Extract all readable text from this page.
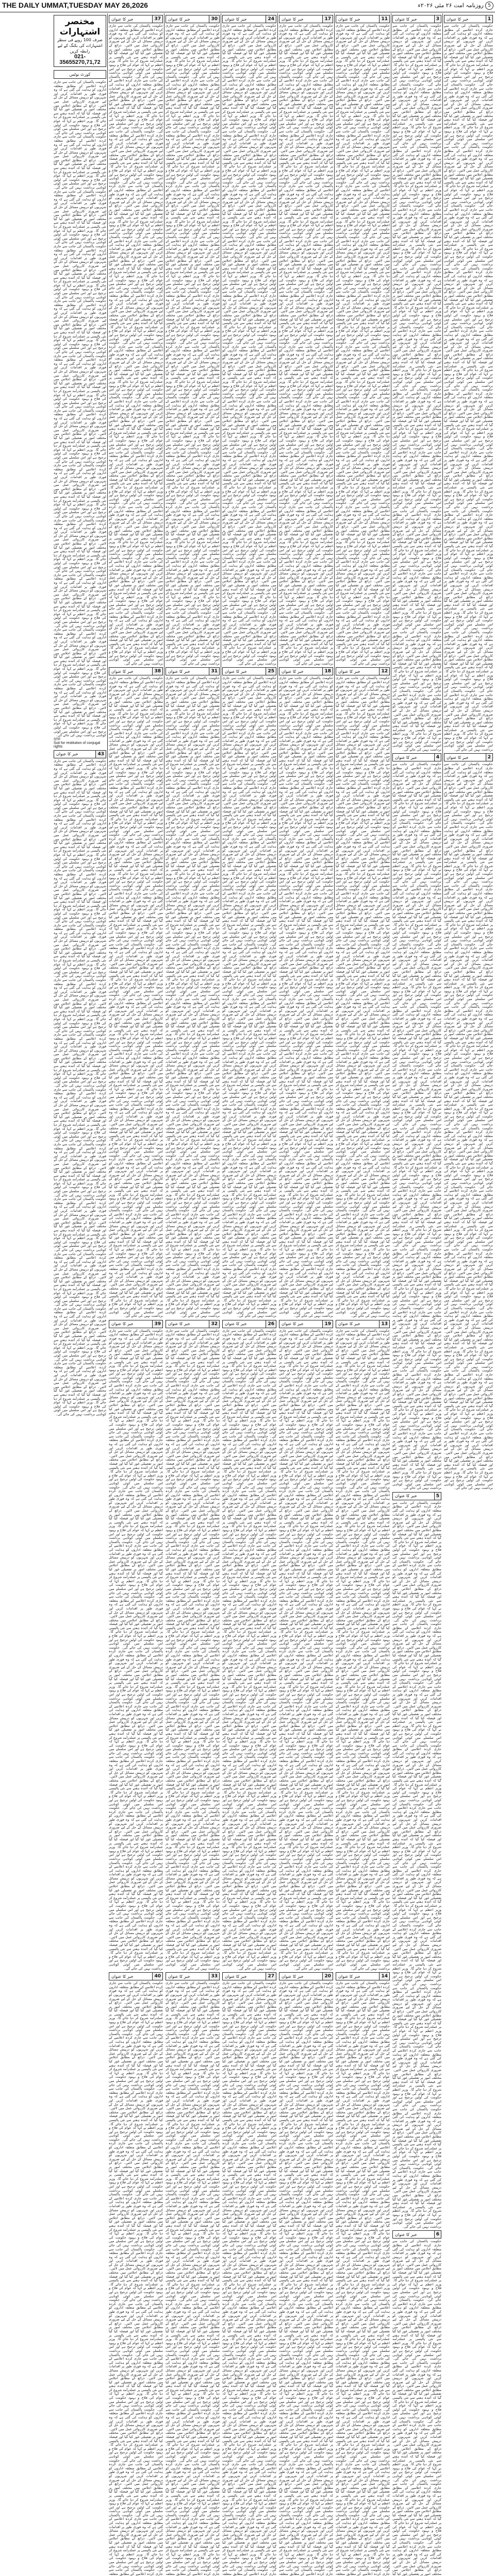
THE DAILY UMMAT,TUESDAY MAY 26,2026	روزنامہ امت ۲۶ مئی ۲۰۲۶ء 5
1
خبر کا عنوان
حکومت پاکستان کی جانب سے جاری کردہ اعلامیے کے مطابق متعلقہ اداروں کو ہدایت کی گئی ہے کہ وہ فوری طور پر اقدامات کریں اور شہریوں کو درپیش مسائل کے حل کے لیے ضروری کارروائی عمل میں لائیں۔ ذرائع کے مطابق اجلاس میں مختلف امور پر تفصیلی غور کیا گیا اور فیصلہ کیا گیا کہ آئندہ ہفتے سے نئی پالیسی پر عملدرآمد شروع کر دیا جائے گا۔ وزیر اعظم نے کہا کہ عوام کی فلاح و بہبود حکومت کی اولین ترجیح ہے اور اس سلسلے میں کوئی کوتاہی برداشت نہیں کی جائے گی۔ حکومت پاکستان کی جانب سے جاری کردہ اعلامیے کے مطابق متعلقہ اداروں کو ہدایت کی گئی ہے کہ وہ فوری طور پر اقدامات کریں اور شہریوں کو درپیش مسائل کے حل کے لیے ضروری کارروائی عمل میں لائیں۔ ذرائع کے مطابق اجلاس میں مختلف امور پر تفصیلی غور کیا گیا اور فیصلہ کیا گیا کہ آئندہ ہفتے سے نئی پالیسی پر عملدرآمد شروع کر دیا جائے گا۔ وزیر اعظم نے کہا کہ عوام کی فلاح و بہبود حکومت کی اولین ترجیح ہے اور اس سلسلے میں کوئی کوتاہی برداشت نہیں کی جائے گی۔ حکومت پاکستان کی جانب سے جاری کردہ اعلامیے کے مطابق متعلقہ اداروں کو ہدایت کی گئی ہے کہ وہ فوری طور پر اقدامات کریں اور شہریوں کو درپیش مسائل کے حل کے لیے ضروری کارروائی عمل میں لائیں۔ ذرائع کے مطابق اجلاس میں مختلف امور پر تفصیلی غور کیا گیا اور فیصلہ کیا گیا کہ آئندہ ہفتے سے نئی پالیسی پر عملدرآمد شروع کر دیا جائے گا۔ وزیر اعظم نے کہا کہ عوام کی فلاح و بہبود حکومت کی اولین ترجیح ہے اور اس سلسلے میں کوئی کوتاہی برداشت نہیں کی جائے گی۔ حکومت پاکستان کی جانب سے جاری کردہ اعلامیے کے مطابق متعلقہ اداروں کو ہدایت کی گئی ہے کہ وہ فوری طور پر اقدامات کریں اور شہریوں کو درپیش مسائل کے حل کے لیے ضروری کارروائی عمل میں لائیں۔ ذرائع کے مطابق اجلاس میں مختلف امور پر تفصیلی غور کیا گیا اور فیصلہ کیا گیا کہ آئندہ ہفتے سے نئی پالیسی پر عملدرآمد شروع کر دیا جائے گا۔ وزیر اعظم نے کہا کہ عوام کی فلاح و بہبود حکومت کی اولین ترجیح ہے اور اس سلسلے میں کوئی کوتاہی برداشت نہیں کی جائے گی۔ حکومت پاکستان کی جانب سے جاری کردہ اعلامیے کے مطابق متعلقہ اداروں کو ہدایت کی گئی ہے کہ وہ فوری طور پر اقدامات کریں اور شہریوں کو درپیش مسائل کے حل کے لیے ضروری کارروائی عمل میں لائیں۔ ذرائع کے مطابق اجلاس میں مختلف امور پر تفصیلی غور کیا گیا اور فیصلہ کیا گیا کہ آئندہ ہفتے سے نئی پالیسی پر عملدرآمد شروع کر دیا جائے گا۔ وزیر اعظم نے کہا کہ عوام کی فلاح و بہبود حکومت کی اولین ترجیح ہے اور اس سلسلے میں کوئی کوتاہی برداشت نہیں کی جائے گی۔ حکومت پاکستان کی جانب سے جاری کردہ اعلامیے کے مطابق متعلقہ اداروں کو ہدایت کی گئی ہے کہ وہ فوری طور پر اقدامات کریں اور شہریوں کو درپیش مسائل کے حل کے لیے ضروری کارروائی عمل میں لائیں۔ ذرائع کے مطابق اجلاس میں مختلف امور پر تفصیلی غور کیا گیا اور فیصلہ کیا گیا کہ آئندہ ہفتے سے نئی پالیسی پر عملدرآمد شروع کر دیا جائے گا۔ وزیر اعظم نے کہا کہ عوام کی فلاح و بہبود حکومت کی اولین ترجیح ہے اور اس سلسلے میں کوئی کوتاہی برداشت نہیں کی جائے گی۔ حکومت پاکستان کی جانب سے جاری کردہ اعلامیے کے مطابق متعلقہ اداروں کو ہدایت کی گئی ہے کہ وہ فوری طور پر اقدامات کریں اور شہریوں کو درپیش مسائل کے حل کے لیے ضروری کارروائی عمل میں لائیں۔ ذرائع کے مطابق اجلاس میں مختلف امور پر تفصیلی غور کیا گیا اور فیصلہ کیا گیا کہ آئندہ ہفتے سے نئی پالیسی پر عملدرآمد شروع کر دیا جائے گا۔ وزیر اعظم نے کہا کہ عوام کی فلاح و بہبود حکومت کی اولین ترجیح ہے اور اس سلسلے میں کوئی کوتاہی برداشت نہیں کی جائے گی۔ حکومت پاکستان کی جانب سے جاری کردہ اعلامیے کے مطابق متعلقہ اداروں کو ہدایت کی گئی ہے کہ وہ فوری طور پر اقدامات کریں اور شہریوں کو درپیش مسائل کے حل کے لیے ضروری کارروائی عمل میں لائیں۔ ذرائع کے مطابق اجلاس میں مختلف امور پر تفصیلی غور کیا گیا اور فیصلہ کیا گیا کہ آئندہ ہفتے سے نئی پالیسی پر عملدرآمد شروع کر دیا جائے گا۔ وزیر اعظم نے کہا کہ عوام کی فلاح و بہبود حکومت کی اولین ترجیح ہے اور اس سلسلے میں کوئی کوتاہی برداشت نہیں کی جائے گی۔ حکومت پاکستان کی جانب سے جاری کردہ اعلامیے کے مطابق متعلقہ اداروں کو ہدایت کی گئی ہے کہ وہ فوری طور پر اقدامات کریں اور شہریوں کو درپیش مسائل کے حل کے لیے ضروری کارروائی عمل میں لائیں۔ ذرائع کے مطابق اجلاس میں مختلف امور پر تفصیلی غور کیا گیا اور فیصلہ کیا گیا کہ آئندہ ہفتے سے نئی پالیسی پر عملدرآمد شروع کر دیا جائے گا۔ وزیر اعظم نے کہا کہ عوام کی فلاح و بہبود حکومت کی اولین ترجیح ہے اور اس سلسلے میں کوئی کوتاہی برداشت نہیں کی جائے گی۔ حکومت پاکستان کی جانب سے جاری کردہ اعلامیے کے مطابق متعلقہ اداروں کو ہدایت کی گئی ہے کہ وہ فوری طور پر اقدامات کریں اور شہریوں کو درپیش مسائل کے حل کے لیے ضروری کارروائی عمل میں لائیں۔ ذرائع کے مطابق اجلاس میں مختلف امور پر تفصیلی غور کیا گیا اور فیصلہ کیا گیا کہ آئندہ ہفتے سے نئی پالیسی پر عملدرآمد شروع کر دیا جائے گا۔ وزیر اعظم نے کہا کہ عوام کی فلاح و بہبود حکومت کی اولین ترجیح ہے اور اس سلسلے میں کوئی کوتاہی برداشت نہیں کی جائے گی۔ حکومت پاکستان کی جانب سے جاری کردہ اعلامیے کے مطابق متعلقہ اداروں کو ہدایت کی گئی ہے کہ وہ فوری طور پر اقدامات کریں اور شہریوں کو درپیش مسائل کے حل کے لیے ضروری کارروائی عمل میں لائیں۔ ذرائع کے مطابق اجلاس میں مختلف امور پر تفصیلی غور کیا گیا اور فیصلہ کیا گیا کہ آئندہ ہفتے سے نئی پالیسی پر عملدرآمد شروع کر دیا جائے گا۔ وزیر اعظم نے کہا کہ عوام کی فلاح و بہبود حکومت کی اولین ترجیح ہے اور اس سلسلے میں کوئی کوتاہی برداشت نہیں کی جائے گی۔ حکومت پاکستان کی جانب سے جاری کردہ اعلامیے کے مطابق متعلقہ اداروں کو ہدایت کی گئی ہے کہ وہ فوری طور پر اقدامات کریں اور شہریوں کو درپیش مسائل کے حل کے لیے ضروری کارروائی عمل میں لائیں۔ ذرائع کے مطابق اجلاس میں مختلف امور پر تفصیلی غور کیا گیا اور فیصلہ کیا گیا کہ آئندہ ہفتے سے نئی پالیسی پر عملدرآمد شروع کر دیا جائے گا۔ وزیر اعظم نے کہا کہ عوام کی فلاح و بہبود حکومت کی اولین ترجیح ہے اور اس سلسلے میں کوئی کوتاہی برداشت نہیں کی جائے گی۔
2
خبر کا عنوان
حکومت پاکستان کی جانب سے جاری کردہ اعلامیے کے مطابق متعلقہ اداروں کو ہدایت کی گئی ہے کہ وہ فوری طور پر اقدامات کریں اور شہریوں کو درپیش مسائل کے حل کے لیے ضروری کارروائی عمل میں لائیں۔ ذرائع کے مطابق اجلاس میں مختلف امور پر تفصیلی غور کیا گیا اور فیصلہ کیا گیا کہ آئندہ ہفتے سے نئی پالیسی پر عملدرآمد شروع کر دیا جائے گا۔ وزیر اعظم نے کہا کہ عوام کی فلاح و بہبود حکومت کی اولین ترجیح ہے اور اس سلسلے میں کوئی کوتاہی برداشت نہیں کی جائے گی۔ حکومت پاکستان کی جانب سے جاری کردہ اعلامیے کے مطابق متعلقہ اداروں کو ہدایت کی گئی ہے کہ وہ فوری طور پر اقدامات کریں اور شہریوں کو درپیش مسائل کے حل کے لیے ضروری کارروائی عمل میں لائیں۔ ذرائع کے مطابق اجلاس میں مختلف امور پر تفصیلی غور کیا گیا اور فیصلہ کیا گیا کہ آئندہ ہفتے سے نئی پالیسی پر عملدرآمد شروع کر دیا جائے گا۔ وزیر اعظم نے کہا کہ عوام کی فلاح و بہبود حکومت کی اولین ترجیح ہے اور اس سلسلے میں کوئی کوتاہی برداشت نہیں کی جائے گی۔ حکومت پاکستان کی جانب سے جاری کردہ اعلامیے کے مطابق متعلقہ اداروں کو ہدایت کی گئی ہے کہ وہ فوری طور پر اقدامات کریں اور شہریوں کو درپیش مسائل کے حل کے لیے ضروری کارروائی عمل میں لائیں۔ ذرائع کے مطابق اجلاس میں مختلف امور پر تفصیلی غور کیا گیا اور فیصلہ کیا گیا کہ آئندہ ہفتے سے نئی پالیسی پر عملدرآمد شروع کر دیا جائے گا۔ وزیر اعظم نے کہا کہ عوام کی فلاح و بہبود حکومت کی اولین ترجیح ہے اور اس سلسلے میں کوئی کوتاہی برداشت نہیں کی جائے گی۔ حکومت پاکستان کی جانب سے جاری کردہ اعلامیے کے مطابق متعلقہ اداروں کو ہدایت کی گئی ہے کہ وہ فوری طور پر اقدامات کریں اور شہریوں کو درپیش مسائل کے حل کے لیے ضروری کارروائی عمل میں لائیں۔ ذرائع کے مطابق اجلاس میں مختلف امور پر تفصیلی غور کیا گیا اور فیصلہ کیا گیا کہ آئندہ ہفتے سے نئی پالیسی پر عملدرآمد شروع کر دیا جائے گا۔ وزیر اعظم نے کہا کہ عوام کی فلاح و بہبود حکومت کی اولین ترجیح ہے اور اس سلسلے میں کوئی کوتاہی برداشت نہیں کی جائے گی۔ حکومت پاکستان کی جانب سے جاری کردہ اعلامیے کے مطابق متعلقہ اداروں کو ہدایت کی گئی ہے کہ وہ فوری طور پر اقدامات کریں اور شہریوں کو درپیش مسائل کے حل کے لیے ضروری کارروائی عمل میں لائیں۔ ذرائع کے مطابق اجلاس میں مختلف امور پر تفصیلی غور کیا گیا اور فیصلہ کیا گیا کہ آئندہ ہفتے سے نئی پالیسی پر عملدرآمد شروع کر دیا جائے گا۔ وزیر اعظم نے کہا کہ عوام کی فلاح و بہبود حکومت کی اولین ترجیح ہے اور اس سلسلے میں کوئی کوتاہی برداشت نہیں کی جائے گی۔ حکومت پاکستان کی جانب سے جاری کردہ اعلامیے کے مطابق متعلقہ اداروں کو ہدایت کی گئی ہے کہ وہ فوری طور پر اقدامات کریں اور شہریوں کو درپیش مسائل کے حل کے لیے ضروری کارروائی عمل میں لائیں۔ ذرائع کے مطابق اجلاس میں مختلف امور پر تفصیلی غور کیا گیا اور فیصلہ کیا گیا کہ آئندہ ہفتے سے نئی پالیسی پر عملدرآمد شروع کر دیا جائے گا۔ وزیر اعظم نے کہا کہ عوام کی فلاح و بہبود حکومت کی اولین ترجیح ہے اور اس سلسلے میں کوئی کوتاہی برداشت نہیں کی جائے گی۔ حکومت پاکستان کی جانب سے جاری کردہ اعلامیے کے مطابق متعلقہ اداروں کو ہدایت کی گئی ہے کہ وہ فوری طور پر اقدامات کریں اور شہریوں کو درپیش مسائل کے حل کے لیے ضروری کارروائی عمل میں لائیں۔ ذرائع کے مطابق اجلاس میں مختلف امور پر تفصیلی غور کیا گیا اور فیصلہ کیا گیا کہ آئندہ ہفتے سے نئی پالیسی پر عملدرآمد شروع کر دیا جائے گا۔ وزیر اعظم نے کہا کہ عوام کی فلاح و بہبود حکومت کی اولین ترجیح ہے اور اس سلسلے میں کوئی کوتاہی برداشت نہیں کی جائے گی۔ حکومت پاکستان کی جانب سے جاری کردہ اعلامیے کے مطابق متعلقہ اداروں کو ہدایت کی گئی ہے کہ وہ فوری طور پر اقدامات کریں اور شہریوں کو درپیش مسائل کے حل کے لیے ضروری کارروائی عمل میں لائیں۔ ذرائع کے مطابق اجلاس میں مختلف امور پر تفصیلی غور کیا گیا اور فیصلہ کیا گیا کہ آئندہ ہفتے سے نئی پالیسی پر عملدرآمد شروع کر دیا جائے گا۔ وزیر اعظم نے کہا کہ عوام کی فلاح و بہبود حکومت کی اولین ترجیح ہے اور اس سلسلے میں کوئی کوتاہی برداشت نہیں کی جائے گی۔ حکومت پاکستان کی جانب سے جاری کردہ اعلامیے کے مطابق متعلقہ اداروں کو ہدایت کی گئی ہے کہ وہ فوری طور پر اقدامات کریں اور شہریوں کو درپیش مسائل کے حل کے لیے ضروری کارروائی عمل میں لائیں۔ ذرائع کے مطابق اجلاس میں مختلف امور پر تفصیلی غور کیا گیا اور فیصلہ کیا گیا کہ آئندہ ہفتے سے نئی پالیسی پر عملدرآمد شروع کر دیا جائے گا۔ وزیر اعظم نے کہا کہ عوام کی فلاح و بہبود حکومت کی اولین ترجیح ہے اور اس سلسلے میں کوئی کوتاہی برداشت نہیں کی جائے گی۔ حکومت پاکستان کی جانب سے جاری کردہ اعلامیے کے مطابق متعلقہ اداروں کو ہدایت کی گئی ہے کہ وہ فوری طور پر اقدامات کریں اور شہریوں کو درپیش مسائل کے حل کے لیے ضروری کارروائی عمل میں لائیں۔ ذرائع کے مطابق اجلاس میں مختلف امور پر تفصیلی غور کیا گیا اور فیصلہ کیا گیا کہ آئندہ ہفتے سے نئی پالیسی پر عملدرآمد شروع کر دیا جائے گا۔ وزیر اعظم نے کہا کہ عوام کی فلاح و بہبود حکومت کی اولین ترجیح ہے اور اس سلسلے میں کوئی کوتاہی برداشت نہیں کی جائے گی۔ حکومت پاکستان کی جانب سے جاری کردہ اعلامیے کے مطابق متعلقہ اداروں کو ہدایت کی گئی ہے کہ وہ فوری طور پر اقدامات کریں اور شہریوں کو درپیش مسائل کے حل کے لیے ضروری کارروائی عمل میں لائیں۔ ذرائع کے مطابق اجلاس میں مختلف امور پر تفصیلی غور کیا گیا اور فیصلہ کیا گیا کہ آئندہ ہفتے سے نئی پالیسی پر عملدرآمد شروع کر دیا جائے گا۔ وزیر اعظم نے کہا کہ عوام کی فلاح و بہبود حکومت کی اولین ترجیح ہے اور اس سلسلے میں کوئی کوتاہی برداشت نہیں کی جائے گی۔ حکومت پاکستان کی جانب سے جاری کردہ اعلامیے کے مطابق متعلقہ اداروں کو ہدایت کی گئی ہے کہ وہ فوری طور پر اقدامات کریں اور شہریوں کو درپیش مسائل کے حل کے لیے ضروری کارروائی عمل میں لائیں۔ ذرائع کے مطابق اجلاس میں مختلف امور پر تفصیلی غور کیا گیا اور فیصلہ کیا گیا کہ آئندہ ہفتے سے نئی پالیسی پر عملدرآمد شروع کر دیا جائے گا۔ وزیر اعظم نے کہا کہ عوام کی فلاح و بہبود حکومت کی اولین ترجیح ہے اور اس سلسلے میں کوئی کوتاہی برداشت نہیں کی جائے گی۔
3
خبر کا عنوان
حکومت پاکستان کی جانب سے جاری کردہ اعلامیے کے مطابق متعلقہ اداروں کو ہدایت کی گئی ہے کہ وہ فوری طور پر اقدامات کریں اور شہریوں کو درپیش مسائل کے حل کے لیے ضروری کارروائی عمل میں لائیں۔ ذرائع کے مطابق اجلاس میں مختلف امور پر تفصیلی غور کیا گیا اور فیصلہ کیا گیا کہ آئندہ ہفتے سے نئی پالیسی پر عملدرآمد شروع کر دیا جائے گا۔ وزیر اعظم نے کہا کہ عوام کی فلاح و بہبود حکومت کی اولین ترجیح ہے اور اس سلسلے میں کوئی کوتاہی برداشت نہیں کی جائے گی۔ حکومت پاکستان کی جانب سے جاری کردہ اعلامیے کے مطابق متعلقہ اداروں کو ہدایت کی گئی ہے کہ وہ فوری طور پر اقدامات کریں اور شہریوں کو درپیش مسائل کے حل کے لیے ضروری کارروائی عمل میں لائیں۔ ذرائع کے مطابق اجلاس میں مختلف امور پر تفصیلی غور کیا گیا اور فیصلہ کیا گیا کہ آئندہ ہفتے سے نئی پالیسی پر عملدرآمد شروع کر دیا جائے گا۔ وزیر اعظم نے کہا کہ عوام کی فلاح و بہبود حکومت کی اولین ترجیح ہے اور اس سلسلے میں کوئی کوتاہی برداشت نہیں کی جائے گی۔ حکومت پاکستان کی جانب سے جاری کردہ اعلامیے کے مطابق متعلقہ اداروں کو ہدایت کی گئی ہے کہ وہ فوری طور پر اقدامات کریں اور شہریوں کو درپیش مسائل کے حل کے لیے ضروری کارروائی عمل میں لائیں۔ ذرائع کے مطابق اجلاس میں مختلف امور پر تفصیلی غور کیا گیا اور فیصلہ کیا گیا کہ آئندہ ہفتے سے نئی پالیسی پر عملدرآمد شروع کر دیا جائے گا۔ وزیر اعظم نے کہا کہ عوام کی فلاح و بہبود حکومت کی اولین ترجیح ہے اور اس سلسلے میں کوئی کوتاہی برداشت نہیں کی جائے گی۔ حکومت پاکستان کی جانب سے جاری کردہ اعلامیے کے مطابق متعلقہ اداروں کو ہدایت کی گئی ہے کہ وہ فوری طور پر اقدامات کریں اور شہریوں کو درپیش مسائل کے حل کے لیے ضروری کارروائی عمل میں لائیں۔ ذرائع کے مطابق اجلاس میں مختلف امور پر تفصیلی غور کیا گیا اور فیصلہ کیا گیا کہ آئندہ ہفتے سے نئی پالیسی پر عملدرآمد شروع کر دیا جائے گا۔ وزیر اعظم نے کہا کہ عوام کی فلاح و بہبود حکومت کی اولین ترجیح ہے اور اس سلسلے میں کوئی کوتاہی برداشت نہیں کی جائے گی۔ حکومت پاکستان کی جانب سے جاری کردہ اعلامیے کے مطابق متعلقہ اداروں کو ہدایت کی گئی ہے کہ وہ فوری طور پر اقدامات کریں اور شہریوں کو درپیش مسائل کے حل کے لیے ضروری کارروائی عمل میں لائیں۔ ذرائع کے مطابق اجلاس میں مختلف امور پر تفصیلی غور کیا گیا اور فیصلہ کیا گیا کہ آئندہ ہفتے سے نئی پالیسی پر عملدرآمد شروع کر دیا جائے گا۔ وزیر اعظم نے کہا کہ عوام کی فلاح و بہبود حکومت کی اولین ترجیح ہے اور اس سلسلے میں کوئی کوتاہی برداشت نہیں کی جائے گی۔ حکومت پاکستان کی جانب سے جاری کردہ اعلامیے کے مطابق متعلقہ اداروں کو ہدایت کی گئی ہے کہ وہ فوری طور پر اقدامات کریں اور شہریوں کو درپیش مسائل کے حل کے لیے ضروری کارروائی عمل میں لائیں۔ ذرائع کے مطابق اجلاس میں مختلف امور پر تفصیلی غور کیا گیا اور فیصلہ کیا گیا کہ آئندہ ہفتے سے نئی پالیسی پر عملدرآمد شروع کر دیا جائے گا۔ وزیر اعظم نے کہا کہ عوام کی فلاح و بہبود حکومت کی اولین ترجیح ہے اور اس سلسلے میں کوئی کوتاہی برداشت نہیں کی جائے گی۔ حکومت پاکستان کی جانب سے جاری کردہ اعلامیے کے مطابق متعلقہ اداروں کو ہدایت کی گئی ہے کہ وہ فوری طور پر اقدامات کریں اور شہریوں کو درپیش مسائل کے حل کے لیے ضروری کارروائی عمل میں لائیں۔ ذرائع کے مطابق اجلاس میں مختلف امور پر تفصیلی غور کیا گیا اور فیصلہ کیا گیا کہ آئندہ ہفتے سے نئی پالیسی پر عملدرآمد شروع کر دیا جائے گا۔ وزیر اعظم نے کہا کہ عوام کی فلاح و بہبود حکومت کی اولین ترجیح ہے اور اس سلسلے میں کوئی کوتاہی برداشت نہیں کی جائے گی۔ حکومت پاکستان کی جانب سے جاری کردہ اعلامیے کے مطابق متعلقہ اداروں کو ہدایت کی گئی ہے کہ وہ فوری طور پر اقدامات کریں اور شہریوں کو درپیش مسائل کے حل کے لیے ضروری کارروائی عمل میں لائیں۔ ذرائع کے مطابق اجلاس میں مختلف امور پر تفصیلی غور کیا گیا اور فیصلہ کیا گیا کہ آئندہ ہفتے سے نئی پالیسی پر عملدرآمد شروع کر دیا جائے گا۔ وزیر اعظم نے کہا کہ عوام کی فلاح و بہبود حکومت کی اولین ترجیح ہے اور اس سلسلے میں کوئی کوتاہی برداشت نہیں کی جائے گی۔ حکومت پاکستان کی جانب سے جاری کردہ اعلامیے کے مطابق متعلقہ اداروں کو ہدایت کی گئی ہے کہ وہ فوری طور پر اقدامات کریں اور شہریوں کو درپیش مسائل کے حل کے لیے ضروری کارروائی عمل میں لائیں۔ ذرائع کے مطابق اجلاس میں مختلف امور پر تفصیلی غور کیا گیا اور فیصلہ کیا گیا کہ آئندہ ہفتے سے نئی پالیسی پر عملدرآمد شروع کر دیا جائے گا۔ وزیر اعظم نے کہا کہ عوام کی فلاح و بہبود حکومت کی اولین ترجیح ہے اور اس سلسلے میں کوئی کوتاہی برداشت نہیں کی جائے گی۔ حکومت پاکستان کی جانب سے جاری کردہ اعلامیے کے مطابق متعلقہ اداروں کو ہدایت کی گئی ہے کہ وہ فوری طور پر اقدامات کریں اور شہریوں کو درپیش مسائل کے حل کے لیے ضروری کارروائی عمل میں لائیں۔ ذرائع کے مطابق اجلاس میں مختلف امور پر تفصیلی غور کیا گیا اور فیصلہ کیا گیا کہ آئندہ ہفتے سے نئی پالیسی پر عملدرآمد شروع کر دیا جائے گا۔ وزیر اعظم نے کہا کہ عوام کی فلاح و بہبود حکومت کی اولین ترجیح ہے اور اس سلسلے میں کوئی کوتاہی برداشت نہیں کی جائے گی۔ حکومت پاکستان کی جانب سے جاری کردہ اعلامیے کے مطابق متعلقہ اداروں کو ہدایت کی گئی ہے کہ وہ فوری طور پر اقدامات کریں اور شہریوں کو درپیش مسائل کے حل کے لیے ضروری کارروائی عمل میں لائیں۔ ذرائع کے مطابق اجلاس میں مختلف امور پر تفصیلی غور کیا گیا اور فیصلہ کیا گیا کہ آئندہ ہفتے سے نئی پالیسی پر عملدرآمد شروع کر دیا جائے گا۔ وزیر اعظم نے کہا کہ عوام کی فلاح و بہبود حکومت کی اولین ترجیح ہے اور اس سلسلے میں کوئی کوتاہی برداشت نہیں کی جائے گی۔ حکومت پاکستان کی جانب سے جاری کردہ اعلامیے کے مطابق متعلقہ اداروں کو ہدایت کی گئی ہے کہ وہ فوری طور پر اقدامات کریں اور شہریوں کو درپیش مسائل کے حل کے لیے ضروری کارروائی عمل میں لائیں۔ ذرائع کے مطابق اجلاس میں مختلف امور پر تفصیلی غور کیا گیا اور فیصلہ کیا گیا کہ آئندہ ہفتے سے نئی پالیسی پر عملدرآمد شروع کر دیا جائے گا۔ وزیر اعظم نے کہا کہ عوام کی فلاح و بہبود حکومت کی اولین ترجیح ہے اور اس سلسلے میں کوئی کوتاہی برداشت نہیں کی جائے گی۔
4
خبر کا عنوان
حکومت پاکستان کی جانب سے جاری کردہ اعلامیے کے مطابق متعلقہ اداروں کو ہدایت کی گئی ہے کہ وہ فوری طور پر اقدامات کریں اور شہریوں کو درپیش مسائل کے حل کے لیے ضروری کارروائی عمل میں لائیں۔ ذرائع کے مطابق اجلاس میں مختلف امور پر تفصیلی غور کیا گیا اور فیصلہ کیا گیا کہ آئندہ ہفتے سے نئی پالیسی پر عملدرآمد شروع کر دیا جائے گا۔ وزیر اعظم نے کہا کہ عوام کی فلاح و بہبود حکومت کی اولین ترجیح ہے اور اس سلسلے میں کوئی کوتاہی برداشت نہیں کی جائے گی۔ حکومت پاکستان کی جانب سے جاری کردہ اعلامیے کے مطابق متعلقہ اداروں کو ہدایت کی گئی ہے کہ وہ فوری طور پر اقدامات کریں اور شہریوں کو درپیش مسائل کے حل کے لیے ضروری کارروائی عمل میں لائیں۔ ذرائع کے مطابق اجلاس میں مختلف امور پر تفصیلی غور کیا گیا اور فیصلہ کیا گیا کہ آئندہ ہفتے سے نئی پالیسی پر عملدرآمد شروع کر دیا جائے گا۔ وزیر اعظم نے کہا کہ عوام کی فلاح و بہبود حکومت کی اولین ترجیح ہے اور اس سلسلے میں کوئی کوتاہی برداشت نہیں کی جائے گی۔ حکومت پاکستان کی جانب سے جاری کردہ اعلامیے کے مطابق متعلقہ اداروں کو ہدایت کی گئی ہے کہ وہ فوری طور پر اقدامات کریں اور شہریوں کو درپیش مسائل کے حل کے لیے ضروری کارروائی عمل میں لائیں۔ ذرائع کے مطابق اجلاس میں مختلف امور پر تفصیلی غور کیا گیا اور فیصلہ کیا گیا کہ آئندہ ہفتے سے نئی پالیسی پر عملدرآمد شروع کر دیا جائے گا۔ وزیر اعظم نے کہا کہ عوام کی فلاح و بہبود حکومت کی اولین ترجیح ہے اور اس سلسلے میں کوئی کوتاہی برداشت نہیں کی جائے گی۔ حکومت پاکستان کی جانب سے جاری کردہ اعلامیے کے مطابق متعلقہ اداروں کو ہدایت کی گئی ہے کہ وہ فوری طور پر اقدامات کریں اور شہریوں کو درپیش مسائل کے حل کے لیے ضروری کارروائی عمل میں لائیں۔ ذرائع کے مطابق اجلاس میں مختلف امور پر تفصیلی غور کیا گیا اور فیصلہ کیا گیا کہ آئندہ ہفتے سے نئی پالیسی پر عملدرآمد شروع کر دیا جائے گا۔ وزیر اعظم نے کہا کہ عوام کی فلاح و بہبود حکومت کی اولین ترجیح ہے اور اس سلسلے میں کوئی کوتاہی برداشت نہیں کی جائے گی۔ حکومت پاکستان کی جانب سے جاری کردہ اعلامیے کے مطابق متعلقہ اداروں کو ہدایت کی گئی ہے کہ وہ فوری طور پر اقدامات کریں اور شہریوں کو درپیش مسائل کے حل کے لیے ضروری کارروائی عمل میں لائیں۔ ذرائع کے مطابق اجلاس میں مختلف امور پر تفصیلی غور کیا گیا اور فیصلہ کیا گیا کہ آئندہ ہفتے سے نئی پالیسی پر عملدرآمد شروع کر دیا جائے گا۔ وزیر اعظم نے کہا کہ عوام کی فلاح و بہبود حکومت کی اولین ترجیح ہے اور اس سلسلے میں کوئی کوتاہی برداشت نہیں کی جائے گی۔ حکومت پاکستان کی جانب سے جاری کردہ اعلامیے کے مطابق متعلقہ اداروں کو ہدایت کی گئی ہے کہ وہ فوری طور پر اقدامات کریں اور شہریوں کو درپیش مسائل کے حل کے لیے ضروری کارروائی عمل میں لائیں۔ ذرائع کے مطابق اجلاس میں مختلف امور پر تفصیلی غور کیا گیا اور فیصلہ کیا گیا کہ آئندہ ہفتے سے نئی پالیسی پر عملدرآمد شروع کر دیا جائے گا۔ وزیر اعظم نے کہا کہ عوام کی فلاح و بہبود حکومت کی اولین ترجیح ہے اور اس سلسلے میں کوئی کوتاہی برداشت نہیں کی جائے گی۔ حکومت پاکستان کی جانب سے جاری کردہ اعلامیے کے مطابق متعلقہ اداروں کو ہدایت کی گئی ہے کہ وہ فوری طور پر اقدامات کریں اور شہریوں کو درپیش مسائل کے حل کے لیے ضروری کارروائی عمل میں لائیں۔ ذرائع کے مطابق اجلاس میں مختلف امور پر تفصیلی غور کیا گیا اور فیصلہ کیا گیا کہ آئندہ ہفتے سے نئی پالیسی پر عملدرآمد شروع کر دیا جائے گا۔ وزیر اعظم نے کہا کہ عوام کی فلاح و بہبود حکومت کی اولین ترجیح ہے اور اس سلسلے میں کوئی کوتاہی برداشت نہیں کی جائے گی۔ حکومت پاکستان کی جانب سے جاری کردہ اعلامیے کے مطابق متعلقہ اداروں کو ہدایت کی گئی ہے کہ وہ فوری طور پر اقدامات کریں اور شہریوں کو درپیش مسائل کے حل کے لیے ضروری کارروائی عمل میں لائیں۔ ذرائع کے مطابق اجلاس میں مختلف امور پر تفصیلی غور کیا گیا اور فیصلہ کیا گیا کہ آئندہ ہفتے سے نئی پالیسی پر عملدرآمد شروع کر دیا جائے گا۔ وزیر اعظم نے کہا کہ عوام کی فلاح و بہبود حکومت کی اولین ترجیح ہے اور اس سلسلے میں کوئی کوتاہی برداشت نہیں کی جائے گی۔ حکومت پاکستان کی جانب سے جاری کردہ اعلامیے کے مطابق متعلقہ اداروں کو ہدایت کی گئی ہے کہ وہ فوری طور پر اقدامات کریں اور شہریوں کو درپیش مسائل کے حل کے لیے ضروری کارروائی عمل میں لائیں۔ ذرائع کے مطابق اجلاس میں مختلف امور پر تفصیلی غور کیا گیا اور فیصلہ کیا گیا کہ آئندہ ہفتے سے نئی پالیسی پر عملدرآمد شروع کر دیا جائے گا۔ وزیر اعظم نے کہا کہ عوام کی فلاح و بہبود حکومت کی اولین ترجیح ہے اور اس سلسلے میں کوئی کوتاہی برداشت نہیں کی جائے گی۔ حکومت پاکستان کی جانب سے جاری کردہ اعلامیے کے مطابق متعلقہ اداروں کو ہدایت کی گئی ہے کہ وہ فوری طور پر اقدامات کریں اور شہریوں کو درپیش مسائل کے حل کے لیے ضروری کارروائی عمل میں لائیں۔ ذرائع کے مطابق اجلاس میں مختلف امور پر تفصیلی غور کیا گیا اور فیصلہ کیا گیا کہ آئندہ ہفتے سے نئی پالیسی پر عملدرآمد شروع کر دیا جائے گا۔ وزیر اعظم نے کہا کہ عوام کی فلاح و بہبود حکومت کی اولین ترجیح ہے اور اس سلسلے میں کوئی کوتاہی برداشت نہیں کی جائے گی۔ حکومت پاکستان کی جانب سے جاری کردہ اعلامیے کے مطابق متعلقہ اداروں کو ہدایت کی گئی ہے کہ وہ فوری طور پر اقدامات کریں اور شہریوں کو درپیش مسائل کے حل کے لیے ضروری کارروائی عمل میں لائیں۔ ذرائع کے مطابق اجلاس میں مختلف امور پر تفصیلی غور کیا گیا اور فیصلہ کیا گیا کہ آئندہ ہفتے سے نئی پالیسی پر عملدرآمد شروع کر دیا جائے گا۔ وزیر اعظم نے کہا کہ عوام کی فلاح و بہبود حکومت کی اولین ترجیح ہے اور اس سلسلے میں کوئی کوتاہی برداشت نہیں کی جائے گی۔ حکومت پاکستان کی جانب سے جاری کردہ اعلامیے کے مطابق متعلقہ اداروں کو ہدایت کی گئی ہے کہ وہ فوری طور پر اقدامات کریں اور شہریوں کو درپیش مسائل کے حل کے لیے ضروری کارروائی عمل میں لائیں۔ ذرائع کے مطابق اجلاس میں مختلف امور پر تفصیلی غور کیا گیا اور فیصلہ کیا گیا کہ آئندہ ہفتے سے نئی پالیسی پر عملدرآمد شروع کر دیا جائے گا۔ وزیر اعظم نے کہا کہ عوام کی فلاح و بہبود حکومت کی اولین ترجیح ہے اور اس سلسلے میں کوئی کوتاہی برداشت نہیں کی جائے گی۔
5
خبر کا عنوان
حکومت پاکستان کی جانب سے جاری کردہ اعلامیے کے مطابق متعلقہ اداروں کو ہدایت کی گئی ہے کہ وہ فوری طور پر اقدامات کریں اور شہریوں کو درپیش مسائل کے حل کے لیے ضروری کارروائی عمل میں لائیں۔ ذرائع کے مطابق اجلاس میں مختلف امور پر تفصیلی غور کیا گیا اور فیصلہ کیا گیا کہ آئندہ ہفتے سے نئی پالیسی پر عملدرآمد شروع کر دیا جائے گا۔ وزیر اعظم نے کہا کہ عوام کی فلاح و بہبود حکومت کی اولین ترجیح ہے اور اس سلسلے میں کوئی کوتاہی برداشت نہیں کی جائے گی۔ حکومت پاکستان کی جانب سے جاری کردہ اعلامیے کے مطابق متعلقہ اداروں کو ہدایت کی گئی ہے کہ وہ فوری طور پر اقدامات کریں اور شہریوں کو درپیش مسائل کے حل کے لیے ضروری کارروائی عمل میں لائیں۔ ذرائع کے مطابق اجلاس میں مختلف امور پر تفصیلی غور کیا گیا اور فیصلہ کیا گیا کہ آئندہ ہفتے سے نئی پالیسی پر عملدرآمد شروع کر دیا جائے گا۔ وزیر اعظم نے کہا کہ عوام کی فلاح و بہبود حکومت کی اولین ترجیح ہے اور اس سلسلے میں کوئی کوتاہی برداشت نہیں کی جائے گی۔ حکومت پاکستان کی جانب سے جاری کردہ اعلامیے کے مطابق متعلقہ اداروں کو ہدایت کی گئی ہے کہ وہ فوری طور پر اقدامات کریں اور شہریوں کو درپیش مسائل کے حل کے لیے ضروری کارروائی عمل میں لائیں۔ ذرائع کے مطابق اجلاس میں مختلف امور پر تفصیلی غور کیا گیا اور فیصلہ کیا گیا کہ آئندہ ہفتے سے نئی پالیسی پر عملدرآمد شروع کر دیا جائے گا۔ وزیر اعظم نے کہا کہ عوام کی فلاح و بہبود حکومت کی اولین ترجیح ہے اور اس سلسلے میں کوئی کوتاہی برداشت نہیں کی جائے گی۔ حکومت پاکستان کی جانب سے جاری کردہ اعلامیے کے مطابق متعلقہ اداروں کو ہدایت کی گئی ہے کہ وہ فوری طور پر اقدامات کریں اور شہریوں کو درپیش مسائل کے حل کے لیے ضروری کارروائی عمل میں لائیں۔ ذرائع کے مطابق اجلاس میں مختلف امور پر تفصیلی غور کیا گیا اور فیصلہ کیا گیا کہ آئندہ ہفتے سے نئی پالیسی پر عملدرآمد شروع کر دیا جائے گا۔ وزیر اعظم نے کہا کہ عوام کی فلاح و بہبود حکومت کی اولین ترجیح ہے اور اس سلسلے میں کوئی کوتاہی برداشت نہیں کی جائے گی۔ حکومت پاکستان کی جانب سے جاری کردہ اعلامیے کے مطابق متعلقہ اداروں کو ہدایت کی گئی ہے کہ وہ فوری طور پر اقدامات کریں اور شہریوں کو درپیش مسائل کے حل کے لیے ضروری کارروائی عمل میں لائیں۔ ذرائع کے مطابق اجلاس میں مختلف امور پر تفصیلی غور کیا گیا اور فیصلہ کیا گیا کہ آئندہ ہفتے سے نئی پالیسی پر عملدرآمد شروع کر دیا جائے گا۔ وزیر اعظم نے کہا کہ عوام کی فلاح و بہبود حکومت کی اولین ترجیح ہے اور اس سلسلے میں کوئی کوتاہی برداشت نہیں کی جائے گی۔ حکومت پاکستان کی جانب سے جاری کردہ اعلامیے کے مطابق متعلقہ اداروں کو ہدایت کی گئی ہے کہ وہ فوری طور پر اقدامات کریں اور شہریوں کو درپیش مسائل کے حل کے لیے ضروری کارروائی عمل میں لائیں۔ ذرائع کے مطابق اجلاس میں مختلف امور پر تفصیلی غور کیا گیا اور فیصلہ کیا گیا کہ آئندہ ہفتے سے نئی پالیسی پر عملدرآمد شروع کر دیا جائے گا۔ وزیر اعظم نے کہا کہ عوام کی فلاح و بہبود حکومت کی اولین ترجیح ہے اور اس سلسلے میں کوئی کوتاہی برداشت نہیں کی جائے گی۔ حکومت پاکستان کی جانب سے جاری کردہ اعلامیے کے مطابق متعلقہ اداروں کو ہدایت کی گئی ہے کہ وہ فوری طور پر اقدامات کریں اور شہریوں کو درپیش مسائل کے حل کے لیے ضروری کارروائی عمل میں لائیں۔ ذرائع کے مطابق اجلاس میں مختلف امور پر تفصیلی غور کیا گیا اور فیصلہ کیا گیا کہ آئندہ ہفتے سے نئی پالیسی پر عملدرآمد شروع کر دیا جائے گا۔ وزیر اعظم نے کہا کہ عوام کی فلاح و بہبود حکومت کی اولین ترجیح ہے اور اس سلسلے میں کوئی کوتاہی برداشت نہیں کی جائے گی۔ حکومت پاکستان کی جانب سے جاری کردہ اعلامیے کے مطابق متعلقہ اداروں کو ہدایت کی گئی ہے کہ وہ فوری طور پر اقدامات کریں اور شہریوں کو درپیش مسائل کے حل کے لیے ضروری کارروائی عمل میں لائیں۔ ذرائع کے مطابق اجلاس میں مختلف امور پر تفصیلی غور کیا گیا اور فیصلہ کیا گیا کہ آئندہ ہفتے سے نئی پالیسی پر عملدرآمد شروع کر دیا جائے گا۔ وزیر اعظم نے کہا کہ عوام کی فلاح و بہبود حکومت کی اولین ترجیح ہے اور اس سلسلے میں کوئی کوتاہی برداشت نہیں کی جائے گی۔ حکومت پاکستان کی جانب سے جاری کردہ اعلامیے کے مطابق متعلقہ اداروں کو ہدایت کی گئی ہے کہ وہ فوری طور پر اقدامات کریں اور شہریوں کو درپیش مسائل کے حل کے لیے ضروری کارروائی عمل میں لائیں۔ ذرائع کے مطابق اجلاس میں مختلف امور پر تفصیلی غور کیا گیا اور فیصلہ کیا گیا کہ آئندہ ہفتے سے نئی پالیسی پر عملدرآمد شروع کر دیا جائے گا۔ وزیر اعظم نے کہا کہ عوام کی فلاح و بہبود حکومت کی اولین ترجیح ہے اور اس سلسلے میں کوئی کوتاہی برداشت نہیں کی جائے گی۔ حکومت پاکستان کی جانب سے جاری کردہ اعلامیے کے مطابق متعلقہ اداروں کو ہدایت کی گئی ہے کہ وہ فوری طور پر اقدامات کریں اور شہریوں کو درپیش مسائل کے حل کے لیے ضروری کارروائی عمل میں لائیں۔ ذرائع کے مطابق اجلاس میں مختلف امور پر تفصیلی غور کیا گیا اور فیصلہ کیا گیا کہ آئندہ ہفتے سے نئی پالیسی پر عملدرآمد شروع کر دیا جائے گا۔ وزیر اعظم نے کہا کہ عوام کی فلاح و بہبود حکومت کی اولین ترجیح ہے اور اس سلسلے میں کوئی کوتاہی برداشت نہیں کی جائے گی۔ حکومت پاکستان کی جانب سے جاری کردہ اعلامیے کے مطابق متعلقہ اداروں کو ہدایت کی گئی ہے کہ وہ فوری طور پر اقدامات کریں اور شہریوں کو درپیش مسائل کے حل کے لیے ضروری کارروائی عمل میں لائیں۔ ذرائع کے مطابق اجلاس میں مختلف امور پر تفصیلی غور کیا گیا اور فیصلہ کیا گیا کہ آئندہ ہفتے سے نئی پالیسی پر عملدرآمد شروع کر دیا جائے گا۔ وزیر اعظم نے کہا کہ عوام کی فلاح و بہبود حکومت کی اولین ترجیح ہے اور اس سلسلے میں کوئی کوتاہی برداشت نہیں کی جائے گی۔ حکومت پاکستان کی جانب سے جاری کردہ اعلامیے کے مطابق متعلقہ اداروں کو ہدایت کی گئی ہے کہ وہ فوری طور پر اقدامات کریں اور شہریوں کو درپیش مسائل کے حل کے لیے ضروری کارروائی عمل میں لائیں۔ ذرائع کے مطابق اجلاس میں مختلف امور پر تفصیلی غور کیا گیا اور فیصلہ کیا گیا کہ آئندہ ہفتے سے نئی پالیسی پر عملدرآمد شروع کر دیا جائے گا۔ وزیر اعظم نے کہا کہ عوام کی فلاح و بہبود حکومت کی اولین ترجیح ہے اور اس سلسلے میں کوئی کوتاہی برداشت نہیں کی جائے گی۔
6
خبر کا عنوان
حکومت پاکستان کی جانب سے جاری کردہ اعلامیے کے مطابق متعلقہ اداروں کو ہدایت کی گئی ہے کہ وہ فوری طور پر اقدامات کریں اور شہریوں کو درپیش مسائل کے حل کے لیے ضروری کارروائی عمل میں لائیں۔ ذرائع کے مطابق اجلاس میں مختلف امور پر تفصیلی غور کیا گیا اور فیصلہ کیا گیا کہ آئندہ ہفتے سے نئی پالیسی پر عملدرآمد شروع کر دیا جائے گا۔ وزیر اعظم نے کہا کہ عوام کی فلاح و بہبود حکومت کی اولین ترجیح ہے اور اس سلسلے میں کوئی کوتاہی برداشت نہیں کی جائے گی۔ حکومت پاکستان کی جانب سے جاری کردہ اعلامیے کے مطابق متعلقہ اداروں کو ہدایت کی گئی ہے کہ وہ فوری طور پر اقدامات کریں اور شہریوں کو درپیش مسائل کے حل کے لیے ضروری کارروائی عمل میں لائیں۔ ذرائع کے مطابق اجلاس میں مختلف امور پر تفصیلی غور کیا گیا اور فیصلہ کیا گیا کہ آئندہ ہفتے سے نئی پالیسی پر عملدرآمد شروع کر دیا جائے گا۔ وزیر اعظم نے کہا کہ عوام کی فلاح و بہبود حکومت کی اولین ترجیح ہے اور اس سلسلے میں کوئی کوتاہی برداشت نہیں کی جائے گی۔ حکومت پاکستان کی جانب سے جاری کردہ اعلامیے کے مطابق متعلقہ اداروں کو ہدایت کی گئی ہے کہ وہ فوری طور پر اقدامات کریں اور شہریوں کو درپیش مسائل کے حل کے لیے ضروری کارروائی عمل میں لائیں۔ ذرائع کے مطابق اجلاس میں مختلف امور پر تفصیلی غور کیا گیا اور فیصلہ کیا گیا کہ آئندہ ہفتے سے نئی پالیسی پر عملدرآمد شروع کر دیا جائے گا۔ وزیر اعظم نے کہا کہ عوام کی فلاح و بہبود حکومت کی اولین ترجیح ہے اور اس سلسلے میں کوئی کوتاہی برداشت نہیں کی جائے گی۔ حکومت پاکستان کی جانب سے جاری کردہ اعلامیے کے مطابق متعلقہ اداروں کو ہدایت کی گئی ہے کہ وہ فوری طور پر اقدامات کریں اور شہریوں کو درپیش مسائل کے حل کے لیے ضروری کارروائی عمل میں لائیں۔ ذرائع کے مطابق اجلاس میں مختلف امور پر تفصیلی غور کیا گیا اور فیصلہ کیا گیا کہ آئندہ ہفتے سے نئی پالیسی پر عملدرآمد شروع کر دیا جائے گا۔ وزیر اعظم نے کہا کہ عوام کی فلاح و بہبود حکومت کی اولین ترجیح ہے اور اس سلسلے میں کوئی کوتاہی برداشت نہیں کی جائے گی۔ حکومت پاکستان کی جانب سے جاری کردہ اعلامیے کے مطابق متعلقہ اداروں کو ہدایت کی گئی ہے کہ وہ فوری طور پر اقدامات کریں اور شہریوں کو درپیش مسائل کے حل کے لیے ضروری کارروائی عمل میں لائیں۔ ذرائع کے مطابق اجلاس میں مختلف امور پر تفصیلی غور کیا گیا اور فیصلہ کیا گیا کہ آئندہ ہفتے سے نئی پالیسی پر عملدرآمد شروع کر دیا جائے گا۔ وزیر اعظم نے کہا کہ عوام کی فلاح و بہبود حکومت کی اولین ترجیح ہے اور اس سلسلے میں کوئی کوتاہی برداشت نہیں کی جائے گی۔ حکومت پاکستان کی جانب سے جاری کردہ اعلامیے کے مطابق متعلقہ اداروں کو ہدایت کی گئی ہے کہ وہ فوری طور پر اقدامات کریں اور شہریوں کو درپیش مسائل کے حل کے لیے ضروری کارروائی عمل میں لائیں۔ ذرائع کے مطابق اجلاس میں مختلف امور پر تفصیلی غور کیا گیا
11
خبر کا عنوان
حکومت پاکستان کی جانب سے جاری کردہ اعلامیے کے مطابق متعلقہ اداروں کو ہدایت کی گئی ہے کہ وہ فوری طور پر اقدامات کریں اور شہریوں کو درپیش مسائل کے حل کے لیے ضروری کارروائی عمل میں لائیں۔ ذرائع کے مطابق اجلاس میں مختلف امور پر تفصیلی غور کیا گیا اور فیصلہ کیا گیا کہ آئندہ ہفتے سے نئی پالیسی پر عملدرآمد شروع کر دیا جائے گا۔ وزیر اعظم نے کہا کہ عوام کی فلاح و بہبود حکومت کی اولین ترجیح ہے اور اس سلسلے میں کوئی کوتاہی برداشت نہیں کی جائے گی۔ حکومت پاکستان کی جانب سے جاری کردہ اعلامیے کے مطابق متعلقہ اداروں کو ہدایت کی گئی ہے کہ وہ فوری طور پر اقدامات کریں اور شہریوں کو درپیش مسائل کے حل کے لیے ضروری کارروائی عمل میں لائیں۔ ذرائع کے مطابق اجلاس میں مختلف امور پر تفصیلی غور کیا گیا اور فیصلہ کیا گیا کہ آئندہ ہفتے سے نئی پالیسی پر عملدرآمد شروع کر دیا جائے گا۔ وزیر اعظم نے کہا کہ عوام کی فلاح و بہبود حکومت کی اولین ترجیح ہے اور اس سلسلے میں کوئی کوتاہی برداشت نہیں کی جائے گی۔ حکومت پاکستان کی جانب سے جاری کردہ اعلامیے کے مطابق متعلقہ اداروں کو ہدایت کی گئی ہے کہ وہ فوری طور پر اقدامات کریں اور شہریوں کو درپیش مسائل کے حل کے لیے ضروری کارروائی عمل میں لائیں۔ ذرائع کے مطابق اجلاس میں مختلف امور پر تفصیلی غور کیا گیا اور فیصلہ کیا گیا کہ آئندہ ہفتے سے نئی پالیسی پر عملدرآمد شروع کر دیا جائے گا۔ وزیر اعظم نے کہا کہ عوام کی فلاح و بہبود حکومت کی اولین ترجیح ہے اور اس سلسلے میں کوئی کوتاہی برداشت نہیں کی جائے گی۔ حکومت پاکستان کی جانب سے جاری کردہ اعلامیے کے مطابق متعلقہ اداروں کو ہدایت کی گئی ہے کہ وہ فوری طور پر اقدامات کریں اور شہریوں کو درپیش مسائل کے حل کے لیے ضروری کارروائی عمل میں لائیں۔ ذرائع کے مطابق اجلاس میں مختلف امور پر تفصیلی غور کیا گیا اور فیصلہ کیا گیا کہ آئندہ ہفتے سے نئی پالیسی پر عملدرآمد شروع کر دیا جائے گا۔ وزیر اعظم نے کہا کہ عوام کی فلاح و بہبود حکومت کی اولین ترجیح ہے اور اس سلسلے میں کوئی کوتاہی برداشت نہیں کی جائے گی۔ حکومت پاکستان کی جانب سے جاری کردہ اعلامیے کے مطابق متعلقہ اداروں کو ہدایت کی گئی ہے کہ وہ فوری طور پر اقدامات کریں اور شہریوں کو درپیش مسائل کے حل کے لیے ضروری کارروائی عمل میں لائیں۔ ذرائع کے مطابق اجلاس میں مختلف امور پر تفصیلی غور کیا گیا اور فیصلہ کیا گیا کہ آئندہ ہفتے سے نئی پالیسی پر عملدرآمد شروع کر دیا جائے گا۔ وزیر اعظم نے کہا کہ عوام کی فلاح و بہبود حکومت کی اولین ترجیح ہے اور اس سلسلے میں کوئی کوتاہی برداشت نہیں کی جائے گی۔ حکومت پاکستان کی جانب سے جاری کردہ اعلامیے کے مطابق متعلقہ اداروں کو ہدایت کی گئی ہے کہ وہ فوری طور پر اقدامات کریں اور شہریوں کو درپیش مسائل کے حل کے لیے ضروری کارروائی عمل میں لائیں۔ ذرائع کے مطابق اجلاس میں مختلف امور پر تفصیلی غور کیا گیا اور فیصلہ کیا گیا کہ آئندہ ہفتے سے نئی پالیسی پر عملدرآمد شروع کر دیا جائے گا۔ وزیر اعظم نے کہا کہ عوام کی فلاح و بہبود حکومت کی اولین ترجیح ہے اور اس سلسلے میں کوئی کوتاہی برداشت نہیں کی جائے گی۔ حکومت پاکستان کی جانب سے جاری کردہ اعلامیے کے مطابق متعلقہ اداروں کو ہدایت کی گئی ہے کہ وہ فوری طور پر اقدامات کریں اور شہریوں کو درپیش مسائل کے حل کے لیے ضروری کارروائی عمل میں لائیں۔ ذرائع کے مطابق اجلاس میں مختلف امور پر تفصیلی غور کیا گیا اور فیصلہ کیا گیا کہ آئندہ ہفتے سے نئی پالیسی پر عملدرآمد شروع کر دیا جائے گا۔ وزیر اعظم نے کہا کہ عوام کی فلاح و بہبود حکومت کی اولین ترجیح ہے اور اس سلسلے میں کوئی کوتاہی برداشت نہیں کی جائے گی۔ حکومت پاکستان کی جانب سے جاری کردہ اعلامیے کے مطابق متعلقہ اداروں کو ہدایت کی گئی ہے کہ وہ فوری طور پر اقدامات کریں اور شہریوں کو درپیش مسائل کے حل کے لیے ضروری کارروائی عمل میں لائیں۔ ذرائع کے مطابق اجلاس میں مختلف امور پر تفصیلی غور کیا گیا اور فیصلہ کیا گیا کہ آئندہ ہفتے سے نئی پالیسی پر عملدرآمد شروع کر دیا جائے گا۔ وزیر اعظم نے کہا کہ عوام کی فلاح و بہبود حکومت کی اولین ترجیح ہے اور اس سلسلے میں کوئی کوتاہی برداشت نہیں کی جائے گی۔ حکومت پاکستان کی جانب سے جاری کردہ اعلامیے کے مطابق متعلقہ اداروں کو ہدایت کی گئی ہے کہ وہ فوری طور پر اقدامات کریں اور شہریوں کو درپیش مسائل کے حل کے لیے ضروری کارروائی عمل میں لائیں۔ ذرائع کے مطابق اجلاس میں مختلف امور پر تفصیلی غور کیا گیا اور فیصلہ کیا گیا کہ آئندہ ہفتے سے نئی پالیسی پر عملدرآمد شروع کر دیا جائے گا۔ وزیر اعظم نے کہا کہ عوام کی فلاح و بہبود حکومت کی اولین ترجیح ہے اور اس سلسلے میں کوئی کوتاہی برداشت نہیں کی جائے گی۔ حکومت پاکستان کی جانب سے جاری کردہ اعلامیے کے مطابق متعلقہ اداروں کو ہدایت کی گئی ہے کہ وہ فوری طور پر اقدامات کریں اور شہریوں کو درپیش مسائل کے حل کے لیے ضروری کارروائی عمل میں لائیں۔ ذرائع کے مطابق اجلاس میں مختلف امور پر تفصیلی غور کیا گیا اور فیصلہ کیا گیا کہ آئندہ ہفتے سے نئی پالیسی پر عملدرآمد شروع کر دیا جائے گا۔ وزیر اعظم نے کہا کہ عوام کی فلاح و بہبود حکومت کی اولین ترجیح ہے اور اس سلسلے میں کوئی کوتاہی برداشت نہیں کی جائے گی۔ حکومت پاکستان کی جانب سے جاری کردہ اعلامیے کے مطابق متعلقہ اداروں کو ہدایت کی گئی ہے کہ وہ فوری طور پر اقدامات کریں اور شہریوں کو درپیش مسائل کے حل کے لیے ضروری کارروائی عمل میں لائیں۔ ذرائع کے مطابق اجلاس میں مختلف امور پر تفصیلی غور کیا گیا اور فیصلہ کیا گیا کہ آئندہ ہفتے سے نئی پالیسی پر عملدرآمد شروع کر دیا جائے گا۔ وزیر اعظم نے کہا کہ عوام کی فلاح و بہبود حکومت کی اولین ترجیح ہے اور اس سلسلے میں کوئی کوتاہی برداشت نہیں کی جائے گی۔ حکومت پاکستان کی جانب سے جاری کردہ اعلامیے کے مطابق متعلقہ اداروں کو ہدایت کی گئی ہے کہ وہ فوری طور پر اقدامات کریں اور شہریوں کو درپیش مسائل کے حل کے لیے ضروری کارروائی عمل میں لائیں۔ ذرائع کے مطابق اجلاس میں مختلف امور پر تفصیلی غور کیا گیا اور فیصلہ کیا گیا کہ آئندہ ہفتے سے نئی پالیسی پر عملدرآمد شروع کر دیا جائے گا۔ وزیر اعظم نے کہا کہ عوام کی فلاح و بہبود حکومت کی اولین ترجیح ہے اور اس سلسلے میں کوئی کوتاہی برداشت نہیں کی جائے گی۔
12
خبر کا عنوان
حکومت پاکستان کی جانب سے جاری کردہ اعلامیے کے مطابق متعلقہ اداروں کو ہدایت کی گئی ہے کہ وہ فوری طور پر اقدامات کریں اور شہریوں کو درپیش مسائل کے حل کے لیے ضروری کارروائی عمل میں لائیں۔ ذرائع کے مطابق اجلاس میں مختلف امور پر تفصیلی غور کیا گیا اور فیصلہ کیا گیا کہ آئندہ ہفتے سے نئی پالیسی پر عملدرآمد شروع کر دیا جائے گا۔ وزیر اعظم نے کہا کہ عوام کی فلاح و بہبود حکومت کی اولین ترجیح ہے اور اس سلسلے میں کوئی کوتاہی برداشت نہیں کی جائے گی۔ حکومت پاکستان کی جانب سے جاری کردہ اعلامیے کے مطابق متعلقہ اداروں کو ہدایت کی گئی ہے کہ وہ فوری طور پر اقدامات کریں اور شہریوں کو درپیش مسائل کے حل کے لیے ضروری کارروائی عمل میں لائیں۔ ذرائع کے مطابق اجلاس میں مختلف امور پر تفصیلی غور کیا گیا اور فیصلہ کیا گیا کہ آئندہ ہفتے سے نئی پالیسی پر عملدرآمد شروع کر دیا جائے گا۔ وزیر اعظم نے کہا کہ عوام کی فلاح و بہبود حکومت کی اولین ترجیح ہے اور اس سلسلے میں کوئی کوتاہی برداشت نہیں کی جائے گی۔ حکومت پاکستان کی جانب سے جاری کردہ اعلامیے کے مطابق متعلقہ اداروں کو ہدایت کی گئی ہے کہ وہ فوری طور پر اقدامات کریں اور شہریوں کو درپیش مسائل کے حل کے لیے ضروری کارروائی عمل میں لائیں۔ ذرائع کے مطابق اجلاس میں مختلف امور پر تفصیلی غور کیا گیا اور فیصلہ کیا گیا کہ آئندہ ہفتے سے نئی پالیسی پر عملدرآمد شروع کر دیا جائے گا۔ وزیر اعظم نے کہا کہ عوام کی فلاح و بہبود حکومت کی اولین ترجیح ہے اور اس سلسلے میں کوئی کوتاہی برداشت نہیں کی جائے گی۔ حکومت پاکستان کی جانب سے جاری کردہ اعلامیے کے مطابق متعلقہ اداروں کو ہدایت کی گئی ہے کہ وہ فوری طور پر اقدامات کریں اور شہریوں کو درپیش مسائل کے حل کے لیے ضروری کارروائی عمل میں لائیں۔ ذرائع کے مطابق اجلاس میں مختلف امور پر تفصیلی غور کیا گیا اور فیصلہ کیا گیا کہ آئندہ ہفتے سے نئی پالیسی پر عملدرآمد شروع کر دیا جائے گا۔ وزیر اعظم نے کہا کہ عوام کی فلاح و بہبود حکومت کی اولین ترجیح ہے اور اس سلسلے میں کوئی کوتاہی برداشت نہیں کی جائے گی۔ حکومت پاکستان کی جانب سے جاری کردہ اعلامیے کے مطابق متعلقہ اداروں کو ہدایت کی گئی ہے کہ وہ فوری طور پر اقدامات کریں اور شہریوں کو درپیش مسائل کے حل کے لیے ضروری کارروائی عمل میں لائیں۔ ذرائع کے مطابق اجلاس میں مختلف امور پر تفصیلی غور کیا گیا اور فیصلہ کیا گیا کہ آئندہ ہفتے سے نئی پالیسی پر عملدرآمد شروع کر دیا جائے گا۔ وزیر اعظم نے کہا کہ عوام کی فلاح و بہبود حکومت کی اولین ترجیح ہے اور اس سلسلے میں کوئی کوتاہی برداشت نہیں کی جائے گی۔ حکومت پاکستان کی جانب سے جاری کردہ اعلامیے کے مطابق متعلقہ اداروں کو ہدایت کی گئی ہے کہ وہ فوری طور پر اقدامات کریں اور شہریوں کو درپیش مسائل کے حل کے لیے ضروری کارروائی عمل میں لائیں۔ ذرائع کے مطابق اجلاس میں مختلف امور پر تفصیلی غور کیا گیا اور فیصلہ کیا گیا کہ آئندہ ہفتے سے نئی پالیسی پر عملدرآمد شروع کر دیا جائے گا۔ وزیر اعظم نے کہا کہ عوام کی فلاح و بہبود حکومت کی اولین ترجیح ہے اور اس سلسلے میں کوئی کوتاہی برداشت نہیں کی جائے گی۔ حکومت پاکستان کی جانب سے جاری کردہ اعلامیے کے مطابق متعلقہ اداروں کو ہدایت کی گئی ہے کہ وہ فوری طور پر اقدامات کریں اور شہریوں کو درپیش مسائل کے حل کے لیے ضروری کارروائی عمل میں لائیں۔ ذرائع کے مطابق اجلاس میں مختلف امور پر تفصیلی غور کیا گیا اور فیصلہ کیا گیا کہ آئندہ ہفتے سے نئی پالیسی پر عملدرآمد شروع کر دیا جائے گا۔ وزیر اعظم نے کہا کہ عوام کی فلاح و بہبود حکومت کی اولین ترجیح ہے اور اس سلسلے میں کوئی کوتاہی برداشت نہیں کی جائے گی۔ حکومت پاکستان کی جانب سے جاری کردہ اعلامیے کے مطابق متعلقہ اداروں کو ہدایت کی گئی ہے کہ وہ فوری طور پر اقدامات کریں اور شہریوں کو درپیش مسائل کے حل کے لیے ضروری کارروائی عمل میں لائیں۔ ذرائع کے مطابق اجلاس میں مختلف امور پر تفصیلی غور کیا گیا اور فیصلہ کیا گیا کہ آئندہ ہفتے سے نئی پالیسی پر عملدرآمد شروع کر دیا جائے گا۔ وزیر اعظم نے کہا کہ عوام کی فلاح و بہبود حکومت کی اولین ترجیح ہے اور اس سلسلے میں کوئی کوتاہی برداشت نہیں کی جائے گی۔ حکومت پاکستان کی جانب سے جاری کردہ اعلامیے کے مطابق متعلقہ اداروں کو ہدایت کی گئی ہے کہ وہ فوری طور پر اقدامات کریں اور شہریوں کو درپیش مسائل کے حل کے لیے ضروری کارروائی عمل میں لائیں۔ ذرائع کے مطابق اجلاس میں مختلف امور پر تفصیلی غور کیا گیا اور فیصلہ کیا گیا کہ آئندہ ہفتے سے نئی پالیسی پر عملدرآمد شروع کر دیا جائے گا۔ وزیر اعظم نے کہا کہ عوام کی فلاح و بہبود حکومت کی اولین ترجیح ہے اور اس سلسلے میں کوئی کوتاہی برداشت نہیں کی جائے گی۔ حکومت پاکستان کی جانب سے جاری کردہ اعلامیے کے مطابق متعلقہ اداروں کو ہدایت کی گئی ہے کہ وہ فوری طور پر اقدامات کریں اور شہریوں کو درپیش مسائل کے حل کے لیے ضروری کارروائی عمل میں لائیں۔ ذرائع کے مطابق اجلاس میں مختلف امور پر تفصیلی غور کیا گیا اور فیصلہ کیا گیا کہ آئندہ ہفتے سے نئی پالیسی پر عملدرآمد شروع کر دیا جائے گا۔ وزیر اعظم نے کہا کہ عوام کی فلاح و بہبود حکومت کی اولین ترجیح ہے اور اس سلسلے میں کوئی کوتاہی برداشت نہیں کی جائے گی۔ حکومت پاکستان کی جانب سے جاری کردہ اعلامیے کے مطابق متعلقہ اداروں کو ہدایت کی گئی ہے کہ وہ فوری طور پر اقدامات کریں اور شہریوں کو درپیش مسائل کے حل کے لیے ضروری کارروائی عمل میں لائیں۔ ذرائع کے مطابق اجلاس میں مختلف امور پر تفصیلی غور کیا گیا اور فیصلہ کیا گیا کہ آئندہ ہفتے سے نئی پالیسی پر عملدرآمد شروع کر دیا جائے گا۔ وزیر اعظم نے کہا کہ عوام کی فلاح و بہبود حکومت کی اولین ترجیح ہے اور اس سلسلے میں کوئی کوتاہی برداشت نہیں کی جائے گی۔ حکومت پاکستان کی جانب سے جاری کردہ اعلامیے کے مطابق متعلقہ اداروں کو ہدایت کی گئی ہے کہ وہ فوری طور پر اقدامات کریں اور شہریوں کو درپیش مسائل کے حل کے لیے ضروری کارروائی عمل میں لائیں۔ ذرائع کے مطابق اجلاس میں مختلف امور پر تفصیلی غور کیا گیا اور فیصلہ کیا گیا کہ آئندہ ہفتے سے نئی پالیسی پر عملدرآمد شروع کر دیا جائے گا۔ وزیر اعظم نے کہا کہ عوام کی فلاح و بہبود حکومت کی اولین ترجیح ہے اور اس سلسلے میں کوئی کوتاہی برداشت نہیں کی جائے گی۔
13
خبر کا عنوان
حکومت پاکستان کی جانب سے جاری کردہ اعلامیے کے مطابق متعلقہ اداروں کو ہدایت کی گئی ہے کہ وہ فوری طور پر اقدامات کریں اور شہریوں کو درپیش مسائل کے حل کے لیے ضروری کارروائی عمل میں لائیں۔ ذرائع کے مطابق اجلاس میں مختلف امور پر تفصیلی غور کیا گیا اور فیصلہ کیا گیا کہ آئندہ ہفتے سے نئی پالیسی پر عملدرآمد شروع کر دیا جائے گا۔ وزیر اعظم نے کہا کہ عوام کی فلاح و بہبود حکومت کی اولین ترجیح ہے اور اس سلسلے میں کوئی کوتاہی برداشت نہیں کی جائے گی۔ حکومت پاکستان کی جانب سے جاری کردہ اعلامیے کے مطابق متعلقہ اداروں کو ہدایت کی گئی ہے کہ وہ فوری طور پر اقدامات کریں اور شہریوں کو درپیش مسائل کے حل کے لیے ضروری کارروائی عمل میں لائیں۔ ذرائع کے مطابق اجلاس میں مختلف امور پر تفصیلی غور کیا گیا اور فیصلہ کیا گیا کہ آئندہ ہفتے سے نئی پالیسی پر عملدرآمد شروع کر دیا جائے گا۔ وزیر اعظم نے کہا کہ عوام کی فلاح و بہبود حکومت کی اولین ترجیح ہے اور اس سلسلے میں کوئی کوتاہی برداشت نہیں کی جائے گی۔ حکومت پاکستان کی جانب سے جاری کردہ اعلامیے کے مطابق متعلقہ اداروں کو ہدایت کی گئی ہے کہ وہ فوری طور پر اقدامات کریں اور شہریوں کو درپیش مسائل کے حل کے لیے ضروری کارروائی عمل میں لائیں۔ ذرائع کے مطابق اجلاس میں مختلف امور پر تفصیلی غور کیا گیا اور فیصلہ کیا گیا کہ آئندہ ہفتے سے نئی پالیسی پر عملدرآمد شروع کر دیا جائے گا۔ وزیر اعظم نے کہا کہ عوام کی فلاح و بہبود حکومت کی اولین ترجیح ہے اور اس سلسلے میں کوئی کوتاہی برداشت نہیں کی جائے گی۔ حکومت پاکستان کی جانب سے جاری کردہ اعلامیے کے مطابق متعلقہ اداروں کو ہدایت کی گئی ہے کہ وہ فوری طور پر اقدامات کریں اور شہریوں کو درپیش مسائل کے حل کے لیے ضروری کارروائی عمل میں لائیں۔ ذرائع کے مطابق اجلاس میں مختلف امور پر تفصیلی غور کیا گیا اور فیصلہ کیا گیا کہ آئندہ ہفتے سے نئی پالیسی پر عملدرآمد شروع کر دیا جائے گا۔ وزیر اعظم نے کہا کہ عوام کی فلاح و بہبود حکومت کی اولین ترجیح ہے اور اس سلسلے میں کوئی کوتاہی برداشت نہیں کی جائے گی۔ حکومت پاکستان کی جانب سے جاری کردہ اعلامیے کے مطابق متعلقہ اداروں کو ہدایت کی گئی ہے کہ وہ فوری طور پر اقدامات کریں اور شہریوں کو درپیش مسائل کے حل کے لیے ضروری کارروائی عمل میں لائیں۔ ذرائع کے مطابق اجلاس میں مختلف امور پر تفصیلی غور کیا گیا اور فیصلہ کیا گیا کہ آئندہ ہفتے سے نئی پالیسی پر عملدرآمد شروع کر دیا جائے گا۔ وزیر اعظم نے کہا کہ عوام کی فلاح و بہبود حکومت کی اولین ترجیح ہے اور اس سلسلے میں کوئی کوتاہی برداشت نہیں کی جائے گی۔ حکومت پاکستان کی جانب سے جاری کردہ اعلامیے کے مطابق متعلقہ اداروں کو ہدایت کی گئی ہے کہ وہ فوری طور پر اقدامات کریں اور شہریوں کو درپیش مسائل کے حل کے لیے ضروری کارروائی عمل میں لائیں۔ ذرائع کے مطابق اجلاس میں مختلف امور پر تفصیلی غور کیا گیا اور فیصلہ کیا گیا کہ آئندہ ہفتے سے نئی پالیسی پر عملدرآمد شروع کر دیا جائے گا۔ وزیر اعظم نے کہا کہ عوام کی فلاح و بہبود حکومت کی اولین ترجیح ہے اور اس سلسلے میں کوئی کوتاہی برداشت نہیں کی جائے گی۔ حکومت پاکستان کی جانب سے جاری کردہ اعلامیے کے مطابق متعلقہ اداروں کو ہدایت کی گئی ہے کہ وہ فوری طور پر اقدامات کریں اور شہریوں کو درپیش مسائل کے حل کے لیے ضروری کارروائی عمل میں لائیں۔ ذرائع کے مطابق اجلاس میں مختلف امور پر تفصیلی غور کیا گیا اور فیصلہ کیا گیا کہ آئندہ ہفتے سے نئی پالیسی پر عملدرآمد شروع کر دیا جائے گا۔ وزیر اعظم نے کہا کہ عوام کی فلاح و بہبود حکومت کی اولین ترجیح ہے اور اس سلسلے میں کوئی کوتاہی برداشت نہیں کی جائے گی۔ حکومت پاکستان کی جانب سے جاری کردہ اعلامیے کے مطابق متعلقہ اداروں کو ہدایت کی گئی ہے کہ وہ فوری طور پر اقدامات کریں اور شہریوں کو درپیش مسائل کے حل کے لیے ضروری کارروائی عمل میں لائیں۔ ذرائع کے مطابق اجلاس میں مختلف امور پر تفصیلی غور کیا گیا اور فیصلہ کیا گیا کہ آئندہ ہفتے سے نئی پالیسی پر عملدرآمد شروع کر دیا جائے گا۔ وزیر اعظم نے کہا کہ عوام کی فلاح و بہبود حکومت کی اولین ترجیح ہے اور اس سلسلے میں کوئی کوتاہی برداشت نہیں کی جائے گی۔ حکومت پاکستان کی جانب سے جاری کردہ اعلامیے کے مطابق متعلقہ اداروں کو ہدایت کی گئی ہے کہ وہ فوری طور پر اقدامات کریں اور شہریوں کو درپیش مسائل کے حل کے لیے ضروری کارروائی عمل میں لائیں۔ ذرائع کے مطابق اجلاس میں مختلف امور پر تفصیلی غور کیا گیا اور فیصلہ کیا گیا کہ آئندہ ہفتے سے نئی پالیسی پر عملدرآمد شروع کر دیا جائے گا۔ وزیر اعظم نے کہا کہ عوام کی فلاح و بہبود حکومت کی اولین ترجیح ہے اور اس سلسلے میں کوئی کوتاہی برداشت نہیں کی جائے گی۔ حکومت پاکستان کی جانب سے جاری کردہ اعلامیے کے مطابق متعلقہ اداروں کو ہدایت کی گئی ہے کہ وہ فوری طور پر اقدامات کریں اور شہریوں کو درپیش مسائل کے حل کے لیے ضروری کارروائی عمل میں لائیں۔ ذرائع کے مطابق اجلاس میں مختلف امور پر تفصیلی غور کیا گیا اور فیصلہ کیا گیا کہ آئندہ ہفتے سے نئی پالیسی پر عملدرآمد شروع کر دیا جائے گا۔ وزیر اعظم نے کہا کہ عوام کی فلاح و بہبود حکومت کی اولین ترجیح ہے اور اس سلسلے میں کوئی کوتاہی برداشت نہیں کی جائے گی۔ حکومت پاکستان کی جانب سے جاری کردہ اعلامیے کے مطابق متعلقہ اداروں کو ہدایت کی گئی ہے کہ وہ فوری طور پر اقدامات کریں اور شہریوں کو درپیش مسائل کے حل کے لیے ضروری کارروائی عمل میں لائیں۔ ذرائع کے مطابق اجلاس میں مختلف امور پر تفصیلی غور کیا گیا اور فیصلہ کیا گیا کہ آئندہ ہفتے سے نئی پالیسی پر عملدرآمد شروع کر دیا جائے گا۔ وزیر اعظم نے کہا کہ عوام کی فلاح و بہبود حکومت کی اولین ترجیح ہے اور اس سلسلے میں کوئی کوتاہی برداشت نہیں کی جائے گی۔ حکومت پاکستان کی جانب سے جاری کردہ اعلامیے کے مطابق متعلقہ اداروں کو ہدایت کی گئی ہے کہ وہ فوری طور پر اقدامات کریں اور شہریوں کو درپیش مسائل کے حل کے لیے ضروری کارروائی عمل میں لائیں۔ ذرائع کے مطابق اجلاس میں مختلف امور پر تفصیلی غور کیا گیا اور فیصلہ کیا گیا کہ آئندہ ہفتے سے نئی پالیسی پر عملدرآمد شروع کر دیا جائے گا۔ وزیر اعظم نے کہا کہ عوام کی فلاح و بہبود حکومت کی اولین ترجیح ہے اور اس سلسلے میں کوئی کوتاہی برداشت نہیں کی جائے گی۔
14
خبر کا عنوان
حکومت پاکستان کی جانب سے جاری کردہ اعلامیے کے مطابق متعلقہ اداروں کو ہدایت کی گئی ہے کہ وہ فوری طور پر اقدامات کریں اور شہریوں کو درپیش مسائل کے حل کے لیے ضروری کارروائی عمل میں لائیں۔ ذرائع کے مطابق اجلاس میں مختلف امور پر تفصیلی غور کیا گیا اور فیصلہ کیا گیا کہ آئندہ ہفتے سے نئی پالیسی پر عملدرآمد شروع کر دیا جائے گا۔ وزیر اعظم نے کہا کہ عوام کی فلاح و بہبود حکومت کی اولین ترجیح ہے اور اس سلسلے میں کوئی کوتاہی برداشت نہیں کی جائے گی۔ حکومت پاکستان کی جانب سے جاری کردہ اعلامیے کے مطابق متعلقہ اداروں کو ہدایت کی گئی ہے کہ وہ فوری طور پر اقدامات کریں اور شہریوں کو درپیش مسائل کے حل کے لیے ضروری کارروائی عمل میں لائیں۔ ذرائع کے مطابق اجلاس میں مختلف امور پر تفصیلی غور کیا گیا اور فیصلہ کیا گیا کہ آئندہ ہفتے سے نئی پالیسی پر عملدرآمد شروع کر دیا جائے گا۔ وزیر اعظم نے کہا کہ عوام کی فلاح و بہبود حکومت کی اولین ترجیح ہے اور اس سلسلے میں کوئی کوتاہی برداشت نہیں کی جائے گی۔ حکومت پاکستان کی جانب سے جاری کردہ اعلامیے کے مطابق متعلقہ اداروں کو ہدایت کی گئی ہے کہ وہ فوری طور پر اقدامات کریں اور شہریوں کو درپیش مسائل کے حل کے لیے ضروری کارروائی عمل میں لائیں۔ ذرائع کے مطابق اجلاس میں مختلف امور پر تفصیلی غور کیا گیا اور فیصلہ کیا گیا کہ آئندہ ہفتے سے نئی پالیسی پر عملدرآمد شروع کر دیا جائے گا۔ وزیر اعظم نے کہا کہ عوام کی فلاح و بہبود حکومت کی اولین ترجیح ہے اور اس سلسلے میں کوئی کوتاہی برداشت نہیں کی جائے گی۔ حکومت پاکستان کی جانب سے جاری کردہ اعلامیے کے مطابق متعلقہ اداروں کو ہدایت کی گئی ہے کہ وہ فوری طور پر اقدامات کریں اور شہریوں کو درپیش مسائل کے حل کے لیے ضروری کارروائی عمل میں لائیں۔ ذرائع کے مطابق اجلاس میں مختلف امور پر تفصیلی غور کیا گیا اور فیصلہ کیا گیا کہ آئندہ ہفتے سے نئی پالیسی پر عملدرآمد شروع کر دیا جائے گا۔ وزیر اعظم نے کہا کہ عوام کی فلاح و بہبود حکومت کی اولین ترجیح ہے اور اس سلسلے میں کوئی کوتاہی برداشت نہیں کی جائے گی۔ حکومت پاکستان کی جانب سے جاری کردہ اعلامیے کے مطابق متعلقہ اداروں کو ہدایت کی گئی ہے کہ وہ فوری طور پر اقدامات کریں اور شہریوں کو درپیش مسائل کے حل کے لیے ضروری کارروائی عمل میں لائیں۔ ذرائع کے مطابق اجلاس میں مختلف امور پر تفصیلی غور کیا گیا اور فیصلہ کیا گیا کہ آئندہ ہفتے سے نئی پالیسی پر عملدرآمد شروع کر دیا جائے گا۔ وزیر اعظم نے کہا کہ عوام کی فلاح و بہبود حکومت کی اولین ترجیح ہے اور اس سلسلے میں کوئی کوتاہی برداشت نہیں کی جائے گی۔ حکومت پاکستان کی جانب سے جاری کردہ اعلامیے کے مطابق متعلقہ اداروں کو ہدایت کی گئی ہے کہ وہ فوری طور پر اقدامات کریں اور شہریوں کو درپیش مسائل کے حل کے لیے ضروری کارروائی عمل میں لائیں۔ ذرائع کے مطابق اجلاس میں مختلف امور پر تفصیلی غور کیا گیا اور فیصلہ کیا گیا کہ آئندہ ہفتے سے نئی پالیسی پر عملدرآمد شروع کر دیا جائے گا۔ وزیر اعظم نے کہا کہ عوام کی فلاح و بہبود حکومت کی اولین ترجیح ہے اور اس سلسلے میں کوئی کوتاہی برداشت نہیں کی جائے گی۔ حکومت پاکستان کی جانب سے جاری کردہ اعلامیے کے مطابق متعلقہ اداروں کو ہدایت کی گئی ہے کہ وہ فوری طور پر اقدامات کریں اور شہریوں کو درپیش مسائل کے حل کے لیے ضروری کارروائی عمل میں لائیں۔ ذرائع کے مطابق اجلاس میں مختلف امور پر تفصیلی غور کیا گیا اور فیصلہ کیا گیا کہ آئندہ ہفتے سے نئی پالیسی پر عملدرآمد شروع کر دیا جائے گا۔ وزیر اعظم نے کہا کہ عوام کی فلاح و بہبود حکومت کی اولین ترجیح ہے اور اس سلسلے میں کوئی کوتاہی برداشت نہیں کی جائے گی۔ حکومت پاکستان کی جانب سے جاری کردہ اعلامیے کے مطابق متعلقہ اداروں کو ہدایت کی گئی ہے کہ وہ فوری طور پر اقدامات کریں اور شہریوں کو درپیش مسائل کے حل کے لیے ضروری کارروائی عمل میں لائیں۔ ذرائع کے مطابق اجلاس میں مختلف امور پر تفصیلی غور کیا گیا اور فیصلہ کیا گیا کہ آئندہ ہفتے سے نئی پالیسی پر عملدرآمد شروع کر دیا جائے گا۔ وزیر اعظم نے کہا کہ عوام کی فلاح و بہبود حکومت کی اولین ترجیح ہے اور اس سلسلے میں کوئی کوتاہی برداشت نہیں کی جائے گی۔ حکومت پاکستان کی جانب سے جاری کردہ اعلامیے کے مطابق متعلقہ اداروں کو ہدایت کی گئی ہے کہ وہ فوری طور پر اقدامات کریں اور شہریوں کو درپیش مسائل کے حل کے لیے ضروری کارروائی عمل میں لائیں۔ ذرائع کے مطابق اجلاس میں مختلف امور پر تفصیلی غور کیا گیا اور فیصلہ کیا گیا کہ آئندہ ہفتے سے نئی پالیسی پر عملدرآمد شروع کر دیا جائے گا۔ وزیر اعظم نے کہا کہ عوام کی فلاح و بہبود حکومت کی اولین ترجیح ہے اور اس سلسلے میں کوئی کوتاہی برداشت نہیں کی جائے گی۔ حکومت پاکستان کی جانب سے جاری کردہ اعلامیے کے مطابق متعلقہ اداروں کو ہدایت کی گئی ہے کہ وہ فوری طور پر اقدامات کریں اور شہریوں کو درپیش مسائل کے حل کے لیے ضروری کارروائی عمل میں لائیں۔ ذرائع کے مطابق اجلاس میں مختلف امور پر تفصیلی غور کیا گیا اور فیصلہ کیا گیا کہ آئندہ ہفتے سے نئی پالیسی پر عملدرآمد شروع کر دیا جائے گا۔ وزیر اعظم نے کہا کہ عوام کی فلاح و بہبود حکومت کی اولین ترجیح ہے اور اس سلسلے میں کوئی کوتاہی برداشت نہیں کی جائے گی۔ حکومت پاکستان کی جانب سے جاری کردہ اعلامیے کے مطابق متعلقہ اداروں کو ہدایت کی گئی ہے کہ وہ فوری طور پر اقدامات کریں اور شہریوں کو درپیش مسائل کے حل کے لیے ضروری کارروائی عمل میں لائیں۔ ذرائع کے مطابق اجلاس میں مختلف امور پر تفصیلی غور کیا گیا اور فیصلہ کیا گیا کہ آئندہ ہفتے سے نئی پالیسی پر عملدرآمد شروع کر دیا جائے گا۔ وزیر اعظم نے کہا کہ عوام کی فلاح و بہبود حکومت کی اولین ترجیح ہے اور اس سلسلے میں کوئی کوتاہی برداشت نہیں کی جائے گی۔ حکومت پاکستان کی جانب سے جاری کردہ اعلامیے کے مطابق متعلقہ
17
خبر کا عنوان
حکومت پاکستان کی جانب سے جاری کردہ اعلامیے کے مطابق متعلقہ اداروں کو ہدایت کی گئی ہے کہ وہ فوری طور پر اقدامات کریں اور شہریوں کو درپیش مسائل کے حل کے لیے ضروری کارروائی عمل میں لائیں۔ ذرائع کے مطابق اجلاس میں مختلف امور پر تفصیلی غور کیا گیا اور فیصلہ کیا گیا کہ آئندہ ہفتے سے نئی پالیسی پر عملدرآمد شروع کر دیا جائے گا۔ وزیر اعظم نے کہا کہ عوام کی فلاح و بہبود حکومت کی اولین ترجیح ہے اور اس سلسلے میں کوئی کوتاہی برداشت نہیں کی جائے گی۔ حکومت پاکستان کی جانب سے جاری کردہ اعلامیے کے مطابق متعلقہ اداروں کو ہدایت کی گئی ہے کہ وہ فوری طور پر اقدامات کریں اور شہریوں کو درپیش مسائل کے حل کے لیے ضروری کارروائی عمل میں لائیں۔ ذرائع کے مطابق اجلاس میں مختلف امور پر تفصیلی غور کیا گیا اور فیصلہ کیا گیا کہ آئندہ ہفتے سے نئی پالیسی پر عملدرآمد شروع کر دیا جائے گا۔ وزیر اعظم نے کہا کہ عوام کی فلاح و بہبود حکومت کی اولین ترجیح ہے اور اس سلسلے میں کوئی کوتاہی برداشت نہیں کی جائے گی۔ حکومت پاکستان کی جانب سے جاری کردہ اعلامیے کے مطابق متعلقہ اداروں کو ہدایت کی گئی ہے کہ وہ فوری طور پر اقدامات کریں اور شہریوں کو درپیش مسائل کے حل کے لیے ضروری کارروائی عمل میں لائیں۔ ذرائع کے مطابق اجلاس میں مختلف امور پر تفصیلی غور کیا گیا اور فیصلہ کیا گیا کہ آئندہ ہفتے سے نئی پالیسی پر عملدرآمد شروع کر دیا جائے گا۔ وزیر اعظم نے کہا کہ عوام کی فلاح و بہبود حکومت کی اولین ترجیح ہے اور اس سلسلے میں کوئی کوتاہی برداشت نہیں کی جائے گی۔ حکومت پاکستان کی جانب سے جاری کردہ اعلامیے کے مطابق متعلقہ اداروں کو ہدایت کی گئی ہے کہ وہ فوری طور پر اقدامات کریں اور شہریوں کو درپیش مسائل کے حل کے لیے ضروری کارروائی عمل میں لائیں۔ ذرائع کے مطابق اجلاس میں مختلف امور پر تفصیلی غور کیا گیا اور فیصلہ کیا گیا کہ آئندہ ہفتے سے نئی پالیسی پر عملدرآمد شروع کر دیا جائے گا۔ وزیر اعظم نے کہا کہ عوام کی فلاح و بہبود حکومت کی اولین ترجیح ہے اور اس سلسلے میں کوئی کوتاہی برداشت نہیں کی جائے گی۔ حکومت پاکستان کی جانب سے جاری کردہ اعلامیے کے مطابق متعلقہ اداروں کو ہدایت کی گئی ہے کہ وہ فوری طور پر اقدامات کریں اور شہریوں کو درپیش مسائل کے حل کے لیے ضروری کارروائی عمل میں لائیں۔ ذرائع کے مطابق اجلاس میں مختلف امور پر تفصیلی غور کیا گیا اور فیصلہ کیا گیا کہ آئندہ ہفتے سے نئی پالیسی پر عملدرآمد شروع کر دیا جائے گا۔ وزیر اعظم نے کہا کہ عوام کی فلاح و بہبود حکومت کی اولین ترجیح ہے اور اس سلسلے میں کوئی کوتاہی برداشت نہیں کی جائے گی۔ حکومت پاکستان کی جانب سے جاری کردہ اعلامیے کے مطابق متعلقہ اداروں کو ہدایت کی گئی ہے کہ وہ فوری طور پر اقدامات کریں اور شہریوں کو درپیش مسائل کے حل کے لیے ضروری کارروائی عمل میں لائیں۔ ذرائع کے مطابق اجلاس میں مختلف امور پر تفصیلی غور کیا گیا اور فیصلہ کیا گیا کہ آئندہ ہفتے سے نئی پالیسی پر عملدرآمد شروع کر دیا جائے گا۔ وزیر اعظم نے کہا کہ عوام کی فلاح و بہبود حکومت کی اولین ترجیح ہے اور اس سلسلے میں کوئی کوتاہی برداشت نہیں کی جائے گی۔ حکومت پاکستان کی جانب سے جاری کردہ اعلامیے کے مطابق متعلقہ اداروں کو ہدایت کی گئی ہے کہ وہ فوری طور پر اقدامات کریں اور شہریوں کو درپیش مسائل کے حل کے لیے ضروری کارروائی عمل میں لائیں۔ ذرائع کے مطابق اجلاس میں مختلف امور پر تفصیلی غور کیا گیا اور فیصلہ کیا گیا کہ آئندہ ہفتے سے نئی پالیسی پر عملدرآمد شروع کر دیا جائے گا۔ وزیر اعظم نے کہا کہ عوام کی فلاح و بہبود حکومت کی اولین ترجیح ہے اور اس سلسلے میں کوئی کوتاہی برداشت نہیں کی جائے گی۔ حکومت پاکستان کی جانب سے جاری کردہ اعلامیے کے مطابق متعلقہ اداروں کو ہدایت کی گئی ہے کہ وہ فوری طور پر اقدامات کریں اور شہریوں کو درپیش مسائل کے حل کے لیے ضروری کارروائی عمل میں لائیں۔ ذرائع کے مطابق اجلاس میں مختلف امور پر تفصیلی غور کیا گیا اور فیصلہ کیا گیا کہ آئندہ ہفتے سے نئی پالیسی پر عملدرآمد شروع کر دیا جائے گا۔ وزیر اعظم نے کہا کہ عوام کی فلاح و بہبود حکومت کی اولین ترجیح ہے اور اس سلسلے میں کوئی کوتاہی برداشت نہیں کی جائے گی۔ حکومت پاکستان کی جانب سے جاری کردہ اعلامیے کے مطابق متعلقہ اداروں کو ہدایت کی گئی ہے کہ وہ فوری طور پر اقدامات کریں اور شہریوں کو درپیش مسائل کے حل کے لیے ضروری کارروائی عمل میں لائیں۔ ذرائع کے مطابق اجلاس میں مختلف امور پر تفصیلی غور کیا گیا اور فیصلہ کیا گیا کہ آئندہ ہفتے سے نئی پالیسی پر عملدرآمد شروع کر دیا جائے گا۔ وزیر اعظم نے کہا کہ عوام کی فلاح و بہبود حکومت کی اولین ترجیح ہے اور اس سلسلے میں کوئی کوتاہی برداشت نہیں کی جائے گی۔ حکومت پاکستان کی جانب سے جاری کردہ اعلامیے کے مطابق متعلقہ اداروں کو ہدایت کی گئی ہے کہ وہ فوری طور پر اقدامات کریں اور شہریوں کو درپیش مسائل کے حل کے لیے ضروری کارروائی عمل میں لائیں۔ ذرائع کے مطابق اجلاس میں مختلف امور پر تفصیلی غور کیا گیا اور فیصلہ کیا گیا کہ آئندہ ہفتے سے نئی پالیسی پر عملدرآمد شروع کر دیا جائے گا۔ وزیر اعظم نے کہا کہ عوام کی فلاح و بہبود حکومت کی اولین ترجیح ہے اور اس سلسلے میں کوئی کوتاہی برداشت نہیں کی جائے گی۔ حکومت پاکستان کی جانب سے جاری کردہ اعلامیے کے مطابق متعلقہ اداروں کو ہدایت کی گئی ہے کہ وہ فوری طور پر اقدامات کریں اور شہریوں کو درپیش مسائل کے حل کے لیے ضروری کارروائی عمل میں لائیں۔ ذرائع کے مطابق اجلاس میں مختلف امور پر تفصیلی غور کیا گیا اور فیصلہ کیا گیا کہ آئندہ ہفتے سے نئی پالیسی پر عملدرآمد شروع کر دیا جائے گا۔ وزیر اعظم نے کہا کہ عوام کی فلاح و بہبود حکومت کی اولین ترجیح ہے اور اس سلسلے میں کوئی کوتاہی برداشت نہیں کی جائے گی۔ حکومت پاکستان کی جانب سے جاری کردہ اعلامیے کے مطابق متعلقہ اداروں کو ہدایت کی گئی ہے کہ وہ فوری طور پر اقدامات کریں اور شہریوں کو درپیش مسائل کے حل کے لیے ضروری کارروائی عمل میں لائیں۔ ذرائع کے مطابق اجلاس میں مختلف امور پر تفصیلی غور کیا گیا اور فیصلہ کیا گیا کہ آئندہ ہفتے سے نئی پالیسی پر عملدرآمد شروع کر دیا جائے گا۔ وزیر اعظم نے کہا کہ عوام کی فلاح و بہبود حکومت کی اولین ترجیح ہے اور اس سلسلے میں کوئی کوتاہی برداشت نہیں کی جائے گی۔
18
خبر کا عنوان
حکومت پاکستان کی جانب سے جاری کردہ اعلامیے کے مطابق متعلقہ اداروں کو ہدایت کی گئی ہے کہ وہ فوری طور پر اقدامات کریں اور شہریوں کو درپیش مسائل کے حل کے لیے ضروری کارروائی عمل میں لائیں۔ ذرائع کے مطابق اجلاس میں مختلف امور پر تفصیلی غور کیا گیا اور فیصلہ کیا گیا کہ آئندہ ہفتے سے نئی پالیسی پر عملدرآمد شروع کر دیا جائے گا۔ وزیر اعظم نے کہا کہ عوام کی فلاح و بہبود حکومت کی اولین ترجیح ہے اور اس سلسلے میں کوئی کوتاہی برداشت نہیں کی جائے گی۔ حکومت پاکستان کی جانب سے جاری کردہ اعلامیے کے مطابق متعلقہ اداروں کو ہدایت کی گئی ہے کہ وہ فوری طور پر اقدامات کریں اور شہریوں کو درپیش مسائل کے حل کے لیے ضروری کارروائی عمل میں لائیں۔ ذرائع کے مطابق اجلاس میں مختلف امور پر تفصیلی غور کیا گیا اور فیصلہ کیا گیا کہ آئندہ ہفتے سے نئی پالیسی پر عملدرآمد شروع کر دیا جائے گا۔ وزیر اعظم نے کہا کہ عوام کی فلاح و بہبود حکومت کی اولین ترجیح ہے اور اس سلسلے میں کوئی کوتاہی برداشت نہیں کی جائے گی۔ حکومت پاکستان کی جانب سے جاری کردہ اعلامیے کے مطابق متعلقہ اداروں کو ہدایت کی گئی ہے کہ وہ فوری طور پر اقدامات کریں اور شہریوں کو درپیش مسائل کے حل کے لیے ضروری کارروائی عمل میں لائیں۔ ذرائع کے مطابق اجلاس میں مختلف امور پر تفصیلی غور کیا گیا اور فیصلہ کیا گیا کہ آئندہ ہفتے سے نئی پالیسی پر عملدرآمد شروع کر دیا جائے گا۔ وزیر اعظم نے کہا کہ عوام کی فلاح و بہبود حکومت کی اولین ترجیح ہے اور اس سلسلے میں کوئی کوتاہی برداشت نہیں کی جائے گی۔ حکومت پاکستان کی جانب سے جاری کردہ اعلامیے کے مطابق متعلقہ اداروں کو ہدایت کی گئی ہے کہ وہ فوری طور پر اقدامات کریں اور شہریوں کو درپیش مسائل کے حل کے لیے ضروری کارروائی عمل میں لائیں۔ ذرائع کے مطابق اجلاس میں مختلف امور پر تفصیلی غور کیا گیا اور فیصلہ کیا گیا کہ آئندہ ہفتے سے نئی پالیسی پر عملدرآمد شروع کر دیا جائے گا۔ وزیر اعظم نے کہا کہ عوام کی فلاح و بہبود حکومت کی اولین ترجیح ہے اور اس سلسلے میں کوئی کوتاہی برداشت نہیں کی جائے گی۔ حکومت پاکستان کی جانب سے جاری کردہ اعلامیے کے مطابق متعلقہ اداروں کو ہدایت کی گئی ہے کہ وہ فوری طور پر اقدامات کریں اور شہریوں کو درپیش مسائل کے حل کے لیے ضروری کارروائی عمل میں لائیں۔ ذرائع کے مطابق اجلاس میں مختلف امور پر تفصیلی غور کیا گیا اور فیصلہ کیا گیا کہ آئندہ ہفتے سے نئی پالیسی پر عملدرآمد شروع کر دیا جائے گا۔ وزیر اعظم نے کہا کہ عوام کی فلاح و بہبود حکومت کی اولین ترجیح ہے اور اس سلسلے میں کوئی کوتاہی برداشت نہیں کی جائے گی۔ حکومت پاکستان کی جانب سے جاری کردہ اعلامیے کے مطابق متعلقہ اداروں کو ہدایت کی گئی ہے کہ وہ فوری طور پر اقدامات کریں اور شہریوں کو درپیش مسائل کے حل کے لیے ضروری کارروائی عمل میں لائیں۔ ذرائع کے مطابق اجلاس میں مختلف امور پر تفصیلی غور کیا گیا اور فیصلہ کیا گیا کہ آئندہ ہفتے سے نئی پالیسی پر عملدرآمد شروع کر دیا جائے گا۔ وزیر اعظم نے کہا کہ عوام کی فلاح و بہبود حکومت کی اولین ترجیح ہے اور اس سلسلے میں کوئی کوتاہی برداشت نہیں کی جائے گی۔ حکومت پاکستان کی جانب سے جاری کردہ اعلامیے کے مطابق متعلقہ اداروں کو ہدایت کی گئی ہے کہ وہ فوری طور پر اقدامات کریں اور شہریوں کو درپیش مسائل کے حل کے لیے ضروری کارروائی عمل میں لائیں۔ ذرائع کے مطابق اجلاس میں مختلف امور پر تفصیلی غور کیا گیا اور فیصلہ کیا گیا کہ آئندہ ہفتے سے نئی پالیسی پر عملدرآمد شروع کر دیا جائے گا۔ وزیر اعظم نے کہا کہ عوام کی فلاح و بہبود حکومت کی اولین ترجیح ہے اور اس سلسلے میں کوئی کوتاہی برداشت نہیں کی جائے گی۔ حکومت پاکستان کی جانب سے جاری کردہ اعلامیے کے مطابق متعلقہ اداروں کو ہدایت کی گئی ہے کہ وہ فوری طور پر اقدامات کریں اور شہریوں کو درپیش مسائل کے حل کے لیے ضروری کارروائی عمل میں لائیں۔ ذرائع کے مطابق اجلاس میں مختلف امور پر تفصیلی غور کیا گیا اور فیصلہ کیا گیا کہ آئندہ ہفتے سے نئی پالیسی پر عملدرآمد شروع کر دیا جائے گا۔ وزیر اعظم نے کہا کہ عوام کی فلاح و بہبود حکومت کی اولین ترجیح ہے اور اس سلسلے میں کوئی کوتاہی برداشت نہیں کی جائے گی۔ حکومت پاکستان کی جانب سے جاری کردہ اعلامیے کے مطابق متعلقہ اداروں کو ہدایت کی گئی ہے کہ وہ فوری طور پر اقدامات کریں اور شہریوں کو درپیش مسائل کے حل کے لیے ضروری کارروائی عمل میں لائیں۔ ذرائع کے مطابق اجلاس میں مختلف امور پر تفصیلی غور کیا گیا اور فیصلہ کیا گیا کہ آئندہ ہفتے سے نئی پالیسی پر عملدرآمد شروع کر دیا جائے گا۔ وزیر اعظم نے کہا کہ عوام کی فلاح و بہبود حکومت کی اولین ترجیح ہے اور اس سلسلے میں کوئی کوتاہی برداشت نہیں کی جائے گی۔ حکومت پاکستان کی جانب سے جاری کردہ اعلامیے کے مطابق متعلقہ اداروں کو ہدایت کی گئی ہے کہ وہ فوری طور پر اقدامات کریں اور شہریوں کو درپیش مسائل کے حل کے لیے ضروری کارروائی عمل میں لائیں۔ ذرائع کے مطابق اجلاس میں مختلف امور پر تفصیلی غور کیا گیا اور فیصلہ کیا گیا کہ آئندہ ہفتے سے نئی پالیسی پر عملدرآمد شروع کر دیا جائے گا۔ وزیر اعظم نے کہا کہ عوام کی فلاح و بہبود حکومت کی اولین ترجیح ہے اور اس سلسلے میں کوئی کوتاہی برداشت نہیں کی جائے گی۔ حکومت پاکستان کی جانب سے جاری کردہ اعلامیے کے مطابق متعلقہ اداروں کو ہدایت کی گئی ہے کہ وہ فوری طور پر اقدامات کریں اور شہریوں کو درپیش مسائل کے حل کے لیے ضروری کارروائی عمل میں لائیں۔ ذرائع کے مطابق اجلاس میں مختلف امور پر تفصیلی غور کیا گیا اور فیصلہ کیا گیا کہ آئندہ ہفتے سے نئی پالیسی پر عملدرآمد شروع کر دیا جائے گا۔ وزیر اعظم نے کہا کہ عوام کی فلاح و بہبود حکومت کی اولین ترجیح ہے اور اس سلسلے میں کوئی کوتاہی برداشت نہیں کی جائے گی۔ حکومت پاکستان کی جانب سے جاری کردہ اعلامیے کے مطابق متعلقہ اداروں کو ہدایت کی گئی ہے کہ وہ فوری طور پر اقدامات کریں اور شہریوں کو درپیش مسائل کے حل کے لیے ضروری کارروائی عمل میں لائیں۔ ذرائع کے مطابق اجلاس میں مختلف امور پر تفصیلی غور کیا گیا اور فیصلہ کیا گیا کہ آئندہ ہفتے سے نئی پالیسی پر عملدرآمد شروع کر دیا جائے گا۔ وزیر اعظم نے کہا کہ عوام کی فلاح و بہبود حکومت کی اولین ترجیح ہے اور اس سلسلے میں کوئی کوتاہی برداشت نہیں کی جائے گی۔
19
خبر کا عنوان
حکومت پاکستان کی جانب سے جاری کردہ اعلامیے کے مطابق متعلقہ اداروں کو ہدایت کی گئی ہے کہ وہ فوری طور پر اقدامات کریں اور شہریوں کو درپیش مسائل کے حل کے لیے ضروری کارروائی عمل میں لائیں۔ ذرائع کے مطابق اجلاس میں مختلف امور پر تفصیلی غور کیا گیا اور فیصلہ کیا گیا کہ آئندہ ہفتے سے نئی پالیسی پر عملدرآمد شروع کر دیا جائے گا۔ وزیر اعظم نے کہا کہ عوام کی فلاح و بہبود حکومت کی اولین ترجیح ہے اور اس سلسلے میں کوئی کوتاہی برداشت نہیں کی جائے گی۔ حکومت پاکستان کی جانب سے جاری کردہ اعلامیے کے مطابق متعلقہ اداروں کو ہدایت کی گئی ہے کہ وہ فوری طور پر اقدامات کریں اور شہریوں کو درپیش مسائل کے حل کے لیے ضروری کارروائی عمل میں لائیں۔ ذرائع کے مطابق اجلاس میں مختلف امور پر تفصیلی غور کیا گیا اور فیصلہ کیا گیا کہ آئندہ ہفتے سے نئی پالیسی پر عملدرآمد شروع کر دیا جائے گا۔ وزیر اعظم نے کہا کہ عوام کی فلاح و بہبود حکومت کی اولین ترجیح ہے اور اس سلسلے میں کوئی کوتاہی برداشت نہیں کی جائے گی۔ حکومت پاکستان کی جانب سے جاری کردہ اعلامیے کے مطابق متعلقہ اداروں کو ہدایت کی گئی ہے کہ وہ فوری طور پر اقدامات کریں اور شہریوں کو درپیش مسائل کے حل کے لیے ضروری کارروائی عمل میں لائیں۔ ذرائع کے مطابق اجلاس میں مختلف امور پر تفصیلی غور کیا گیا اور فیصلہ کیا گیا کہ آئندہ ہفتے سے نئی پالیسی پر عملدرآمد شروع کر دیا جائے گا۔ وزیر اعظم نے کہا کہ عوام کی فلاح و بہبود حکومت کی اولین ترجیح ہے اور اس سلسلے میں کوئی کوتاہی برداشت نہیں کی جائے گی۔ حکومت پاکستان کی جانب سے جاری کردہ اعلامیے کے مطابق متعلقہ اداروں کو ہدایت کی گئی ہے کہ وہ فوری طور پر اقدامات کریں اور شہریوں کو درپیش مسائل کے حل کے لیے ضروری کارروائی عمل میں لائیں۔ ذرائع کے مطابق اجلاس میں مختلف امور پر تفصیلی غور کیا گیا اور فیصلہ کیا گیا کہ آئندہ ہفتے سے نئی پالیسی پر عملدرآمد شروع کر دیا جائے گا۔ وزیر اعظم نے کہا کہ عوام کی فلاح و بہبود حکومت کی اولین ترجیح ہے اور اس سلسلے میں کوئی کوتاہی برداشت نہیں کی جائے گی۔ حکومت پاکستان کی جانب سے جاری کردہ اعلامیے کے مطابق متعلقہ اداروں کو ہدایت کی گئی ہے کہ وہ فوری طور پر اقدامات کریں اور شہریوں کو درپیش مسائل کے حل کے لیے ضروری کارروائی عمل میں لائیں۔ ذرائع کے مطابق اجلاس میں مختلف امور پر تفصیلی غور کیا گیا اور فیصلہ کیا گیا کہ آئندہ ہفتے سے نئی پالیسی پر عملدرآمد شروع کر دیا جائے گا۔ وزیر اعظم نے کہا کہ عوام کی فلاح و بہبود حکومت کی اولین ترجیح ہے اور اس سلسلے میں کوئی کوتاہی برداشت نہیں کی جائے گی۔ حکومت پاکستان کی جانب سے جاری کردہ اعلامیے کے مطابق متعلقہ اداروں کو ہدایت کی گئی ہے کہ وہ فوری طور پر اقدامات کریں اور شہریوں کو درپیش مسائل کے حل کے لیے ضروری کارروائی عمل میں لائیں۔ ذرائع کے مطابق اجلاس میں مختلف امور پر تفصیلی غور کیا گیا اور فیصلہ کیا گیا کہ آئندہ ہفتے سے نئی پالیسی پر عملدرآمد شروع کر دیا جائے گا۔ وزیر اعظم نے کہا کہ عوام کی فلاح و بہبود حکومت کی اولین ترجیح ہے اور اس سلسلے میں کوئی کوتاہی برداشت نہیں کی جائے گی۔ حکومت پاکستان کی جانب سے جاری کردہ اعلامیے کے مطابق متعلقہ اداروں کو ہدایت کی گئی ہے کہ وہ فوری طور پر اقدامات کریں اور شہریوں کو درپیش مسائل کے حل کے لیے ضروری کارروائی عمل میں لائیں۔ ذرائع کے مطابق اجلاس میں مختلف امور پر تفصیلی غور کیا گیا اور فیصلہ کیا گیا کہ آئندہ ہفتے سے نئی پالیسی پر عملدرآمد شروع کر دیا جائے گا۔ وزیر اعظم نے کہا کہ عوام کی فلاح و بہبود حکومت کی اولین ترجیح ہے اور اس سلسلے میں کوئی کوتاہی برداشت نہیں کی جائے گی۔ حکومت پاکستان کی جانب سے جاری کردہ اعلامیے کے مطابق متعلقہ اداروں کو ہدایت کی گئی ہے کہ وہ فوری طور پر اقدامات کریں اور شہریوں کو درپیش مسائل کے حل کے لیے ضروری کارروائی عمل میں لائیں۔ ذرائع کے مطابق اجلاس میں مختلف امور پر تفصیلی غور کیا گیا اور فیصلہ کیا گیا کہ آئندہ ہفتے سے نئی پالیسی پر عملدرآمد شروع کر دیا جائے گا۔ وزیر اعظم نے کہا کہ عوام کی فلاح و بہبود حکومت کی اولین ترجیح ہے اور اس سلسلے میں کوئی کوتاہی برداشت نہیں کی جائے گی۔ حکومت پاکستان کی جانب سے جاری کردہ اعلامیے کے مطابق متعلقہ اداروں کو ہدایت کی گئی ہے کہ وہ فوری طور پر اقدامات کریں اور شہریوں کو درپیش مسائل کے حل کے لیے ضروری کارروائی عمل میں لائیں۔ ذرائع کے مطابق اجلاس میں مختلف امور پر تفصیلی غور کیا گیا اور فیصلہ کیا گیا کہ آئندہ ہفتے سے نئی پالیسی پر عملدرآمد شروع کر دیا جائے گا۔ وزیر اعظم نے کہا کہ عوام کی فلاح و بہبود حکومت کی اولین ترجیح ہے اور اس سلسلے میں کوئی کوتاہی برداشت نہیں کی جائے گی۔ حکومت پاکستان کی جانب سے جاری کردہ اعلامیے کے مطابق متعلقہ اداروں کو ہدایت کی گئی ہے کہ وہ فوری طور پر اقدامات کریں اور شہریوں کو درپیش مسائل کے حل کے لیے ضروری کارروائی عمل میں لائیں۔ ذرائع کے مطابق اجلاس میں مختلف امور پر تفصیلی غور کیا گیا اور فیصلہ کیا گیا کہ آئندہ ہفتے سے نئی پالیسی پر عملدرآمد شروع کر دیا جائے گا۔ وزیر اعظم نے کہا کہ عوام کی فلاح و بہبود حکومت کی اولین ترجیح ہے اور اس سلسلے میں کوئی کوتاہی برداشت نہیں کی جائے گی۔ حکومت پاکستان کی جانب سے جاری کردہ اعلامیے کے مطابق متعلقہ اداروں کو ہدایت کی گئی ہے کہ وہ فوری طور پر اقدامات کریں اور شہریوں کو درپیش مسائل کے حل کے لیے ضروری کارروائی عمل میں لائیں۔ ذرائع کے مطابق اجلاس میں مختلف امور پر تفصیلی غور کیا گیا اور فیصلہ کیا گیا کہ آئندہ ہفتے سے نئی پالیسی پر عملدرآمد شروع کر دیا جائے گا۔ وزیر اعظم نے کہا کہ عوام کی فلاح و بہبود حکومت کی اولین ترجیح ہے اور اس سلسلے میں کوئی کوتاہی برداشت نہیں کی جائے گی۔ حکومت پاکستان کی جانب سے جاری کردہ اعلامیے کے مطابق متعلقہ اداروں کو ہدایت کی گئی ہے کہ وہ فوری طور پر اقدامات کریں اور شہریوں کو درپیش مسائل کے حل کے لیے ضروری کارروائی عمل میں لائیں۔ ذرائع کے مطابق اجلاس میں مختلف امور پر تفصیلی غور کیا گیا اور فیصلہ کیا گیا کہ آئندہ ہفتے سے نئی پالیسی پر عملدرآمد شروع کر دیا جائے گا۔ وزیر اعظم نے کہا کہ عوام کی فلاح و بہبود حکومت کی اولین ترجیح ہے اور اس سلسلے میں کوئی کوتاہی برداشت نہیں کی جائے گی۔
20
خبر کا عنوان
حکومت پاکستان کی جانب سے جاری کردہ اعلامیے کے مطابق متعلقہ اداروں کو ہدایت کی گئی ہے کہ وہ فوری طور پر اقدامات کریں اور شہریوں کو درپیش مسائل کے حل کے لیے ضروری کارروائی عمل میں لائیں۔ ذرائع کے مطابق اجلاس میں مختلف امور پر تفصیلی غور کیا گیا اور فیصلہ کیا گیا کہ آئندہ ہفتے سے نئی پالیسی پر عملدرآمد شروع کر دیا جائے گا۔ وزیر اعظم نے کہا کہ عوام کی فلاح و بہبود حکومت کی اولین ترجیح ہے اور اس سلسلے میں کوئی کوتاہی برداشت نہیں کی جائے گی۔ حکومت پاکستان کی جانب سے جاری کردہ اعلامیے کے مطابق متعلقہ اداروں کو ہدایت کی گئی ہے کہ وہ فوری طور پر اقدامات کریں اور شہریوں کو درپیش مسائل کے حل کے لیے ضروری کارروائی عمل میں لائیں۔ ذرائع کے مطابق اجلاس میں مختلف امور پر تفصیلی غور کیا گیا اور فیصلہ کیا گیا کہ آئندہ ہفتے سے نئی پالیسی پر عملدرآمد شروع کر دیا جائے گا۔ وزیر اعظم نے کہا کہ عوام کی فلاح و بہبود حکومت کی اولین ترجیح ہے اور اس سلسلے میں کوئی کوتاہی برداشت نہیں کی جائے گی۔ حکومت پاکستان کی جانب سے جاری کردہ اعلامیے کے مطابق متعلقہ اداروں کو ہدایت کی گئی ہے کہ وہ فوری طور پر اقدامات کریں اور شہریوں کو درپیش مسائل کے حل کے لیے ضروری کارروائی عمل میں لائیں۔ ذرائع کے مطابق اجلاس میں مختلف امور پر تفصیلی غور کیا گیا اور فیصلہ کیا گیا کہ آئندہ ہفتے سے نئی پالیسی پر عملدرآمد شروع کر دیا جائے گا۔ وزیر اعظم نے کہا کہ عوام کی فلاح و بہبود حکومت کی اولین ترجیح ہے اور اس سلسلے میں کوئی کوتاہی برداشت نہیں کی جائے گی۔ حکومت پاکستان کی جانب سے جاری کردہ اعلامیے کے مطابق متعلقہ اداروں کو ہدایت کی گئی ہے کہ وہ فوری طور پر اقدامات کریں اور شہریوں کو درپیش مسائل کے حل کے لیے ضروری کارروائی عمل میں لائیں۔ ذرائع کے مطابق اجلاس میں مختلف امور پر تفصیلی غور کیا گیا اور فیصلہ کیا گیا کہ آئندہ ہفتے سے نئی پالیسی پر عملدرآمد شروع کر دیا جائے گا۔ وزیر اعظم نے کہا کہ عوام کی فلاح و بہبود حکومت کی اولین ترجیح ہے اور اس سلسلے میں کوئی کوتاہی برداشت نہیں کی جائے گی۔ حکومت پاکستان کی جانب سے جاری کردہ اعلامیے کے مطابق متعلقہ اداروں کو ہدایت کی گئی ہے کہ وہ فوری طور پر اقدامات کریں اور شہریوں کو درپیش مسائل کے حل کے لیے ضروری کارروائی عمل میں لائیں۔ ذرائع کے مطابق اجلاس میں مختلف امور پر تفصیلی غور کیا گیا اور فیصلہ کیا گیا کہ آئندہ ہفتے سے نئی پالیسی پر عملدرآمد شروع کر دیا جائے گا۔ وزیر اعظم نے کہا کہ عوام کی فلاح و بہبود حکومت کی اولین ترجیح ہے اور اس سلسلے میں کوئی کوتاہی برداشت نہیں کی جائے گی۔ حکومت پاکستان کی جانب سے جاری کردہ اعلامیے کے مطابق متعلقہ اداروں کو ہدایت کی گئی ہے کہ وہ فوری طور پر اقدامات کریں اور شہریوں کو درپیش مسائل کے حل کے لیے ضروری کارروائی عمل میں لائیں۔ ذرائع کے مطابق اجلاس میں مختلف امور پر تفصیلی غور کیا گیا اور فیصلہ کیا گیا کہ آئندہ ہفتے سے نئی پالیسی پر عملدرآمد شروع کر دیا جائے گا۔ وزیر اعظم نے کہا کہ عوام کی فلاح و بہبود حکومت کی اولین ترجیح ہے اور اس سلسلے میں کوئی کوتاہی برداشت نہیں کی جائے گی۔ حکومت پاکستان کی جانب سے جاری کردہ اعلامیے کے مطابق متعلقہ اداروں کو ہدایت کی گئی ہے کہ وہ فوری طور پر اقدامات کریں اور شہریوں کو درپیش مسائل کے حل کے لیے ضروری کارروائی عمل میں لائیں۔ ذرائع کے مطابق اجلاس میں مختلف امور پر تفصیلی غور کیا گیا اور فیصلہ کیا گیا کہ آئندہ ہفتے سے نئی پالیسی پر عملدرآمد شروع کر دیا جائے گا۔ وزیر اعظم نے کہا کہ عوام کی فلاح و بہبود حکومت کی اولین ترجیح ہے اور اس سلسلے میں کوئی کوتاہی برداشت نہیں کی جائے گی۔ حکومت پاکستان کی جانب سے جاری کردہ اعلامیے کے مطابق متعلقہ اداروں کو ہدایت کی گئی ہے کہ وہ فوری طور پر اقدامات کریں اور شہریوں کو درپیش مسائل کے حل کے لیے ضروری کارروائی عمل میں لائیں۔ ذرائع کے مطابق اجلاس میں مختلف امور پر تفصیلی غور کیا گیا اور فیصلہ کیا گیا کہ آئندہ ہفتے سے نئی پالیسی پر عملدرآمد شروع کر دیا جائے گا۔ وزیر اعظم نے کہا کہ عوام کی فلاح و بہبود حکومت کی اولین ترجیح ہے اور اس سلسلے میں کوئی کوتاہی برداشت نہیں کی جائے گی۔ حکومت پاکستان کی جانب سے جاری کردہ اعلامیے کے مطابق متعلقہ اداروں کو ہدایت کی گئی ہے کہ وہ فوری طور پر اقدامات کریں اور شہریوں کو درپیش مسائل کے حل کے لیے ضروری کارروائی عمل میں لائیں۔ ذرائع کے مطابق اجلاس میں مختلف امور پر تفصیلی غور کیا گیا اور فیصلہ کیا گیا کہ آئندہ ہفتے سے نئی پالیسی پر عملدرآمد شروع کر دیا جائے گا۔ وزیر اعظم نے کہا کہ عوام کی فلاح و بہبود حکومت کی اولین ترجیح ہے اور اس سلسلے میں کوئی کوتاہی برداشت نہیں کی جائے گی۔ حکومت پاکستان کی جانب سے جاری کردہ اعلامیے کے مطابق متعلقہ اداروں کو ہدایت کی گئی ہے کہ وہ فوری طور پر اقدامات کریں اور شہریوں کو درپیش مسائل کے حل کے لیے ضروری کارروائی عمل میں لائیں۔ ذرائع کے مطابق اجلاس میں مختلف امور پر تفصیلی غور کیا گیا اور فیصلہ کیا گیا کہ آئندہ ہفتے سے نئی پالیسی پر عملدرآمد شروع کر دیا جائے گا۔ وزیر اعظم نے کہا کہ عوام کی فلاح و بہبود حکومت کی اولین ترجیح ہے اور اس سلسلے میں کوئی کوتاہی برداشت نہیں کی جائے گی۔ حکومت پاکستان کی جانب سے جاری کردہ اعلامیے کے مطابق متعلقہ اداروں کو ہدایت کی گئی ہے کہ وہ فوری طور پر اقدامات کریں اور شہریوں کو درپیش مسائل کے حل کے لیے ضروری کارروائی عمل میں لائیں۔ ذرائع کے مطابق اجلاس میں مختلف امور پر تفصیلی غور کیا گیا اور فیصلہ کیا گیا کہ آئندہ ہفتے سے نئی پالیسی پر عملدرآمد شروع کر دیا جائے گا۔ وزیر اعظم نے کہا کہ عوام کی فلاح و بہبود حکومت کی اولین ترجیح ہے اور اس سلسلے میں کوئی کوتاہی برداشت نہیں کی جائے گی۔ حکومت پاکستان کی جانب سے جاری کردہ اعلامیے کے مطابق متعلقہ
24
خبر کا عنوان
حکومت پاکستان کی جانب سے جاری کردہ اعلامیے کے مطابق متعلقہ اداروں کو ہدایت کی گئی ہے کہ وہ فوری طور پر اقدامات کریں اور شہریوں کو درپیش مسائل کے حل کے لیے ضروری کارروائی عمل میں لائیں۔ ذرائع کے مطابق اجلاس میں مختلف امور پر تفصیلی غور کیا گیا اور فیصلہ کیا گیا کہ آئندہ ہفتے سے نئی پالیسی پر عملدرآمد شروع کر دیا جائے گا۔ وزیر اعظم نے کہا کہ عوام کی فلاح و بہبود حکومت کی اولین ترجیح ہے اور اس سلسلے میں کوئی کوتاہی برداشت نہیں کی جائے گی۔ حکومت پاکستان کی جانب سے جاری کردہ اعلامیے کے مطابق متعلقہ اداروں کو ہدایت کی گئی ہے کہ وہ فوری طور پر اقدامات کریں اور شہریوں کو درپیش مسائل کے حل کے لیے ضروری کارروائی عمل میں لائیں۔ ذرائع کے مطابق اجلاس میں مختلف امور پر تفصیلی غور کیا گیا اور فیصلہ کیا گیا کہ آئندہ ہفتے سے نئی پالیسی پر عملدرآمد شروع کر دیا جائے گا۔ وزیر اعظم نے کہا کہ عوام کی فلاح و بہبود حکومت کی اولین ترجیح ہے اور اس سلسلے میں کوئی کوتاہی برداشت نہیں کی جائے گی۔ حکومت پاکستان کی جانب سے جاری کردہ اعلامیے کے مطابق متعلقہ اداروں کو ہدایت کی گئی ہے کہ وہ فوری طور پر اقدامات کریں اور شہریوں کو درپیش مسائل کے حل کے لیے ضروری کارروائی عمل میں لائیں۔ ذرائع کے مطابق اجلاس میں مختلف امور پر تفصیلی غور کیا گیا اور فیصلہ کیا گیا کہ آئندہ ہفتے سے نئی پالیسی پر عملدرآمد شروع کر دیا جائے گا۔ وزیر اعظم نے کہا کہ عوام کی فلاح و بہبود حکومت کی اولین ترجیح ہے اور اس سلسلے میں کوئی کوتاہی برداشت نہیں کی جائے گی۔ حکومت پاکستان کی جانب سے جاری کردہ اعلامیے کے مطابق متعلقہ اداروں کو ہدایت کی گئی ہے کہ وہ فوری طور پر اقدامات کریں اور شہریوں کو درپیش مسائل کے حل کے لیے ضروری کارروائی عمل میں لائیں۔ ذرائع کے مطابق اجلاس میں مختلف امور پر تفصیلی غور کیا گیا اور فیصلہ کیا گیا کہ آئندہ ہفتے سے نئی پالیسی پر عملدرآمد شروع کر دیا جائے گا۔ وزیر اعظم نے کہا کہ عوام کی فلاح و بہبود حکومت کی اولین ترجیح ہے اور اس سلسلے میں کوئی کوتاہی برداشت نہیں کی جائے گی۔ حکومت پاکستان کی جانب سے جاری کردہ اعلامیے کے مطابق متعلقہ اداروں کو ہدایت کی گئی ہے کہ وہ فوری طور پر اقدامات کریں اور شہریوں کو درپیش مسائل کے حل کے لیے ضروری کارروائی عمل میں لائیں۔ ذرائع کے مطابق اجلاس میں مختلف امور پر تفصیلی غور کیا گیا اور فیصلہ کیا گیا کہ آئندہ ہفتے سے نئی پالیسی پر عملدرآمد شروع کر دیا جائے گا۔ وزیر اعظم نے کہا کہ عوام کی فلاح و بہبود حکومت کی اولین ترجیح ہے اور اس سلسلے میں کوئی کوتاہی برداشت نہیں کی جائے گی۔ حکومت پاکستان کی جانب سے جاری کردہ اعلامیے کے مطابق متعلقہ اداروں کو ہدایت کی گئی ہے کہ وہ فوری طور پر اقدامات کریں اور شہریوں کو درپیش مسائل کے حل کے لیے ضروری کارروائی عمل میں لائیں۔ ذرائع کے مطابق اجلاس میں مختلف امور پر تفصیلی غور کیا گیا اور فیصلہ کیا گیا کہ آئندہ ہفتے سے نئی پالیسی پر عملدرآمد شروع کر دیا جائے گا۔ وزیر اعظم نے کہا کہ عوام کی فلاح و بہبود حکومت کی اولین ترجیح ہے اور اس سلسلے میں کوئی کوتاہی برداشت نہیں کی جائے گی۔ حکومت پاکستان کی جانب سے جاری کردہ اعلامیے کے مطابق متعلقہ اداروں کو ہدایت کی گئی ہے کہ وہ فوری طور پر اقدامات کریں اور شہریوں کو درپیش مسائل کے حل کے لیے ضروری کارروائی عمل میں لائیں۔ ذرائع کے مطابق اجلاس میں مختلف امور پر تفصیلی غور کیا گیا اور فیصلہ کیا گیا کہ آئندہ ہفتے سے نئی پالیسی پر عملدرآمد شروع کر دیا جائے گا۔ وزیر اعظم نے کہا کہ عوام کی فلاح و بہبود حکومت کی اولین ترجیح ہے اور اس سلسلے میں کوئی کوتاہی برداشت نہیں کی جائے گی۔ حکومت پاکستان کی جانب سے جاری کردہ اعلامیے کے مطابق متعلقہ اداروں کو ہدایت کی گئی ہے کہ وہ فوری طور پر اقدامات کریں اور شہریوں کو درپیش مسائل کے حل کے لیے ضروری کارروائی عمل میں لائیں۔ ذرائع کے مطابق اجلاس میں مختلف امور پر تفصیلی غور کیا گیا اور فیصلہ کیا گیا کہ آئندہ ہفتے سے نئی پالیسی پر عملدرآمد شروع کر دیا جائے گا۔ وزیر اعظم نے کہا کہ عوام کی فلاح و بہبود حکومت کی اولین ترجیح ہے اور اس سلسلے میں کوئی کوتاہی برداشت نہیں کی جائے گی۔ حکومت پاکستان کی جانب سے جاری کردہ اعلامیے کے مطابق متعلقہ اداروں کو ہدایت کی گئی ہے کہ وہ فوری طور پر اقدامات کریں اور شہریوں کو درپیش مسائل کے حل کے لیے ضروری کارروائی عمل میں لائیں۔ ذرائع کے مطابق اجلاس میں مختلف امور پر تفصیلی غور کیا گیا اور فیصلہ کیا گیا کہ آئندہ ہفتے سے نئی پالیسی پر عملدرآمد شروع کر دیا جائے گا۔ وزیر اعظم نے کہا کہ عوام کی فلاح و بہبود حکومت کی اولین ترجیح ہے اور اس سلسلے میں کوئی کوتاہی برداشت نہیں کی جائے گی۔ حکومت پاکستان کی جانب سے جاری کردہ اعلامیے کے مطابق متعلقہ اداروں کو ہدایت کی گئی ہے کہ وہ فوری طور پر اقدامات کریں اور شہریوں کو درپیش مسائل کے حل کے لیے ضروری کارروائی عمل میں لائیں۔ ذرائع کے مطابق اجلاس میں مختلف امور پر تفصیلی غور کیا گیا اور فیصلہ کیا گیا کہ آئندہ ہفتے سے نئی پالیسی پر عملدرآمد شروع کر دیا جائے گا۔ وزیر اعظم نے کہا کہ عوام کی فلاح و بہبود حکومت کی اولین ترجیح ہے اور اس سلسلے میں کوئی کوتاہی برداشت نہیں کی جائے گی۔ حکومت پاکستان کی جانب سے جاری کردہ اعلامیے کے مطابق متعلقہ اداروں کو ہدایت کی گئی ہے کہ وہ فوری طور پر اقدامات کریں اور شہریوں کو درپیش مسائل کے حل کے لیے ضروری کارروائی عمل میں لائیں۔ ذرائع کے مطابق اجلاس میں مختلف امور پر تفصیلی غور کیا گیا اور فیصلہ کیا گیا کہ آئندہ ہفتے سے نئی پالیسی پر عملدرآمد شروع کر دیا جائے گا۔ وزیر اعظم نے کہا کہ عوام کی فلاح و بہبود حکومت کی اولین ترجیح ہے اور اس سلسلے میں کوئی کوتاہی برداشت نہیں کی جائے گی۔ حکومت پاکستان کی جانب سے جاری کردہ اعلامیے کے مطابق متعلقہ اداروں کو ہدایت کی گئی ہے کہ وہ فوری طور پر اقدامات کریں اور شہریوں کو درپیش مسائل کے حل کے لیے ضروری کارروائی عمل میں لائیں۔ ذرائع کے مطابق اجلاس میں مختلف امور پر تفصیلی غور کیا گیا اور فیصلہ کیا گیا کہ آئندہ ہفتے سے نئی پالیسی پر عملدرآمد شروع کر دیا جائے گا۔ وزیر اعظم نے کہا کہ عوام کی فلاح و بہبود حکومت کی اولین ترجیح ہے اور اس سلسلے میں کوئی کوتاہی برداشت نہیں کی جائے گی۔
25
خبر کا عنوان
حکومت پاکستان کی جانب سے جاری کردہ اعلامیے کے مطابق متعلقہ اداروں کو ہدایت کی گئی ہے کہ وہ فوری طور پر اقدامات کریں اور شہریوں کو درپیش مسائل کے حل کے لیے ضروری کارروائی عمل میں لائیں۔ ذرائع کے مطابق اجلاس میں مختلف امور پر تفصیلی غور کیا گیا اور فیصلہ کیا گیا کہ آئندہ ہفتے سے نئی پالیسی پر عملدرآمد شروع کر دیا جائے گا۔ وزیر اعظم نے کہا کہ عوام کی فلاح و بہبود حکومت کی اولین ترجیح ہے اور اس سلسلے میں کوئی کوتاہی برداشت نہیں کی جائے گی۔ حکومت پاکستان کی جانب سے جاری کردہ اعلامیے کے مطابق متعلقہ اداروں کو ہدایت کی گئی ہے کہ وہ فوری طور پر اقدامات کریں اور شہریوں کو درپیش مسائل کے حل کے لیے ضروری کارروائی عمل میں لائیں۔ ذرائع کے مطابق اجلاس میں مختلف امور پر تفصیلی غور کیا گیا اور فیصلہ کیا گیا کہ آئندہ ہفتے سے نئی پالیسی پر عملدرآمد شروع کر دیا جائے گا۔ وزیر اعظم نے کہا کہ عوام کی فلاح و بہبود حکومت کی اولین ترجیح ہے اور اس سلسلے میں کوئی کوتاہی برداشت نہیں کی جائے گی۔ حکومت پاکستان کی جانب سے جاری کردہ اعلامیے کے مطابق متعلقہ اداروں کو ہدایت کی گئی ہے کہ وہ فوری طور پر اقدامات کریں اور شہریوں کو درپیش مسائل کے حل کے لیے ضروری کارروائی عمل میں لائیں۔ ذرائع کے مطابق اجلاس میں مختلف امور پر تفصیلی غور کیا گیا اور فیصلہ کیا گیا کہ آئندہ ہفتے سے نئی پالیسی پر عملدرآمد شروع کر دیا جائے گا۔ وزیر اعظم نے کہا کہ عوام کی فلاح و بہبود حکومت کی اولین ترجیح ہے اور اس سلسلے میں کوئی کوتاہی برداشت نہیں کی جائے گی۔ حکومت پاکستان کی جانب سے جاری کردہ اعلامیے کے مطابق متعلقہ اداروں کو ہدایت کی گئی ہے کہ وہ فوری طور پر اقدامات کریں اور شہریوں کو درپیش مسائل کے حل کے لیے ضروری کارروائی عمل میں لائیں۔ ذرائع کے مطابق اجلاس میں مختلف امور پر تفصیلی غور کیا گیا اور فیصلہ کیا گیا کہ آئندہ ہفتے سے نئی پالیسی پر عملدرآمد شروع کر دیا جائے گا۔ وزیر اعظم نے کہا کہ عوام کی فلاح و بہبود حکومت کی اولین ترجیح ہے اور اس سلسلے میں کوئی کوتاہی برداشت نہیں کی جائے گی۔ حکومت پاکستان کی جانب سے جاری کردہ اعلامیے کے مطابق متعلقہ اداروں کو ہدایت کی گئی ہے کہ وہ فوری طور پر اقدامات کریں اور شہریوں کو درپیش مسائل کے حل کے لیے ضروری کارروائی عمل میں لائیں۔ ذرائع کے مطابق اجلاس میں مختلف امور پر تفصیلی غور کیا گیا اور فیصلہ کیا گیا کہ آئندہ ہفتے سے نئی پالیسی پر عملدرآمد شروع کر دیا جائے گا۔ وزیر اعظم نے کہا کہ عوام کی فلاح و بہبود حکومت کی اولین ترجیح ہے اور اس سلسلے میں کوئی کوتاہی برداشت نہیں کی جائے گی۔ حکومت پاکستان کی جانب سے جاری کردہ اعلامیے کے مطابق متعلقہ اداروں کو ہدایت کی گئی ہے کہ وہ فوری طور پر اقدامات کریں اور شہریوں کو درپیش مسائل کے حل کے لیے ضروری کارروائی عمل میں لائیں۔ ذرائع کے مطابق اجلاس میں مختلف امور پر تفصیلی غور کیا گیا اور فیصلہ کیا گیا کہ آئندہ ہفتے سے نئی پالیسی پر عملدرآمد شروع کر دیا جائے گا۔ وزیر اعظم نے کہا کہ عوام کی فلاح و بہبود حکومت کی اولین ترجیح ہے اور اس سلسلے میں کوئی کوتاہی برداشت نہیں کی جائے گی۔ حکومت پاکستان کی جانب سے جاری کردہ اعلامیے کے مطابق متعلقہ اداروں کو ہدایت کی گئی ہے کہ وہ فوری طور پر اقدامات کریں اور شہریوں کو درپیش مسائل کے حل کے لیے ضروری کارروائی عمل میں لائیں۔ ذرائع کے مطابق اجلاس میں مختلف امور پر تفصیلی غور کیا گیا اور فیصلہ کیا گیا کہ آئندہ ہفتے سے نئی پالیسی پر عملدرآمد شروع کر دیا جائے گا۔ وزیر اعظم نے کہا کہ عوام کی فلاح و بہبود حکومت کی اولین ترجیح ہے اور اس سلسلے میں کوئی کوتاہی برداشت نہیں کی جائے گی۔ حکومت پاکستان کی جانب سے جاری کردہ اعلامیے کے مطابق متعلقہ اداروں کو ہدایت کی گئی ہے کہ وہ فوری طور پر اقدامات کریں اور شہریوں کو درپیش مسائل کے حل کے لیے ضروری کارروائی عمل میں لائیں۔ ذرائع کے مطابق اجلاس میں مختلف امور پر تفصیلی غور کیا گیا اور فیصلہ کیا گیا کہ آئندہ ہفتے سے نئی پالیسی پر عملدرآمد شروع کر دیا جائے گا۔ وزیر اعظم نے کہا کہ عوام کی فلاح و بہبود حکومت کی اولین ترجیح ہے اور اس سلسلے میں کوئی کوتاہی برداشت نہیں کی جائے گی۔ حکومت پاکستان کی جانب سے جاری کردہ اعلامیے کے مطابق متعلقہ اداروں کو ہدایت کی گئی ہے کہ وہ فوری طور پر اقدامات کریں اور شہریوں کو درپیش مسائل کے حل کے لیے ضروری کارروائی عمل میں لائیں۔ ذرائع کے مطابق اجلاس میں مختلف امور پر تفصیلی غور کیا گیا اور فیصلہ کیا گیا کہ آئندہ ہفتے سے نئی پالیسی پر عملدرآمد شروع کر دیا جائے گا۔ وزیر اعظم نے کہا کہ عوام کی فلاح و بہبود حکومت کی اولین ترجیح ہے اور اس سلسلے میں کوئی کوتاہی برداشت نہیں کی جائے گی۔ حکومت پاکستان کی جانب سے جاری کردہ اعلامیے کے مطابق متعلقہ اداروں کو ہدایت کی گئی ہے کہ وہ فوری طور پر اقدامات کریں اور شہریوں کو درپیش مسائل کے حل کے لیے ضروری کارروائی عمل میں لائیں۔ ذرائع کے مطابق اجلاس میں مختلف امور پر تفصیلی غور کیا گیا اور فیصلہ کیا گیا کہ آئندہ ہفتے سے نئی پالیسی پر عملدرآمد شروع کر دیا جائے گا۔ وزیر اعظم نے کہا کہ عوام کی فلاح و بہبود حکومت کی اولین ترجیح ہے اور اس سلسلے میں کوئی کوتاہی برداشت نہیں کی جائے گی۔ حکومت پاکستان کی جانب سے جاری کردہ اعلامیے کے مطابق متعلقہ اداروں کو ہدایت کی گئی ہے کہ وہ فوری طور پر اقدامات کریں اور شہریوں کو درپیش مسائل کے حل کے لیے ضروری کارروائی عمل میں لائیں۔ ذرائع کے مطابق اجلاس میں مختلف امور پر تفصیلی غور کیا گیا اور فیصلہ کیا گیا کہ آئندہ ہفتے سے نئی پالیسی پر عملدرآمد شروع کر دیا جائے گا۔ وزیر اعظم نے کہا کہ عوام کی فلاح و بہبود حکومت کی اولین ترجیح ہے اور اس سلسلے میں کوئی کوتاہی برداشت نہیں کی جائے گی۔ حکومت پاکستان کی جانب سے جاری کردہ اعلامیے کے مطابق متعلقہ اداروں کو ہدایت کی گئی ہے کہ وہ فوری طور پر اقدامات کریں اور شہریوں کو درپیش مسائل کے حل کے لیے ضروری کارروائی عمل میں لائیں۔ ذرائع کے مطابق اجلاس میں مختلف امور پر تفصیلی غور کیا گیا اور فیصلہ کیا گیا کہ آئندہ ہفتے سے نئی پالیسی پر عملدرآمد شروع کر دیا جائے گا۔ وزیر اعظم نے کہا کہ عوام کی فلاح و بہبود حکومت کی اولین ترجیح ہے اور اس سلسلے میں کوئی کوتاہی برداشت نہیں کی جائے گی۔
26
خبر کا عنوان
حکومت پاکستان کی جانب سے جاری کردہ اعلامیے کے مطابق متعلقہ اداروں کو ہدایت کی گئی ہے کہ وہ فوری طور پر اقدامات کریں اور شہریوں کو درپیش مسائل کے حل کے لیے ضروری کارروائی عمل میں لائیں۔ ذرائع کے مطابق اجلاس میں مختلف امور پر تفصیلی غور کیا گیا اور فیصلہ کیا گیا کہ آئندہ ہفتے سے نئی پالیسی پر عملدرآمد شروع کر دیا جائے گا۔ وزیر اعظم نے کہا کہ عوام کی فلاح و بہبود حکومت کی اولین ترجیح ہے اور اس سلسلے میں کوئی کوتاہی برداشت نہیں کی جائے گی۔ حکومت پاکستان کی جانب سے جاری کردہ اعلامیے کے مطابق متعلقہ اداروں کو ہدایت کی گئی ہے کہ وہ فوری طور پر اقدامات کریں اور شہریوں کو درپیش مسائل کے حل کے لیے ضروری کارروائی عمل میں لائیں۔ ذرائع کے مطابق اجلاس میں مختلف امور پر تفصیلی غور کیا گیا اور فیصلہ کیا گیا کہ آئندہ ہفتے سے نئی پالیسی پر عملدرآمد شروع کر دیا جائے گا۔ وزیر اعظم نے کہا کہ عوام کی فلاح و بہبود حکومت کی اولین ترجیح ہے اور اس سلسلے میں کوئی کوتاہی برداشت نہیں کی جائے گی۔ حکومت پاکستان کی جانب سے جاری کردہ اعلامیے کے مطابق متعلقہ اداروں کو ہدایت کی گئی ہے کہ وہ فوری طور پر اقدامات کریں اور شہریوں کو درپیش مسائل کے حل کے لیے ضروری کارروائی عمل میں لائیں۔ ذرائع کے مطابق اجلاس میں مختلف امور پر تفصیلی غور کیا گیا اور فیصلہ کیا گیا کہ آئندہ ہفتے سے نئی پالیسی پر عملدرآمد شروع کر دیا جائے گا۔ وزیر اعظم نے کہا کہ عوام کی فلاح و بہبود حکومت کی اولین ترجیح ہے اور اس سلسلے میں کوئی کوتاہی برداشت نہیں کی جائے گی۔ حکومت پاکستان کی جانب سے جاری کردہ اعلامیے کے مطابق متعلقہ اداروں کو ہدایت کی گئی ہے کہ وہ فوری طور پر اقدامات کریں اور شہریوں کو درپیش مسائل کے حل کے لیے ضروری کارروائی عمل میں لائیں۔ ذرائع کے مطابق اجلاس میں مختلف امور پر تفصیلی غور کیا گیا اور فیصلہ کیا گیا کہ آئندہ ہفتے سے نئی پالیسی پر عملدرآمد شروع کر دیا جائے گا۔ وزیر اعظم نے کہا کہ عوام کی فلاح و بہبود حکومت کی اولین ترجیح ہے اور اس سلسلے میں کوئی کوتاہی برداشت نہیں کی جائے گی۔ حکومت پاکستان کی جانب سے جاری کردہ اعلامیے کے مطابق متعلقہ اداروں کو ہدایت کی گئی ہے کہ وہ فوری طور پر اقدامات کریں اور شہریوں کو درپیش مسائل کے حل کے لیے ضروری کارروائی عمل میں لائیں۔ ذرائع کے مطابق اجلاس میں مختلف امور پر تفصیلی غور کیا گیا اور فیصلہ کیا گیا کہ آئندہ ہفتے سے نئی پالیسی پر عملدرآمد شروع کر دیا جائے گا۔ وزیر اعظم نے کہا کہ عوام کی فلاح و بہبود حکومت کی اولین ترجیح ہے اور اس سلسلے میں کوئی کوتاہی برداشت نہیں کی جائے گی۔ حکومت پاکستان کی جانب سے جاری کردہ اعلامیے کے مطابق متعلقہ اداروں کو ہدایت کی گئی ہے کہ وہ فوری طور پر اقدامات کریں اور شہریوں کو درپیش مسائل کے حل کے لیے ضروری کارروائی عمل میں لائیں۔ ذرائع کے مطابق اجلاس میں مختلف امور پر تفصیلی غور کیا گیا اور فیصلہ کیا گیا کہ آئندہ ہفتے سے نئی پالیسی پر عملدرآمد شروع کر دیا جائے گا۔ وزیر اعظم نے کہا کہ عوام کی فلاح و بہبود حکومت کی اولین ترجیح ہے اور اس سلسلے میں کوئی کوتاہی برداشت نہیں کی جائے گی۔ حکومت پاکستان کی جانب سے جاری کردہ اعلامیے کے مطابق متعلقہ اداروں کو ہدایت کی گئی ہے کہ وہ فوری طور پر اقدامات کریں اور شہریوں کو درپیش مسائل کے حل کے لیے ضروری کارروائی عمل میں لائیں۔ ذرائع کے مطابق اجلاس میں مختلف امور پر تفصیلی غور کیا گیا اور فیصلہ کیا گیا کہ آئندہ ہفتے سے نئی پالیسی پر عملدرآمد شروع کر دیا جائے گا۔ وزیر اعظم نے کہا کہ عوام کی فلاح و بہبود حکومت کی اولین ترجیح ہے اور اس سلسلے میں کوئی کوتاہی برداشت نہیں کی جائے گی۔ حکومت پاکستان کی جانب سے جاری کردہ اعلامیے کے مطابق متعلقہ اداروں کو ہدایت کی گئی ہے کہ وہ فوری طور پر اقدامات کریں اور شہریوں کو درپیش مسائل کے حل کے لیے ضروری کارروائی عمل میں لائیں۔ ذرائع کے مطابق اجلاس میں مختلف امور پر تفصیلی غور کیا گیا اور فیصلہ کیا گیا کہ آئندہ ہفتے سے نئی پالیسی پر عملدرآمد شروع کر دیا جائے گا۔ وزیر اعظم نے کہا کہ عوام کی فلاح و بہبود حکومت کی اولین ترجیح ہے اور اس سلسلے میں کوئی کوتاہی برداشت نہیں کی جائے گی۔ حکومت پاکستان کی جانب سے جاری کردہ اعلامیے کے مطابق متعلقہ اداروں کو ہدایت کی گئی ہے کہ وہ فوری طور پر اقدامات کریں اور شہریوں کو درپیش مسائل کے حل کے لیے ضروری کارروائی عمل میں لائیں۔ ذرائع کے مطابق اجلاس میں مختلف امور پر تفصیلی غور کیا گیا اور فیصلہ کیا گیا کہ آئندہ ہفتے سے نئی پالیسی پر عملدرآمد شروع کر دیا جائے گا۔ وزیر اعظم نے کہا کہ عوام کی فلاح و بہبود حکومت کی اولین ترجیح ہے اور اس سلسلے میں کوئی کوتاہی برداشت نہیں کی جائے گی۔ حکومت پاکستان کی جانب سے جاری کردہ اعلامیے کے مطابق متعلقہ اداروں کو ہدایت کی گئی ہے کہ وہ فوری طور پر اقدامات کریں اور شہریوں کو درپیش مسائل کے حل کے لیے ضروری کارروائی عمل میں لائیں۔ ذرائع کے مطابق اجلاس میں مختلف امور پر تفصیلی غور کیا گیا اور فیصلہ کیا گیا کہ آئندہ ہفتے سے نئی پالیسی پر عملدرآمد شروع کر دیا جائے گا۔ وزیر اعظم نے کہا کہ عوام کی فلاح و بہبود حکومت کی اولین ترجیح ہے اور اس سلسلے میں کوئی کوتاہی برداشت نہیں کی جائے گی۔ حکومت پاکستان کی جانب سے جاری کردہ اعلامیے کے مطابق متعلقہ اداروں کو ہدایت کی گئی ہے کہ وہ فوری طور پر اقدامات کریں اور شہریوں کو درپیش مسائل کے حل کے لیے ضروری کارروائی عمل میں لائیں۔ ذرائع کے مطابق اجلاس میں مختلف امور پر تفصیلی غور کیا گیا اور فیصلہ کیا گیا کہ آئندہ ہفتے سے نئی پالیسی پر عملدرآمد شروع کر دیا جائے گا۔ وزیر اعظم نے کہا کہ عوام کی فلاح و بہبود حکومت کی اولین ترجیح ہے اور اس سلسلے میں کوئی کوتاہی برداشت نہیں کی جائے گی۔ حکومت پاکستان کی جانب سے جاری کردہ اعلامیے کے مطابق متعلقہ اداروں کو ہدایت کی گئی ہے کہ وہ فوری طور پر اقدامات کریں اور شہریوں کو درپیش مسائل کے حل کے لیے ضروری کارروائی عمل میں لائیں۔ ذرائع کے مطابق اجلاس میں مختلف امور پر تفصیلی غور کیا گیا اور فیصلہ کیا گیا کہ آئندہ ہفتے سے نئی پالیسی پر عملدرآمد شروع کر دیا جائے گا۔ وزیر اعظم نے کہا کہ عوام کی فلاح و بہبود حکومت کی اولین ترجیح ہے اور اس سلسلے میں کوئی کوتاہی برداشت نہیں کی جائے گی۔
27
خبر کا عنوان
حکومت پاکستان کی جانب سے جاری کردہ اعلامیے کے مطابق متعلقہ اداروں کو ہدایت کی گئی ہے کہ وہ فوری طور پر اقدامات کریں اور شہریوں کو درپیش مسائل کے حل کے لیے ضروری کارروائی عمل میں لائیں۔ ذرائع کے مطابق اجلاس میں مختلف امور پر تفصیلی غور کیا گیا اور فیصلہ کیا گیا کہ آئندہ ہفتے سے نئی پالیسی پر عملدرآمد شروع کر دیا جائے گا۔ وزیر اعظم نے کہا کہ عوام کی فلاح و بہبود حکومت کی اولین ترجیح ہے اور اس سلسلے میں کوئی کوتاہی برداشت نہیں کی جائے گی۔ حکومت پاکستان کی جانب سے جاری کردہ اعلامیے کے مطابق متعلقہ اداروں کو ہدایت کی گئی ہے کہ وہ فوری طور پر اقدامات کریں اور شہریوں کو درپیش مسائل کے حل کے لیے ضروری کارروائی عمل میں لائیں۔ ذرائع کے مطابق اجلاس میں مختلف امور پر تفصیلی غور کیا گیا اور فیصلہ کیا گیا کہ آئندہ ہفتے سے نئی پالیسی پر عملدرآمد شروع کر دیا جائے گا۔ وزیر اعظم نے کہا کہ عوام کی فلاح و بہبود حکومت کی اولین ترجیح ہے اور اس سلسلے میں کوئی کوتاہی برداشت نہیں کی جائے گی۔ حکومت پاکستان کی جانب سے جاری کردہ اعلامیے کے مطابق متعلقہ اداروں کو ہدایت کی گئی ہے کہ وہ فوری طور پر اقدامات کریں اور شہریوں کو درپیش مسائل کے حل کے لیے ضروری کارروائی عمل میں لائیں۔ ذرائع کے مطابق اجلاس میں مختلف امور پر تفصیلی غور کیا گیا اور فیصلہ کیا گیا کہ آئندہ ہفتے سے نئی پالیسی پر عملدرآمد شروع کر دیا جائے گا۔ وزیر اعظم نے کہا کہ عوام کی فلاح و بہبود حکومت کی اولین ترجیح ہے اور اس سلسلے میں کوئی کوتاہی برداشت نہیں کی جائے گی۔ حکومت پاکستان کی جانب سے جاری کردہ اعلامیے کے مطابق متعلقہ اداروں کو ہدایت کی گئی ہے کہ وہ فوری طور پر اقدامات کریں اور شہریوں کو درپیش مسائل کے حل کے لیے ضروری کارروائی عمل میں لائیں۔ ذرائع کے مطابق اجلاس میں مختلف امور پر تفصیلی غور کیا گیا اور فیصلہ کیا گیا کہ آئندہ ہفتے سے نئی پالیسی پر عملدرآمد شروع کر دیا جائے گا۔ وزیر اعظم نے کہا کہ عوام کی فلاح و بہبود حکومت کی اولین ترجیح ہے اور اس سلسلے میں کوئی کوتاہی برداشت نہیں کی جائے گی۔ حکومت پاکستان کی جانب سے جاری کردہ اعلامیے کے مطابق متعلقہ اداروں کو ہدایت کی گئی ہے کہ وہ فوری طور پر اقدامات کریں اور شہریوں کو درپیش مسائل کے حل کے لیے ضروری کارروائی عمل میں لائیں۔ ذرائع کے مطابق اجلاس میں مختلف امور پر تفصیلی غور کیا گیا اور فیصلہ کیا گیا کہ آئندہ ہفتے سے نئی پالیسی پر عملدرآمد شروع کر دیا جائے گا۔ وزیر اعظم نے کہا کہ عوام کی فلاح و بہبود حکومت کی اولین ترجیح ہے اور اس سلسلے میں کوئی کوتاہی برداشت نہیں کی جائے گی۔ حکومت پاکستان کی جانب سے جاری کردہ اعلامیے کے مطابق متعلقہ اداروں کو ہدایت کی گئی ہے کہ وہ فوری طور پر اقدامات کریں اور شہریوں کو درپیش مسائل کے حل کے لیے ضروری کارروائی عمل میں لائیں۔ ذرائع کے مطابق اجلاس میں مختلف امور پر تفصیلی غور کیا گیا اور فیصلہ کیا گیا کہ آئندہ ہفتے سے نئی پالیسی پر عملدرآمد شروع کر دیا جائے گا۔ وزیر اعظم نے کہا کہ عوام کی فلاح و بہبود حکومت کی اولین ترجیح ہے اور اس سلسلے میں کوئی کوتاہی برداشت نہیں کی جائے گی۔ حکومت پاکستان کی جانب سے جاری کردہ اعلامیے کے مطابق متعلقہ اداروں کو ہدایت کی گئی ہے کہ وہ فوری طور پر اقدامات کریں اور شہریوں کو درپیش مسائل کے حل کے لیے ضروری کارروائی عمل میں لائیں۔ ذرائع کے مطابق اجلاس میں مختلف امور پر تفصیلی غور کیا گیا اور فیصلہ کیا گیا کہ آئندہ ہفتے سے نئی پالیسی پر عملدرآمد شروع کر دیا جائے گا۔ وزیر اعظم نے کہا کہ عوام کی فلاح و بہبود حکومت کی اولین ترجیح ہے اور اس سلسلے میں کوئی کوتاہی برداشت نہیں کی جائے گی۔ حکومت پاکستان کی جانب سے جاری کردہ اعلامیے کے مطابق متعلقہ اداروں کو ہدایت کی گئی ہے کہ وہ فوری طور پر اقدامات کریں اور شہریوں کو درپیش مسائل کے حل کے لیے ضروری کارروائی عمل میں لائیں۔ ذرائع کے مطابق اجلاس میں مختلف امور پر تفصیلی غور کیا گیا اور فیصلہ کیا گیا کہ آئندہ ہفتے سے نئی پالیسی پر عملدرآمد شروع کر دیا جائے گا۔ وزیر اعظم نے کہا کہ عوام کی فلاح و بہبود حکومت کی اولین ترجیح ہے اور اس سلسلے میں کوئی کوتاہی برداشت نہیں کی جائے گی۔ حکومت پاکستان کی جانب سے جاری کردہ اعلامیے کے مطابق متعلقہ اداروں کو ہدایت کی گئی ہے کہ وہ فوری طور پر اقدامات کریں اور شہریوں کو درپیش مسائل کے حل کے لیے ضروری کارروائی عمل میں لائیں۔ ذرائع کے مطابق اجلاس میں مختلف امور پر تفصیلی غور کیا گیا اور فیصلہ کیا گیا کہ آئندہ ہفتے سے نئی پالیسی پر عملدرآمد شروع کر دیا جائے گا۔ وزیر اعظم نے کہا کہ عوام کی فلاح و بہبود حکومت کی اولین ترجیح ہے اور اس سلسلے میں کوئی کوتاہی برداشت نہیں کی جائے گی۔ حکومت پاکستان کی جانب سے جاری کردہ اعلامیے کے مطابق متعلقہ اداروں کو ہدایت کی گئی ہے کہ وہ فوری طور پر اقدامات کریں اور شہریوں کو درپیش مسائل کے حل کے لیے ضروری کارروائی عمل میں لائیں۔ ذرائع کے مطابق اجلاس میں مختلف امور پر تفصیلی غور کیا گیا اور فیصلہ کیا گیا کہ آئندہ ہفتے سے نئی پالیسی پر عملدرآمد شروع کر دیا جائے گا۔ وزیر اعظم نے کہا کہ عوام کی فلاح و بہبود حکومت کی اولین ترجیح ہے اور اس سلسلے میں کوئی کوتاہی برداشت نہیں کی جائے گی۔ حکومت پاکستان کی جانب سے جاری کردہ اعلامیے کے مطابق متعلقہ اداروں کو ہدایت کی گئی ہے کہ وہ فوری طور پر اقدامات کریں اور شہریوں کو درپیش مسائل کے حل کے لیے ضروری کارروائی عمل میں لائیں۔ ذرائع کے مطابق اجلاس میں مختلف امور پر تفصیلی غور کیا گیا اور فیصلہ کیا گیا کہ آئندہ ہفتے سے نئی پالیسی پر عملدرآمد شروع کر دیا جائے گا۔ وزیر اعظم نے کہا کہ عوام کی فلاح و بہبود حکومت کی اولین ترجیح ہے اور اس سلسلے میں کوئی کوتاہی برداشت نہیں کی جائے گی۔ حکومت پاکستان کی جانب سے جاری کردہ اعلامیے کے مطابق متعلقہ
30
خبر کا عنوان
حکومت پاکستان کی جانب سے جاری کردہ اعلامیے کے مطابق متعلقہ اداروں کو ہدایت کی گئی ہے کہ وہ فوری طور پر اقدامات کریں اور شہریوں کو درپیش مسائل کے حل کے لیے ضروری کارروائی عمل میں لائیں۔ ذرائع کے مطابق اجلاس میں مختلف امور پر تفصیلی غور کیا گیا اور فیصلہ کیا گیا کہ آئندہ ہفتے سے نئی پالیسی پر عملدرآمد شروع کر دیا جائے گا۔ وزیر اعظم نے کہا کہ عوام کی فلاح و بہبود حکومت کی اولین ترجیح ہے اور اس سلسلے میں کوئی کوتاہی برداشت نہیں کی جائے گی۔ حکومت پاکستان کی جانب سے جاری کردہ اعلامیے کے مطابق متعلقہ اداروں کو ہدایت کی گئی ہے کہ وہ فوری طور پر اقدامات کریں اور شہریوں کو درپیش مسائل کے حل کے لیے ضروری کارروائی عمل میں لائیں۔ ذرائع کے مطابق اجلاس میں مختلف امور پر تفصیلی غور کیا گیا اور فیصلہ کیا گیا کہ آئندہ ہفتے سے نئی پالیسی پر عملدرآمد شروع کر دیا جائے گا۔ وزیر اعظم نے کہا کہ عوام کی فلاح و بہبود حکومت کی اولین ترجیح ہے اور اس سلسلے میں کوئی کوتاہی برداشت نہیں کی جائے گی۔ حکومت پاکستان کی جانب سے جاری کردہ اعلامیے کے مطابق متعلقہ اداروں کو ہدایت کی گئی ہے کہ وہ فوری طور پر اقدامات کریں اور شہریوں کو درپیش مسائل کے حل کے لیے ضروری کارروائی عمل میں لائیں۔ ذرائع کے مطابق اجلاس میں مختلف امور پر تفصیلی غور کیا گیا اور فیصلہ کیا گیا کہ آئندہ ہفتے سے نئی پالیسی پر عملدرآمد شروع کر دیا جائے گا۔ وزیر اعظم نے کہا کہ عوام کی فلاح و بہبود حکومت کی اولین ترجیح ہے اور اس سلسلے میں کوئی کوتاہی برداشت نہیں کی جائے گی۔ حکومت پاکستان کی جانب سے جاری کردہ اعلامیے کے مطابق متعلقہ اداروں کو ہدایت کی گئی ہے کہ وہ فوری طور پر اقدامات کریں اور شہریوں کو درپیش مسائل کے حل کے لیے ضروری کارروائی عمل میں لائیں۔ ذرائع کے مطابق اجلاس میں مختلف امور پر تفصیلی غور کیا گیا اور فیصلہ کیا گیا کہ آئندہ ہفتے سے نئی پالیسی پر عملدرآمد شروع کر دیا جائے گا۔ وزیر اعظم نے کہا کہ عوام کی فلاح و بہبود حکومت کی اولین ترجیح ہے اور اس سلسلے میں کوئی کوتاہی برداشت نہیں کی جائے گی۔ حکومت پاکستان کی جانب سے جاری کردہ اعلامیے کے مطابق متعلقہ اداروں کو ہدایت کی گئی ہے کہ وہ فوری طور پر اقدامات کریں اور شہریوں کو درپیش مسائل کے حل کے لیے ضروری کارروائی عمل میں لائیں۔ ذرائع کے مطابق اجلاس میں مختلف امور پر تفصیلی غور کیا گیا اور فیصلہ کیا گیا کہ آئندہ ہفتے سے نئی پالیسی پر عملدرآمد شروع کر دیا جائے گا۔ وزیر اعظم نے کہا کہ عوام کی فلاح و بہبود حکومت کی اولین ترجیح ہے اور اس سلسلے میں کوئی کوتاہی برداشت نہیں کی جائے گی۔ حکومت پاکستان کی جانب سے جاری کردہ اعلامیے کے مطابق متعلقہ اداروں کو ہدایت کی گئی ہے کہ وہ فوری طور پر اقدامات کریں اور شہریوں کو درپیش مسائل کے حل کے لیے ضروری کارروائی عمل میں لائیں۔ ذرائع کے مطابق اجلاس میں مختلف امور پر تفصیلی غور کیا گیا اور فیصلہ کیا گیا کہ آئندہ ہفتے سے نئی پالیسی پر عملدرآمد شروع کر دیا جائے گا۔ وزیر اعظم نے کہا کہ عوام کی فلاح و بہبود حکومت کی اولین ترجیح ہے اور اس سلسلے میں کوئی کوتاہی برداشت نہیں کی جائے گی۔ حکومت پاکستان کی جانب سے جاری کردہ اعلامیے کے مطابق متعلقہ اداروں کو ہدایت کی گئی ہے کہ وہ فوری طور پر اقدامات کریں اور شہریوں کو درپیش مسائل کے حل کے لیے ضروری کارروائی عمل میں لائیں۔ ذرائع کے مطابق اجلاس میں مختلف امور پر تفصیلی غور کیا گیا اور فیصلہ کیا گیا کہ آئندہ ہفتے سے نئی پالیسی پر عملدرآمد شروع کر دیا جائے گا۔ وزیر اعظم نے کہا کہ عوام کی فلاح و بہبود حکومت کی اولین ترجیح ہے اور اس سلسلے میں کوئی کوتاہی برداشت نہیں کی جائے گی۔ حکومت پاکستان کی جانب سے جاری کردہ اعلامیے کے مطابق متعلقہ اداروں کو ہدایت کی گئی ہے کہ وہ فوری طور پر اقدامات کریں اور شہریوں کو درپیش مسائل کے حل کے لیے ضروری کارروائی عمل میں لائیں۔ ذرائع کے مطابق اجلاس میں مختلف امور پر تفصیلی غور کیا گیا اور فیصلہ کیا گیا کہ آئندہ ہفتے سے نئی پالیسی پر عملدرآمد شروع کر دیا جائے گا۔ وزیر اعظم نے کہا کہ عوام کی فلاح و بہبود حکومت کی اولین ترجیح ہے اور اس سلسلے میں کوئی کوتاہی برداشت نہیں کی جائے گی۔ حکومت پاکستان کی جانب سے جاری کردہ اعلامیے کے مطابق متعلقہ اداروں کو ہدایت کی گئی ہے کہ وہ فوری طور پر اقدامات کریں اور شہریوں کو درپیش مسائل کے حل کے لیے ضروری کارروائی عمل میں لائیں۔ ذرائع کے مطابق اجلاس میں مختلف امور پر تفصیلی غور کیا گیا اور فیصلہ کیا گیا کہ آئندہ ہفتے سے نئی پالیسی پر عملدرآمد شروع کر دیا جائے گا۔ وزیر اعظم نے کہا کہ عوام کی فلاح و بہبود حکومت کی اولین ترجیح ہے اور اس سلسلے میں کوئی کوتاہی برداشت نہیں کی جائے گی۔ حکومت پاکستان کی جانب سے جاری کردہ اعلامیے کے مطابق متعلقہ اداروں کو ہدایت کی گئی ہے کہ وہ فوری طور پر اقدامات کریں اور شہریوں کو درپیش مسائل کے حل کے لیے ضروری کارروائی عمل میں لائیں۔ ذرائع کے مطابق اجلاس میں مختلف امور پر تفصیلی غور کیا گیا اور فیصلہ کیا گیا کہ آئندہ ہفتے سے نئی پالیسی پر عملدرآمد شروع کر دیا جائے گا۔ وزیر اعظم نے کہا کہ عوام کی فلاح و بہبود حکومت کی اولین ترجیح ہے اور اس سلسلے میں کوئی کوتاہی برداشت نہیں کی جائے گی۔ حکومت پاکستان کی جانب سے جاری کردہ اعلامیے کے مطابق متعلقہ اداروں کو ہدایت کی گئی ہے کہ وہ فوری طور پر اقدامات کریں اور شہریوں کو درپیش مسائل کے حل کے لیے ضروری کارروائی عمل میں لائیں۔ ذرائع کے مطابق اجلاس میں مختلف امور پر تفصیلی غور کیا گیا اور فیصلہ کیا گیا کہ آئندہ ہفتے سے نئی پالیسی پر عملدرآمد شروع کر دیا جائے گا۔ وزیر اعظم نے کہا کہ عوام کی فلاح و بہبود حکومت کی اولین ترجیح ہے اور اس سلسلے میں کوئی کوتاہی برداشت نہیں کی جائے گی۔ حکومت پاکستان کی جانب سے جاری کردہ اعلامیے کے مطابق متعلقہ اداروں کو ہدایت کی گئی ہے کہ وہ فوری طور پر اقدامات کریں اور شہریوں کو درپیش مسائل کے حل کے لیے ضروری کارروائی عمل میں لائیں۔ ذرائع کے مطابق اجلاس میں مختلف امور پر تفصیلی غور کیا گیا اور فیصلہ کیا گیا کہ آئندہ ہفتے سے نئی پالیسی پر عملدرآمد شروع کر دیا جائے گا۔ وزیر اعظم نے کہا کہ عوام کی فلاح و بہبود حکومت کی اولین ترجیح ہے اور اس سلسلے میں کوئی کوتاہی برداشت نہیں کی جائے گی۔
31
خبر کا عنوان
حکومت پاکستان کی جانب سے جاری کردہ اعلامیے کے مطابق متعلقہ اداروں کو ہدایت کی گئی ہے کہ وہ فوری طور پر اقدامات کریں اور شہریوں کو درپیش مسائل کے حل کے لیے ضروری کارروائی عمل میں لائیں۔ ذرائع کے مطابق اجلاس میں مختلف امور پر تفصیلی غور کیا گیا اور فیصلہ کیا گیا کہ آئندہ ہفتے سے نئی پالیسی پر عملدرآمد شروع کر دیا جائے گا۔ وزیر اعظم نے کہا کہ عوام کی فلاح و بہبود حکومت کی اولین ترجیح ہے اور اس سلسلے میں کوئی کوتاہی برداشت نہیں کی جائے گی۔ حکومت پاکستان کی جانب سے جاری کردہ اعلامیے کے مطابق متعلقہ اداروں کو ہدایت کی گئی ہے کہ وہ فوری طور پر اقدامات کریں اور شہریوں کو درپیش مسائل کے حل کے لیے ضروری کارروائی عمل میں لائیں۔ ذرائع کے مطابق اجلاس میں مختلف امور پر تفصیلی غور کیا گیا اور فیصلہ کیا گیا کہ آئندہ ہفتے سے نئی پالیسی پر عملدرآمد شروع کر دیا جائے گا۔ وزیر اعظم نے کہا کہ عوام کی فلاح و بہبود حکومت کی اولین ترجیح ہے اور اس سلسلے میں کوئی کوتاہی برداشت نہیں کی جائے گی۔ حکومت پاکستان کی جانب سے جاری کردہ اعلامیے کے مطابق متعلقہ اداروں کو ہدایت کی گئی ہے کہ وہ فوری طور پر اقدامات کریں اور شہریوں کو درپیش مسائل کے حل کے لیے ضروری کارروائی عمل میں لائیں۔ ذرائع کے مطابق اجلاس میں مختلف امور پر تفصیلی غور کیا گیا اور فیصلہ کیا گیا کہ آئندہ ہفتے سے نئی پالیسی پر عملدرآمد شروع کر دیا جائے گا۔ وزیر اعظم نے کہا کہ عوام کی فلاح و بہبود حکومت کی اولین ترجیح ہے اور اس سلسلے میں کوئی کوتاہی برداشت نہیں کی جائے گی۔ حکومت پاکستان کی جانب سے جاری کردہ اعلامیے کے مطابق متعلقہ اداروں کو ہدایت کی گئی ہے کہ وہ فوری طور پر اقدامات کریں اور شہریوں کو درپیش مسائل کے حل کے لیے ضروری کارروائی عمل میں لائیں۔ ذرائع کے مطابق اجلاس میں مختلف امور پر تفصیلی غور کیا گیا اور فیصلہ کیا گیا کہ آئندہ ہفتے سے نئی پالیسی پر عملدرآمد شروع کر دیا جائے گا۔ وزیر اعظم نے کہا کہ عوام کی فلاح و بہبود حکومت کی اولین ترجیح ہے اور اس سلسلے میں کوئی کوتاہی برداشت نہیں کی جائے گی۔ حکومت پاکستان کی جانب سے جاری کردہ اعلامیے کے مطابق متعلقہ اداروں کو ہدایت کی گئی ہے کہ وہ فوری طور پر اقدامات کریں اور شہریوں کو درپیش مسائل کے حل کے لیے ضروری کارروائی عمل میں لائیں۔ ذرائع کے مطابق اجلاس میں مختلف امور پر تفصیلی غور کیا گیا اور فیصلہ کیا گیا کہ آئندہ ہفتے سے نئی پالیسی پر عملدرآمد شروع کر دیا جائے گا۔ وزیر اعظم نے کہا کہ عوام کی فلاح و بہبود حکومت کی اولین ترجیح ہے اور اس سلسلے میں کوئی کوتاہی برداشت نہیں کی جائے گی۔ حکومت پاکستان کی جانب سے جاری کردہ اعلامیے کے مطابق متعلقہ اداروں کو ہدایت کی گئی ہے کہ وہ فوری طور پر اقدامات کریں اور شہریوں کو درپیش مسائل کے حل کے لیے ضروری کارروائی عمل میں لائیں۔ ذرائع کے مطابق اجلاس میں مختلف امور پر تفصیلی غور کیا گیا اور فیصلہ کیا گیا کہ آئندہ ہفتے سے نئی پالیسی پر عملدرآمد شروع کر دیا جائے گا۔ وزیر اعظم نے کہا کہ عوام کی فلاح و بہبود حکومت کی اولین ترجیح ہے اور اس سلسلے میں کوئی کوتاہی برداشت نہیں کی جائے گی۔ حکومت پاکستان کی جانب سے جاری کردہ اعلامیے کے مطابق متعلقہ اداروں کو ہدایت کی گئی ہے کہ وہ فوری طور پر اقدامات کریں اور شہریوں کو درپیش مسائل کے حل کے لیے ضروری کارروائی عمل میں لائیں۔ ذرائع کے مطابق اجلاس میں مختلف امور پر تفصیلی غور کیا گیا اور فیصلہ کیا گیا کہ آئندہ ہفتے سے نئی پالیسی پر عملدرآمد شروع کر دیا جائے گا۔ وزیر اعظم نے کہا کہ عوام کی فلاح و بہبود حکومت کی اولین ترجیح ہے اور اس سلسلے میں کوئی کوتاہی برداشت نہیں کی جائے گی۔ حکومت پاکستان کی جانب سے جاری کردہ اعلامیے کے مطابق متعلقہ اداروں کو ہدایت کی گئی ہے کہ وہ فوری طور پر اقدامات کریں اور شہریوں کو درپیش مسائل کے حل کے لیے ضروری کارروائی عمل میں لائیں۔ ذرائع کے مطابق اجلاس میں مختلف امور پر تفصیلی غور کیا گیا اور فیصلہ کیا گیا کہ آئندہ ہفتے سے نئی پالیسی پر عملدرآمد شروع کر دیا جائے گا۔ وزیر اعظم نے کہا کہ عوام کی فلاح و بہبود حکومت کی اولین ترجیح ہے اور اس سلسلے میں کوئی کوتاہی برداشت نہیں کی جائے گی۔ حکومت پاکستان کی جانب سے جاری کردہ اعلامیے کے مطابق متعلقہ اداروں کو ہدایت کی گئی ہے کہ وہ فوری طور پر اقدامات کریں اور شہریوں کو درپیش مسائل کے حل کے لیے ضروری کارروائی عمل میں لائیں۔ ذرائع کے مطابق اجلاس میں مختلف امور پر تفصیلی غور کیا گیا اور فیصلہ کیا گیا کہ آئندہ ہفتے سے نئی پالیسی پر عملدرآمد شروع کر دیا جائے گا۔ وزیر اعظم نے کہا کہ عوام کی فلاح و بہبود حکومت کی اولین ترجیح ہے اور اس سلسلے میں کوئی کوتاہی برداشت نہیں کی جائے گی۔ حکومت پاکستان کی جانب سے جاری کردہ اعلامیے کے مطابق متعلقہ اداروں کو ہدایت کی گئی ہے کہ وہ فوری طور پر اقدامات کریں اور شہریوں کو درپیش مسائل کے حل کے لیے ضروری کارروائی عمل میں لائیں۔ ذرائع کے مطابق اجلاس میں مختلف امور پر تفصیلی غور کیا گیا اور فیصلہ کیا گیا کہ آئندہ ہفتے سے نئی پالیسی پر عملدرآمد شروع کر دیا جائے گا۔ وزیر اعظم نے کہا کہ عوام کی فلاح و بہبود حکومت کی اولین ترجیح ہے اور اس سلسلے میں کوئی کوتاہی برداشت نہیں کی جائے گی۔ حکومت پاکستان کی جانب سے جاری کردہ اعلامیے کے مطابق متعلقہ اداروں کو ہدایت کی گئی ہے کہ وہ فوری طور پر اقدامات کریں اور شہریوں کو درپیش مسائل کے حل کے لیے ضروری کارروائی عمل میں لائیں۔ ذرائع کے مطابق اجلاس میں مختلف امور پر تفصیلی غور کیا گیا اور فیصلہ کیا گیا کہ آئندہ ہفتے سے نئی پالیسی پر عملدرآمد شروع کر دیا جائے گا۔ وزیر اعظم نے کہا کہ عوام کی فلاح و بہبود حکومت کی اولین ترجیح ہے اور اس سلسلے میں کوئی کوتاہی برداشت نہیں کی جائے گی۔ حکومت پاکستان کی جانب سے جاری کردہ اعلامیے کے مطابق متعلقہ اداروں کو ہدایت کی گئی ہے کہ وہ فوری طور پر اقدامات کریں اور شہریوں کو درپیش مسائل کے حل کے لیے ضروری کارروائی عمل میں لائیں۔ ذرائع کے مطابق اجلاس میں مختلف امور پر تفصیلی غور کیا گیا اور فیصلہ کیا گیا کہ آئندہ ہفتے سے نئی پالیسی پر عملدرآمد شروع کر دیا جائے گا۔ وزیر اعظم نے کہا کہ عوام کی فلاح و بہبود حکومت کی اولین ترجیح ہے اور اس سلسلے میں کوئی کوتاہی برداشت نہیں کی جائے گی۔
32
خبر کا عنوان
حکومت پاکستان کی جانب سے جاری کردہ اعلامیے کے مطابق متعلقہ اداروں کو ہدایت کی گئی ہے کہ وہ فوری طور پر اقدامات کریں اور شہریوں کو درپیش مسائل کے حل کے لیے ضروری کارروائی عمل میں لائیں۔ ذرائع کے مطابق اجلاس میں مختلف امور پر تفصیلی غور کیا گیا اور فیصلہ کیا گیا کہ آئندہ ہفتے سے نئی پالیسی پر عملدرآمد شروع کر دیا جائے گا۔ وزیر اعظم نے کہا کہ عوام کی فلاح و بہبود حکومت کی اولین ترجیح ہے اور اس سلسلے میں کوئی کوتاہی برداشت نہیں کی جائے گی۔ حکومت پاکستان کی جانب سے جاری کردہ اعلامیے کے مطابق متعلقہ اداروں کو ہدایت کی گئی ہے کہ وہ فوری طور پر اقدامات کریں اور شہریوں کو درپیش مسائل کے حل کے لیے ضروری کارروائی عمل میں لائیں۔ ذرائع کے مطابق اجلاس میں مختلف امور پر تفصیلی غور کیا گیا اور فیصلہ کیا گیا کہ آئندہ ہفتے سے نئی پالیسی پر عملدرآمد شروع کر دیا جائے گا۔ وزیر اعظم نے کہا کہ عوام کی فلاح و بہبود حکومت کی اولین ترجیح ہے اور اس سلسلے میں کوئی کوتاہی برداشت نہیں کی جائے گی۔ حکومت پاکستان کی جانب سے جاری کردہ اعلامیے کے مطابق متعلقہ اداروں کو ہدایت کی گئی ہے کہ وہ فوری طور پر اقدامات کریں اور شہریوں کو درپیش مسائل کے حل کے لیے ضروری کارروائی عمل میں لائیں۔ ذرائع کے مطابق اجلاس میں مختلف امور پر تفصیلی غور کیا گیا اور فیصلہ کیا گیا کہ آئندہ ہفتے سے نئی پالیسی پر عملدرآمد شروع کر دیا جائے گا۔ وزیر اعظم نے کہا کہ عوام کی فلاح و بہبود حکومت کی اولین ترجیح ہے اور اس سلسلے میں کوئی کوتاہی برداشت نہیں کی جائے گی۔ حکومت پاکستان کی جانب سے جاری کردہ اعلامیے کے مطابق متعلقہ اداروں کو ہدایت کی گئی ہے کہ وہ فوری طور پر اقدامات کریں اور شہریوں کو درپیش مسائل کے حل کے لیے ضروری کارروائی عمل میں لائیں۔ ذرائع کے مطابق اجلاس میں مختلف امور پر تفصیلی غور کیا گیا اور فیصلہ کیا گیا کہ آئندہ ہفتے سے نئی پالیسی پر عملدرآمد شروع کر دیا جائے گا۔ وزیر اعظم نے کہا کہ عوام کی فلاح و بہبود حکومت کی اولین ترجیح ہے اور اس سلسلے میں کوئی کوتاہی برداشت نہیں کی جائے گی۔ حکومت پاکستان کی جانب سے جاری کردہ اعلامیے کے مطابق متعلقہ اداروں کو ہدایت کی گئی ہے کہ وہ فوری طور پر اقدامات کریں اور شہریوں کو درپیش مسائل کے حل کے لیے ضروری کارروائی عمل میں لائیں۔ ذرائع کے مطابق اجلاس میں مختلف امور پر تفصیلی غور کیا گیا اور فیصلہ کیا گیا کہ آئندہ ہفتے سے نئی پالیسی پر عملدرآمد شروع کر دیا جائے گا۔ وزیر اعظم نے کہا کہ عوام کی فلاح و بہبود حکومت کی اولین ترجیح ہے اور اس سلسلے میں کوئی کوتاہی برداشت نہیں کی جائے گی۔ حکومت پاکستان کی جانب سے جاری کردہ اعلامیے کے مطابق متعلقہ اداروں کو ہدایت کی گئی ہے کہ وہ فوری طور پر اقدامات کریں اور شہریوں کو درپیش مسائل کے حل کے لیے ضروری کارروائی عمل میں لائیں۔ ذرائع کے مطابق اجلاس میں مختلف امور پر تفصیلی غور کیا گیا اور فیصلہ کیا گیا کہ آئندہ ہفتے سے نئی پالیسی پر عملدرآمد شروع کر دیا جائے گا۔ وزیر اعظم نے کہا کہ عوام کی فلاح و بہبود حکومت کی اولین ترجیح ہے اور اس سلسلے میں کوئی کوتاہی برداشت نہیں کی جائے گی۔ حکومت پاکستان کی جانب سے جاری کردہ اعلامیے کے مطابق متعلقہ اداروں کو ہدایت کی گئی ہے کہ وہ فوری طور پر اقدامات کریں اور شہریوں کو درپیش مسائل کے حل کے لیے ضروری کارروائی عمل میں لائیں۔ ذرائع کے مطابق اجلاس میں مختلف امور پر تفصیلی غور کیا گیا اور فیصلہ کیا گیا کہ آئندہ ہفتے سے نئی پالیسی پر عملدرآمد شروع کر دیا جائے گا۔ وزیر اعظم نے کہا کہ عوام کی فلاح و بہبود حکومت کی اولین ترجیح ہے اور اس سلسلے میں کوئی کوتاہی برداشت نہیں کی جائے گی۔ حکومت پاکستان کی جانب سے جاری کردہ اعلامیے کے مطابق متعلقہ اداروں کو ہدایت کی گئی ہے کہ وہ فوری طور پر اقدامات کریں اور شہریوں کو درپیش مسائل کے حل کے لیے ضروری کارروائی عمل میں لائیں۔ ذرائع کے مطابق اجلاس میں مختلف امور پر تفصیلی غور کیا گیا اور فیصلہ کیا گیا کہ آئندہ ہفتے سے نئی پالیسی پر عملدرآمد شروع کر دیا جائے گا۔ وزیر اعظم نے کہا کہ عوام کی فلاح و بہبود حکومت کی اولین ترجیح ہے اور اس سلسلے میں کوئی کوتاہی برداشت نہیں کی جائے گی۔ حکومت پاکستان کی جانب سے جاری کردہ اعلامیے کے مطابق متعلقہ اداروں کو ہدایت کی گئی ہے کہ وہ فوری طور پر اقدامات کریں اور شہریوں کو درپیش مسائل کے حل کے لیے ضروری کارروائی عمل میں لائیں۔ ذرائع کے مطابق اجلاس میں مختلف امور پر تفصیلی غور کیا گیا اور فیصلہ کیا گیا کہ آئندہ ہفتے سے نئی پالیسی پر عملدرآمد شروع کر دیا جائے گا۔ وزیر اعظم نے کہا کہ عوام کی فلاح و بہبود حکومت کی اولین ترجیح ہے اور اس سلسلے میں کوئی کوتاہی برداشت نہیں کی جائے گی۔ حکومت پاکستان کی جانب سے جاری کردہ اعلامیے کے مطابق متعلقہ اداروں کو ہدایت کی گئی ہے کہ وہ فوری طور پر اقدامات کریں اور شہریوں کو درپیش مسائل کے حل کے لیے ضروری کارروائی عمل میں لائیں۔ ذرائع کے مطابق اجلاس میں مختلف امور پر تفصیلی غور کیا گیا اور فیصلہ کیا گیا کہ آئندہ ہفتے سے نئی پالیسی پر عملدرآمد شروع کر دیا جائے گا۔ وزیر اعظم نے کہا کہ عوام کی فلاح و بہبود حکومت کی اولین ترجیح ہے اور اس سلسلے میں کوئی کوتاہی برداشت نہیں کی جائے گی۔ حکومت پاکستان کی جانب سے جاری کردہ اعلامیے کے مطابق متعلقہ اداروں کو ہدایت کی گئی ہے کہ وہ فوری طور پر اقدامات کریں اور شہریوں کو درپیش مسائل کے حل کے لیے ضروری کارروائی عمل میں لائیں۔ ذرائع کے مطابق اجلاس میں مختلف امور پر تفصیلی غور کیا گیا اور فیصلہ کیا گیا کہ آئندہ ہفتے سے نئی پالیسی پر عملدرآمد شروع کر دیا جائے گا۔ وزیر اعظم نے کہا کہ عوام کی فلاح و بہبود حکومت کی اولین ترجیح ہے اور اس سلسلے میں کوئی کوتاہی برداشت نہیں کی جائے گی۔ حکومت پاکستان کی جانب سے جاری کردہ اعلامیے کے مطابق متعلقہ اداروں کو ہدایت کی گئی ہے کہ وہ فوری طور پر اقدامات کریں اور شہریوں کو درپیش مسائل کے حل کے لیے ضروری کارروائی عمل میں لائیں۔ ذرائع کے مطابق اجلاس میں مختلف امور پر تفصیلی غور کیا گیا اور فیصلہ کیا گیا کہ آئندہ ہفتے سے نئی پالیسی پر عملدرآمد شروع کر دیا جائے گا۔ وزیر اعظم نے کہا کہ عوام کی فلاح و بہبود حکومت کی اولین ترجیح ہے اور اس سلسلے میں کوئی کوتاہی برداشت نہیں کی جائے گی۔
33
خبر کا عنوان
حکومت پاکستان کی جانب سے جاری کردہ اعلامیے کے مطابق متعلقہ اداروں کو ہدایت کی گئی ہے کہ وہ فوری طور پر اقدامات کریں اور شہریوں کو درپیش مسائل کے حل کے لیے ضروری کارروائی عمل میں لائیں۔ ذرائع کے مطابق اجلاس میں مختلف امور پر تفصیلی غور کیا گیا اور فیصلہ کیا گیا کہ آئندہ ہفتے سے نئی پالیسی پر عملدرآمد شروع کر دیا جائے گا۔ وزیر اعظم نے کہا کہ عوام کی فلاح و بہبود حکومت کی اولین ترجیح ہے اور اس سلسلے میں کوئی کوتاہی برداشت نہیں کی جائے گی۔ حکومت پاکستان کی جانب سے جاری کردہ اعلامیے کے مطابق متعلقہ اداروں کو ہدایت کی گئی ہے کہ وہ فوری طور پر اقدامات کریں اور شہریوں کو درپیش مسائل کے حل کے لیے ضروری کارروائی عمل میں لائیں۔ ذرائع کے مطابق اجلاس میں مختلف امور پر تفصیلی غور کیا گیا اور فیصلہ کیا گیا کہ آئندہ ہفتے سے نئی پالیسی پر عملدرآمد شروع کر دیا جائے گا۔ وزیر اعظم نے کہا کہ عوام کی فلاح و بہبود حکومت کی اولین ترجیح ہے اور اس سلسلے میں کوئی کوتاہی برداشت نہیں کی جائے گی۔ حکومت پاکستان کی جانب سے جاری کردہ اعلامیے کے مطابق متعلقہ اداروں کو ہدایت کی گئی ہے کہ وہ فوری طور پر اقدامات کریں اور شہریوں کو درپیش مسائل کے حل کے لیے ضروری کارروائی عمل میں لائیں۔ ذرائع کے مطابق اجلاس میں مختلف امور پر تفصیلی غور کیا گیا اور فیصلہ کیا گیا کہ آئندہ ہفتے سے نئی پالیسی پر عملدرآمد شروع کر دیا جائے گا۔ وزیر اعظم نے کہا کہ عوام کی فلاح و بہبود حکومت کی اولین ترجیح ہے اور اس سلسلے میں کوئی کوتاہی برداشت نہیں کی جائے گی۔ حکومت پاکستان کی جانب سے جاری کردہ اعلامیے کے مطابق متعلقہ اداروں کو ہدایت کی گئی ہے کہ وہ فوری طور پر اقدامات کریں اور شہریوں کو درپیش مسائل کے حل کے لیے ضروری کارروائی عمل میں لائیں۔ ذرائع کے مطابق اجلاس میں مختلف امور پر تفصیلی غور کیا گیا اور فیصلہ کیا گیا کہ آئندہ ہفتے سے نئی پالیسی پر عملدرآمد شروع کر دیا جائے گا۔ وزیر اعظم نے کہا کہ عوام کی فلاح و بہبود حکومت کی اولین ترجیح ہے اور اس سلسلے میں کوئی کوتاہی برداشت نہیں کی جائے گی۔ حکومت پاکستان کی جانب سے جاری کردہ اعلامیے کے مطابق متعلقہ اداروں کو ہدایت کی گئی ہے کہ وہ فوری طور پر اقدامات کریں اور شہریوں کو درپیش مسائل کے حل کے لیے ضروری کارروائی عمل میں لائیں۔ ذرائع کے مطابق اجلاس میں مختلف امور پر تفصیلی غور کیا گیا اور فیصلہ کیا گیا کہ آئندہ ہفتے سے نئی پالیسی پر عملدرآمد شروع کر دیا جائے گا۔ وزیر اعظم نے کہا کہ عوام کی فلاح و بہبود حکومت کی اولین ترجیح ہے اور اس سلسلے میں کوئی کوتاہی برداشت نہیں کی جائے گی۔ حکومت پاکستان کی جانب سے جاری کردہ اعلامیے کے مطابق متعلقہ اداروں کو ہدایت کی گئی ہے کہ وہ فوری طور پر اقدامات کریں اور شہریوں کو درپیش مسائل کے حل کے لیے ضروری کارروائی عمل میں لائیں۔ ذرائع کے مطابق اجلاس میں مختلف امور پر تفصیلی غور کیا گیا اور فیصلہ کیا گیا کہ آئندہ ہفتے سے نئی پالیسی پر عملدرآمد شروع کر دیا جائے گا۔ وزیر اعظم نے کہا کہ عوام کی فلاح و بہبود حکومت کی اولین ترجیح ہے اور اس سلسلے میں کوئی کوتاہی برداشت نہیں کی جائے گی۔ حکومت پاکستان کی جانب سے جاری کردہ اعلامیے کے مطابق متعلقہ اداروں کو ہدایت کی گئی ہے کہ وہ فوری طور پر اقدامات کریں اور شہریوں کو درپیش مسائل کے حل کے لیے ضروری کارروائی عمل میں لائیں۔ ذرائع کے مطابق اجلاس میں مختلف امور پر تفصیلی غور کیا گیا اور فیصلہ کیا گیا کہ آئندہ ہفتے سے نئی پالیسی پر عملدرآمد شروع کر دیا جائے گا۔ وزیر اعظم نے کہا کہ عوام کی فلاح و بہبود حکومت کی اولین ترجیح ہے اور اس سلسلے میں کوئی کوتاہی برداشت نہیں کی جائے گی۔ حکومت پاکستان کی جانب سے جاری کردہ اعلامیے کے مطابق متعلقہ اداروں کو ہدایت کی گئی ہے کہ وہ فوری طور پر اقدامات کریں اور شہریوں کو درپیش مسائل کے حل کے لیے ضروری کارروائی عمل میں لائیں۔ ذرائع کے مطابق اجلاس میں مختلف امور پر تفصیلی غور کیا گیا اور فیصلہ کیا گیا کہ آئندہ ہفتے سے نئی پالیسی پر عملدرآمد شروع کر دیا جائے گا۔ وزیر اعظم نے کہا کہ عوام کی فلاح و بہبود حکومت کی اولین ترجیح ہے اور اس سلسلے میں کوئی کوتاہی برداشت نہیں کی جائے گی۔ حکومت پاکستان کی جانب سے جاری کردہ اعلامیے کے مطابق متعلقہ اداروں کو ہدایت کی گئی ہے کہ وہ فوری طور پر اقدامات کریں اور شہریوں کو درپیش مسائل کے حل کے لیے ضروری کارروائی عمل میں لائیں۔ ذرائع کے مطابق اجلاس میں مختلف امور پر تفصیلی غور کیا گیا اور فیصلہ کیا گیا کہ آئندہ ہفتے سے نئی پالیسی پر عملدرآمد شروع کر دیا جائے گا۔ وزیر اعظم نے کہا کہ عوام کی فلاح و بہبود حکومت کی اولین ترجیح ہے اور اس سلسلے میں کوئی کوتاہی برداشت نہیں کی جائے گی۔ حکومت پاکستان کی جانب سے جاری کردہ اعلامیے کے مطابق متعلقہ اداروں کو ہدایت کی گئی ہے کہ وہ فوری طور پر اقدامات کریں اور شہریوں کو درپیش مسائل کے حل کے لیے ضروری کارروائی عمل میں لائیں۔ ذرائع کے مطابق اجلاس میں مختلف امور پر تفصیلی غور کیا گیا اور فیصلہ کیا گیا کہ آئندہ ہفتے سے نئی پالیسی پر عملدرآمد شروع کر دیا جائے گا۔ وزیر اعظم نے کہا کہ عوام کی فلاح و بہبود حکومت کی اولین ترجیح ہے اور اس سلسلے میں کوئی کوتاہی برداشت نہیں کی جائے گی۔ حکومت پاکستان کی جانب سے جاری کردہ اعلامیے کے مطابق متعلقہ اداروں کو ہدایت کی گئی ہے کہ وہ فوری طور پر اقدامات کریں اور شہریوں کو درپیش مسائل کے حل کے لیے ضروری کارروائی عمل میں لائیں۔ ذرائع کے مطابق اجلاس میں مختلف امور پر تفصیلی غور کیا گیا اور فیصلہ کیا گیا کہ آئندہ ہفتے سے نئی پالیسی پر عملدرآمد شروع کر دیا جائے گا۔ وزیر اعظم نے کہا کہ عوام کی فلاح و بہبود حکومت کی اولین ترجیح ہے اور اس سلسلے میں کوئی کوتاہی برداشت نہیں کی جائے گی۔ حکومت پاکستان کی جانب سے جاری کردہ اعلامیے کے مطابق متعلقہ
37
خبر کا عنوان
حکومت پاکستان کی جانب سے جاری کردہ اعلامیے کے مطابق متعلقہ اداروں کو ہدایت کی گئی ہے کہ وہ فوری طور پر اقدامات کریں اور شہریوں کو درپیش مسائل کے حل کے لیے ضروری کارروائی عمل میں لائیں۔ ذرائع کے مطابق اجلاس میں مختلف امور پر تفصیلی غور کیا گیا اور فیصلہ کیا گیا کہ آئندہ ہفتے سے نئی پالیسی پر عملدرآمد شروع کر دیا جائے گا۔ وزیر اعظم نے کہا کہ عوام کی فلاح و بہبود حکومت کی اولین ترجیح ہے اور اس سلسلے میں کوئی کوتاہی برداشت نہیں کی جائے گی۔ حکومت پاکستان کی جانب سے جاری کردہ اعلامیے کے مطابق متعلقہ اداروں کو ہدایت کی گئی ہے کہ وہ فوری طور پر اقدامات کریں اور شہریوں کو درپیش مسائل کے حل کے لیے ضروری کارروائی عمل میں لائیں۔ ذرائع کے مطابق اجلاس میں مختلف امور پر تفصیلی غور کیا گیا اور فیصلہ کیا گیا کہ آئندہ ہفتے سے نئی پالیسی پر عملدرآمد شروع کر دیا جائے گا۔ وزیر اعظم نے کہا کہ عوام کی فلاح و بہبود حکومت کی اولین ترجیح ہے اور اس سلسلے میں کوئی کوتاہی برداشت نہیں کی جائے گی۔ حکومت پاکستان کی جانب سے جاری کردہ اعلامیے کے مطابق متعلقہ اداروں کو ہدایت کی گئی ہے کہ وہ فوری طور پر اقدامات کریں اور شہریوں کو درپیش مسائل کے حل کے لیے ضروری کارروائی عمل میں لائیں۔ ذرائع کے مطابق اجلاس میں مختلف امور پر تفصیلی غور کیا گیا اور فیصلہ کیا گیا کہ آئندہ ہفتے سے نئی پالیسی پر عملدرآمد شروع کر دیا جائے گا۔ وزیر اعظم نے کہا کہ عوام کی فلاح و بہبود حکومت کی اولین ترجیح ہے اور اس سلسلے میں کوئی کوتاہی برداشت نہیں کی جائے گی۔ حکومت پاکستان کی جانب سے جاری کردہ اعلامیے کے مطابق متعلقہ اداروں کو ہدایت کی گئی ہے کہ وہ فوری طور پر اقدامات کریں اور شہریوں کو درپیش مسائل کے حل کے لیے ضروری کارروائی عمل میں لائیں۔ ذرائع کے مطابق اجلاس میں مختلف امور پر تفصیلی غور کیا گیا اور فیصلہ کیا گیا کہ آئندہ ہفتے سے نئی پالیسی پر عملدرآمد شروع کر دیا جائے گا۔ وزیر اعظم نے کہا کہ عوام کی فلاح و بہبود حکومت کی اولین ترجیح ہے اور اس سلسلے میں کوئی کوتاہی برداشت نہیں کی جائے گی۔ حکومت پاکستان کی جانب سے جاری کردہ اعلامیے کے مطابق متعلقہ اداروں کو ہدایت کی گئی ہے کہ وہ فوری طور پر اقدامات کریں اور شہریوں کو درپیش مسائل کے حل کے لیے ضروری کارروائی عمل میں لائیں۔ ذرائع کے مطابق اجلاس میں مختلف امور پر تفصیلی غور کیا گیا اور فیصلہ کیا گیا کہ آئندہ ہفتے سے نئی پالیسی پر عملدرآمد شروع کر دیا جائے گا۔ وزیر اعظم نے کہا کہ عوام کی فلاح و بہبود حکومت کی اولین ترجیح ہے اور اس سلسلے میں کوئی کوتاہی برداشت نہیں کی جائے گی۔ حکومت پاکستان کی جانب سے جاری کردہ اعلامیے کے مطابق متعلقہ اداروں کو ہدایت کی گئی ہے کہ وہ فوری طور پر اقدامات کریں اور شہریوں کو درپیش مسائل کے حل کے لیے ضروری کارروائی عمل میں لائیں۔ ذرائع کے مطابق اجلاس میں مختلف امور پر تفصیلی غور کیا گیا اور فیصلہ کیا گیا کہ آئندہ ہفتے سے نئی پالیسی پر عملدرآمد شروع کر دیا جائے گا۔ وزیر اعظم نے کہا کہ عوام کی فلاح و بہبود حکومت کی اولین ترجیح ہے اور اس سلسلے میں کوئی کوتاہی برداشت نہیں کی جائے گی۔ حکومت پاکستان کی جانب سے جاری کردہ اعلامیے کے مطابق متعلقہ اداروں کو ہدایت کی گئی ہے کہ وہ فوری طور پر اقدامات کریں اور شہریوں کو درپیش مسائل کے حل کے لیے ضروری کارروائی عمل میں لائیں۔ ذرائع کے مطابق اجلاس میں مختلف امور پر تفصیلی غور کیا گیا اور فیصلہ کیا گیا کہ آئندہ ہفتے سے نئی پالیسی پر عملدرآمد شروع کر دیا جائے گا۔ وزیر اعظم نے کہا کہ عوام کی فلاح و بہبود حکومت کی اولین ترجیح ہے اور اس سلسلے میں کوئی کوتاہی برداشت نہیں کی جائے گی۔ حکومت پاکستان کی جانب سے جاری کردہ اعلامیے کے مطابق متعلقہ اداروں کو ہدایت کی گئی ہے کہ وہ فوری طور پر اقدامات کریں اور شہریوں کو درپیش مسائل کے حل کے لیے ضروری کارروائی عمل میں لائیں۔ ذرائع کے مطابق اجلاس میں مختلف امور پر تفصیلی غور کیا گیا اور فیصلہ کیا گیا کہ آئندہ ہفتے سے نئی پالیسی پر عملدرآمد شروع کر دیا جائے گا۔ وزیر اعظم نے کہا کہ عوام کی فلاح و بہبود حکومت کی اولین ترجیح ہے اور اس سلسلے میں کوئی کوتاہی برداشت نہیں کی جائے گی۔ حکومت پاکستان کی جانب سے جاری کردہ اعلامیے کے مطابق متعلقہ اداروں کو ہدایت کی گئی ہے کہ وہ فوری طور پر اقدامات کریں اور شہریوں کو درپیش مسائل کے حل کے لیے ضروری کارروائی عمل میں لائیں۔ ذرائع کے مطابق اجلاس میں مختلف امور پر تفصیلی غور کیا گیا اور فیصلہ کیا گیا کہ آئندہ ہفتے سے نئی پالیسی پر عملدرآمد شروع کر دیا جائے گا۔ وزیر اعظم نے کہا کہ عوام کی فلاح و بہبود حکومت کی اولین ترجیح ہے اور اس سلسلے میں کوئی کوتاہی برداشت نہیں کی جائے گی۔ حکومت پاکستان کی جانب سے جاری کردہ اعلامیے کے مطابق متعلقہ اداروں کو ہدایت کی گئی ہے کہ وہ فوری طور پر اقدامات کریں اور شہریوں کو درپیش مسائل کے حل کے لیے ضروری کارروائی عمل میں لائیں۔ ذرائع کے مطابق اجلاس میں مختلف امور پر تفصیلی غور کیا گیا اور فیصلہ کیا گیا کہ آئندہ ہفتے سے نئی پالیسی پر عملدرآمد شروع کر دیا جائے گا۔ وزیر اعظم نے کہا کہ عوام کی فلاح و بہبود حکومت کی اولین ترجیح ہے اور اس سلسلے میں کوئی کوتاہی برداشت نہیں کی جائے گی۔ حکومت پاکستان کی جانب سے جاری کردہ اعلامیے کے مطابق متعلقہ اداروں کو ہدایت کی گئی ہے کہ وہ فوری طور پر اقدامات کریں اور شہریوں کو درپیش مسائل کے حل کے لیے ضروری کارروائی عمل میں لائیں۔ ذرائع کے مطابق اجلاس میں مختلف امور پر تفصیلی غور کیا گیا اور فیصلہ کیا گیا کہ آئندہ ہفتے سے نئی پالیسی پر عملدرآمد شروع کر دیا جائے گا۔ وزیر اعظم نے کہا کہ عوام کی فلاح و بہبود حکومت کی اولین ترجیح ہے اور اس سلسلے میں کوئی کوتاہی برداشت نہیں کی جائے گی۔ حکومت پاکستان کی جانب سے جاری کردہ اعلامیے کے مطابق متعلقہ اداروں کو ہدایت کی گئی ہے کہ وہ فوری طور پر اقدامات کریں اور شہریوں کو درپیش مسائل کے حل کے لیے ضروری کارروائی عمل میں لائیں۔ ذرائع کے مطابق اجلاس میں مختلف امور پر تفصیلی غور کیا گیا اور فیصلہ کیا گیا کہ آئندہ ہفتے سے نئی پالیسی پر عملدرآمد شروع کر دیا جائے گا۔ وزیر اعظم نے کہا کہ عوام کی فلاح و بہبود حکومت کی اولین ترجیح ہے اور اس سلسلے میں کوئی کوتاہی برداشت نہیں کی جائے گی۔
38
خبر کا عنوان
حکومت پاکستان کی جانب سے جاری کردہ اعلامیے کے مطابق متعلقہ اداروں کو ہدایت کی گئی ہے کہ وہ فوری طور پر اقدامات کریں اور شہریوں کو درپیش مسائل کے حل کے لیے ضروری کارروائی عمل میں لائیں۔ ذرائع کے مطابق اجلاس میں مختلف امور پر تفصیلی غور کیا گیا اور فیصلہ کیا گیا کہ آئندہ ہفتے سے نئی پالیسی پر عملدرآمد شروع کر دیا جائے گا۔ وزیر اعظم نے کہا کہ عوام کی فلاح و بہبود حکومت کی اولین ترجیح ہے اور اس سلسلے میں کوئی کوتاہی برداشت نہیں کی جائے گی۔ حکومت پاکستان کی جانب سے جاری کردہ اعلامیے کے مطابق متعلقہ اداروں کو ہدایت کی گئی ہے کہ وہ فوری طور پر اقدامات کریں اور شہریوں کو درپیش مسائل کے حل کے لیے ضروری کارروائی عمل میں لائیں۔ ذرائع کے مطابق اجلاس میں مختلف امور پر تفصیلی غور کیا گیا اور فیصلہ کیا گیا کہ آئندہ ہفتے سے نئی پالیسی پر عملدرآمد شروع کر دیا جائے گا۔ وزیر اعظم نے کہا کہ عوام کی فلاح و بہبود حکومت کی اولین ترجیح ہے اور اس سلسلے میں کوئی کوتاہی برداشت نہیں کی جائے گی۔ حکومت پاکستان کی جانب سے جاری کردہ اعلامیے کے مطابق متعلقہ اداروں کو ہدایت کی گئی ہے کہ وہ فوری طور پر اقدامات کریں اور شہریوں کو درپیش مسائل کے حل کے لیے ضروری کارروائی عمل میں لائیں۔ ذرائع کے مطابق اجلاس میں مختلف امور پر تفصیلی غور کیا گیا اور فیصلہ کیا گیا کہ آئندہ ہفتے سے نئی پالیسی پر عملدرآمد شروع کر دیا جائے گا۔ وزیر اعظم نے کہا کہ عوام کی فلاح و بہبود حکومت کی اولین ترجیح ہے اور اس سلسلے میں کوئی کوتاہی برداشت نہیں کی جائے گی۔ حکومت پاکستان کی جانب سے جاری کردہ اعلامیے کے مطابق متعلقہ اداروں کو ہدایت کی گئی ہے کہ وہ فوری طور پر اقدامات کریں اور شہریوں کو درپیش مسائل کے حل کے لیے ضروری کارروائی عمل میں لائیں۔ ذرائع کے مطابق اجلاس میں مختلف امور پر تفصیلی غور کیا گیا اور فیصلہ کیا گیا کہ آئندہ ہفتے سے نئی پالیسی پر عملدرآمد شروع کر دیا جائے گا۔ وزیر اعظم نے کہا کہ عوام کی فلاح و بہبود حکومت کی اولین ترجیح ہے اور اس سلسلے میں کوئی کوتاہی برداشت نہیں کی جائے گی۔ حکومت پاکستان کی جانب سے جاری کردہ اعلامیے کے مطابق متعلقہ اداروں کو ہدایت کی گئی ہے کہ وہ فوری طور پر اقدامات کریں اور شہریوں کو درپیش مسائل کے حل کے لیے ضروری کارروائی عمل میں لائیں۔ ذرائع کے مطابق اجلاس میں مختلف امور پر تفصیلی غور کیا گیا اور فیصلہ کیا گیا کہ آئندہ ہفتے سے نئی پالیسی پر عملدرآمد شروع کر دیا جائے گا۔ وزیر اعظم نے کہا کہ عوام کی فلاح و بہبود حکومت کی اولین ترجیح ہے اور اس سلسلے میں کوئی کوتاہی برداشت نہیں کی جائے گی۔ حکومت پاکستان کی جانب سے جاری کردہ اعلامیے کے مطابق متعلقہ اداروں کو ہدایت کی گئی ہے کہ وہ فوری طور پر اقدامات کریں اور شہریوں کو درپیش مسائل کے حل کے لیے ضروری کارروائی عمل میں لائیں۔ ذرائع کے مطابق اجلاس میں مختلف امور پر تفصیلی غور کیا گیا اور فیصلہ کیا گیا کہ آئندہ ہفتے سے نئی پالیسی پر عملدرآمد شروع کر دیا جائے گا۔ وزیر اعظم نے کہا کہ عوام کی فلاح و بہبود حکومت کی اولین ترجیح ہے اور اس سلسلے میں کوئی کوتاہی برداشت نہیں کی جائے گی۔ حکومت پاکستان کی جانب سے جاری کردہ اعلامیے کے مطابق متعلقہ اداروں کو ہدایت کی گئی ہے کہ وہ فوری طور پر اقدامات کریں اور شہریوں کو درپیش مسائل کے حل کے لیے ضروری کارروائی عمل میں لائیں۔ ذرائع کے مطابق اجلاس میں مختلف امور پر تفصیلی غور کیا گیا اور فیصلہ کیا گیا کہ آئندہ ہفتے سے نئی پالیسی پر عملدرآمد شروع کر دیا جائے گا۔ وزیر اعظم نے کہا کہ عوام کی فلاح و بہبود حکومت کی اولین ترجیح ہے اور اس سلسلے میں کوئی کوتاہی برداشت نہیں کی جائے گی۔ حکومت پاکستان کی جانب سے جاری کردہ اعلامیے کے مطابق متعلقہ اداروں کو ہدایت کی گئی ہے کہ وہ فوری طور پر اقدامات کریں اور شہریوں کو درپیش مسائل کے حل کے لیے ضروری کارروائی عمل میں لائیں۔ ذرائع کے مطابق اجلاس میں مختلف امور پر تفصیلی غور کیا گیا اور فیصلہ کیا گیا کہ آئندہ ہفتے سے نئی پالیسی پر عملدرآمد شروع کر دیا جائے گا۔ وزیر اعظم نے کہا کہ عوام کی فلاح و بہبود حکومت کی اولین ترجیح ہے اور اس سلسلے میں کوئی کوتاہی برداشت نہیں کی جائے گی۔ حکومت پاکستان کی جانب سے جاری کردہ اعلامیے کے مطابق متعلقہ اداروں کو ہدایت کی گئی ہے کہ وہ فوری طور پر اقدامات کریں اور شہریوں کو درپیش مسائل کے حل کے لیے ضروری کارروائی عمل میں لائیں۔ ذرائع کے مطابق اجلاس میں مختلف امور پر تفصیلی غور کیا گیا اور فیصلہ کیا گیا کہ آئندہ ہفتے سے نئی پالیسی پر عملدرآمد شروع کر دیا جائے گا۔ وزیر اعظم نے کہا کہ عوام کی فلاح و بہبود حکومت کی اولین ترجیح ہے اور اس سلسلے میں کوئی کوتاہی برداشت نہیں کی جائے گی۔ حکومت پاکستان کی جانب سے جاری کردہ اعلامیے کے مطابق متعلقہ اداروں کو ہدایت کی گئی ہے کہ وہ فوری طور پر اقدامات کریں اور شہریوں کو درپیش مسائل کے حل کے لیے ضروری کارروائی عمل میں لائیں۔ ذرائع کے مطابق اجلاس میں مختلف امور پر تفصیلی غور کیا گیا اور فیصلہ کیا گیا کہ آئندہ ہفتے سے نئی پالیسی پر عملدرآمد شروع کر دیا جائے گا۔ وزیر اعظم نے کہا کہ عوام کی فلاح و بہبود حکومت کی اولین ترجیح ہے اور اس سلسلے میں کوئی کوتاہی برداشت نہیں کی جائے گی۔ حکومت پاکستان کی جانب سے جاری کردہ اعلامیے کے مطابق متعلقہ اداروں کو ہدایت کی گئی ہے کہ وہ فوری طور پر اقدامات کریں اور شہریوں کو درپیش مسائل کے حل کے لیے ضروری کارروائی عمل میں لائیں۔ ذرائع کے مطابق اجلاس میں مختلف امور پر تفصیلی غور کیا گیا اور فیصلہ کیا گیا کہ آئندہ ہفتے سے نئی پالیسی پر عملدرآمد شروع کر دیا جائے گا۔ وزیر اعظم نے کہا کہ عوام کی فلاح و بہبود حکومت کی اولین ترجیح ہے اور اس سلسلے میں کوئی کوتاہی برداشت نہیں کی جائے گی۔ حکومت پاکستان کی جانب سے جاری کردہ اعلامیے کے مطابق متعلقہ اداروں کو ہدایت کی گئی ہے کہ وہ فوری طور پر اقدامات کریں اور شہریوں کو درپیش مسائل کے حل کے لیے ضروری کارروائی عمل میں لائیں۔ ذرائع کے مطابق اجلاس میں مختلف امور پر تفصیلی غور کیا گیا اور فیصلہ کیا گیا کہ آئندہ ہفتے سے نئی پالیسی پر عملدرآمد شروع کر دیا جائے گا۔ وزیر اعظم نے کہا کہ عوام کی فلاح و بہبود حکومت کی اولین ترجیح ہے اور اس سلسلے میں کوئی کوتاہی برداشت نہیں کی جائے گی۔
39
خبر کا عنوان
حکومت پاکستان کی جانب سے جاری کردہ اعلامیے کے مطابق متعلقہ اداروں کو ہدایت کی گئی ہے کہ وہ فوری طور پر اقدامات کریں اور شہریوں کو درپیش مسائل کے حل کے لیے ضروری کارروائی عمل میں لائیں۔ ذرائع کے مطابق اجلاس میں مختلف امور پر تفصیلی غور کیا گیا اور فیصلہ کیا گیا کہ آئندہ ہفتے سے نئی پالیسی پر عملدرآمد شروع کر دیا جائے گا۔ وزیر اعظم نے کہا کہ عوام کی فلاح و بہبود حکومت کی اولین ترجیح ہے اور اس سلسلے میں کوئی کوتاہی برداشت نہیں کی جائے گی۔ حکومت پاکستان کی جانب سے جاری کردہ اعلامیے کے مطابق متعلقہ اداروں کو ہدایت کی گئی ہے کہ وہ فوری طور پر اقدامات کریں اور شہریوں کو درپیش مسائل کے حل کے لیے ضروری کارروائی عمل میں لائیں۔ ذرائع کے مطابق اجلاس میں مختلف امور پر تفصیلی غور کیا گیا اور فیصلہ کیا گیا کہ آئندہ ہفتے سے نئی پالیسی پر عملدرآمد شروع کر دیا جائے گا۔ وزیر اعظم نے کہا کہ عوام کی فلاح و بہبود حکومت کی اولین ترجیح ہے اور اس سلسلے میں کوئی کوتاہی برداشت نہیں کی جائے گی۔ حکومت پاکستان کی جانب سے جاری کردہ اعلامیے کے مطابق متعلقہ اداروں کو ہدایت کی گئی ہے کہ وہ فوری طور پر اقدامات کریں اور شہریوں کو درپیش مسائل کے حل کے لیے ضروری کارروائی عمل میں لائیں۔ ذرائع کے مطابق اجلاس میں مختلف امور پر تفصیلی غور کیا گیا اور فیصلہ کیا گیا کہ آئندہ ہفتے سے نئی پالیسی پر عملدرآمد شروع کر دیا جائے گا۔ وزیر اعظم نے کہا کہ عوام کی فلاح و بہبود حکومت کی اولین ترجیح ہے اور اس سلسلے میں کوئی کوتاہی برداشت نہیں کی جائے گی۔ حکومت پاکستان کی جانب سے جاری کردہ اعلامیے کے مطابق متعلقہ اداروں کو ہدایت کی گئی ہے کہ وہ فوری طور پر اقدامات کریں اور شہریوں کو درپیش مسائل کے حل کے لیے ضروری کارروائی عمل میں لائیں۔ ذرائع کے مطابق اجلاس میں مختلف امور پر تفصیلی غور کیا گیا اور فیصلہ کیا گیا کہ آئندہ ہفتے سے نئی پالیسی پر عملدرآمد شروع کر دیا جائے گا۔ وزیر اعظم نے کہا کہ عوام کی فلاح و بہبود حکومت کی اولین ترجیح ہے اور اس سلسلے میں کوئی کوتاہی برداشت نہیں کی جائے گی۔ حکومت پاکستان کی جانب سے جاری کردہ اعلامیے کے مطابق متعلقہ اداروں کو ہدایت کی گئی ہے کہ وہ فوری طور پر اقدامات کریں اور شہریوں کو درپیش مسائل کے حل کے لیے ضروری کارروائی عمل میں لائیں۔ ذرائع کے مطابق اجلاس میں مختلف امور پر تفصیلی غور کیا گیا اور فیصلہ کیا گیا کہ آئندہ ہفتے سے نئی پالیسی پر عملدرآمد شروع کر دیا جائے گا۔ وزیر اعظم نے کہا کہ عوام کی فلاح و بہبود حکومت کی اولین ترجیح ہے اور اس سلسلے میں کوئی کوتاہی برداشت نہیں کی جائے گی۔ حکومت پاکستان کی جانب سے جاری کردہ اعلامیے کے مطابق متعلقہ اداروں کو ہدایت کی گئی ہے کہ وہ فوری طور پر اقدامات کریں اور شہریوں کو درپیش مسائل کے حل کے لیے ضروری کارروائی عمل میں لائیں۔ ذرائع کے مطابق اجلاس میں مختلف امور پر تفصیلی غور کیا گیا اور فیصلہ کیا گیا کہ آئندہ ہفتے سے نئی پالیسی پر عملدرآمد شروع کر دیا جائے گا۔ وزیر اعظم نے کہا کہ عوام کی فلاح و بہبود حکومت کی اولین ترجیح ہے اور اس سلسلے میں کوئی کوتاہی برداشت نہیں کی جائے گی۔ حکومت پاکستان کی جانب سے جاری کردہ اعلامیے کے مطابق متعلقہ اداروں کو ہدایت کی گئی ہے کہ وہ فوری طور پر اقدامات کریں اور شہریوں کو درپیش مسائل کے حل کے لیے ضروری کارروائی عمل میں لائیں۔ ذرائع کے مطابق اجلاس میں مختلف امور پر تفصیلی غور کیا گیا اور فیصلہ کیا گیا کہ آئندہ ہفتے سے نئی پالیسی پر عملدرآمد شروع کر دیا جائے گا۔ وزیر اعظم نے کہا کہ عوام کی فلاح و بہبود حکومت کی اولین ترجیح ہے اور اس سلسلے میں کوئی کوتاہی برداشت نہیں کی جائے گی۔ حکومت پاکستان کی جانب سے جاری کردہ اعلامیے کے مطابق متعلقہ اداروں کو ہدایت کی گئی ہے کہ وہ فوری طور پر اقدامات کریں اور شہریوں کو درپیش مسائل کے حل کے لیے ضروری کارروائی عمل میں لائیں۔ ذرائع کے مطابق اجلاس میں مختلف امور پر تفصیلی غور کیا گیا اور فیصلہ کیا گیا کہ آئندہ ہفتے سے نئی پالیسی پر عملدرآمد شروع کر دیا جائے گا۔ وزیر اعظم نے کہا کہ عوام کی فلاح و بہبود حکومت کی اولین ترجیح ہے اور اس سلسلے میں کوئی کوتاہی برداشت نہیں کی جائے گی۔ حکومت پاکستان کی جانب سے جاری کردہ اعلامیے کے مطابق متعلقہ اداروں کو ہدایت کی گئی ہے کہ وہ فوری طور پر اقدامات کریں اور شہریوں کو درپیش مسائل کے حل کے لیے ضروری کارروائی عمل میں لائیں۔ ذرائع کے مطابق اجلاس میں مختلف امور پر تفصیلی غور کیا گیا اور فیصلہ کیا گیا کہ آئندہ ہفتے سے نئی پالیسی پر عملدرآمد شروع کر دیا جائے گا۔ وزیر اعظم نے کہا کہ عوام کی فلاح و بہبود حکومت کی اولین ترجیح ہے اور اس سلسلے میں کوئی کوتاہی برداشت نہیں کی جائے گی۔ حکومت پاکستان کی جانب سے جاری کردہ اعلامیے کے مطابق متعلقہ اداروں کو ہدایت کی گئی ہے کہ وہ فوری طور پر اقدامات کریں اور شہریوں کو درپیش مسائل کے حل کے لیے ضروری کارروائی عمل میں لائیں۔ ذرائع کے مطابق اجلاس میں مختلف امور پر تفصیلی غور کیا گیا اور فیصلہ کیا گیا کہ آئندہ ہفتے سے نئی پالیسی پر عملدرآمد شروع کر دیا جائے گا۔ وزیر اعظم نے کہا کہ عوام کی فلاح و بہبود حکومت کی اولین ترجیح ہے اور اس سلسلے میں کوئی کوتاہی برداشت نہیں کی جائے گی۔ حکومت پاکستان کی جانب سے جاری کردہ اعلامیے کے مطابق متعلقہ اداروں کو ہدایت کی گئی ہے کہ وہ فوری طور پر اقدامات کریں اور شہریوں کو درپیش مسائل کے حل کے لیے ضروری کارروائی عمل میں لائیں۔ ذرائع کے مطابق اجلاس میں مختلف امور پر تفصیلی غور کیا گیا اور فیصلہ کیا گیا کہ آئندہ ہفتے سے نئی پالیسی پر عملدرآمد شروع کر دیا جائے گا۔ وزیر اعظم نے کہا کہ عوام کی فلاح و بہبود حکومت کی اولین ترجیح ہے اور اس سلسلے میں کوئی کوتاہی برداشت نہیں کی جائے گی۔ حکومت پاکستان کی جانب سے جاری کردہ اعلامیے کے مطابق متعلقہ اداروں کو ہدایت کی گئی ہے کہ وہ فوری طور پر اقدامات کریں اور شہریوں کو درپیش مسائل کے حل کے لیے ضروری کارروائی عمل میں لائیں۔ ذرائع کے مطابق اجلاس میں مختلف امور پر تفصیلی غور کیا گیا اور فیصلہ کیا گیا کہ آئندہ ہفتے سے نئی پالیسی پر عملدرآمد شروع کر دیا جائے گا۔ وزیر اعظم نے کہا کہ عوام کی فلاح و بہبود حکومت کی اولین ترجیح ہے اور اس سلسلے میں کوئی کوتاہی برداشت نہیں کی جائے گی۔
40
خبر کا عنوان
حکومت پاکستان کی جانب سے جاری کردہ اعلامیے کے مطابق متعلقہ اداروں کو ہدایت کی گئی ہے کہ وہ فوری طور پر اقدامات کریں اور شہریوں کو درپیش مسائل کے حل کے لیے ضروری کارروائی عمل میں لائیں۔ ذرائع کے مطابق اجلاس میں مختلف امور پر تفصیلی غور کیا گیا اور فیصلہ کیا گیا کہ آئندہ ہفتے سے نئی پالیسی پر عملدرآمد شروع کر دیا جائے گا۔ وزیر اعظم نے کہا کہ عوام کی فلاح و بہبود حکومت کی اولین ترجیح ہے اور اس سلسلے میں کوئی کوتاہی برداشت نہیں کی جائے گی۔ حکومت پاکستان کی جانب سے جاری کردہ اعلامیے کے مطابق متعلقہ اداروں کو ہدایت کی گئی ہے کہ وہ فوری طور پر اقدامات کریں اور شہریوں کو درپیش مسائل کے حل کے لیے ضروری کارروائی عمل میں لائیں۔ ذرائع کے مطابق اجلاس میں مختلف امور پر تفصیلی غور کیا گیا اور فیصلہ کیا گیا کہ آئندہ ہفتے سے نئی پالیسی پر عملدرآمد شروع کر دیا جائے گا۔ وزیر اعظم نے کہا کہ عوام کی فلاح و بہبود حکومت کی اولین ترجیح ہے اور اس سلسلے میں کوئی کوتاہی برداشت نہیں کی جائے گی۔ حکومت پاکستان کی جانب سے جاری کردہ اعلامیے کے مطابق متعلقہ اداروں کو ہدایت کی گئی ہے کہ وہ فوری طور پر اقدامات کریں اور شہریوں کو درپیش مسائل کے حل کے لیے ضروری کارروائی عمل میں لائیں۔ ذرائع کے مطابق اجلاس میں مختلف امور پر تفصیلی غور کیا گیا اور فیصلہ کیا گیا کہ آئندہ ہفتے سے نئی پالیسی پر عملدرآمد شروع کر دیا جائے گا۔ وزیر اعظم نے کہا کہ عوام کی فلاح و بہبود حکومت کی اولین ترجیح ہے اور اس سلسلے میں کوئی کوتاہی برداشت نہیں کی جائے گی۔ حکومت پاکستان کی جانب سے جاری کردہ اعلامیے کے مطابق متعلقہ اداروں کو ہدایت کی گئی ہے کہ وہ فوری طور پر اقدامات کریں اور شہریوں کو درپیش مسائل کے حل کے لیے ضروری کارروائی عمل میں لائیں۔ ذرائع کے مطابق اجلاس میں مختلف امور پر تفصیلی غور کیا گیا اور فیصلہ کیا گیا کہ آئندہ ہفتے سے نئی پالیسی پر عملدرآمد شروع کر دیا جائے گا۔ وزیر اعظم نے کہا کہ عوام کی فلاح و بہبود حکومت کی اولین ترجیح ہے اور اس سلسلے میں کوئی کوتاہی برداشت نہیں کی جائے گی۔ حکومت پاکستان کی جانب سے جاری کردہ اعلامیے کے مطابق متعلقہ اداروں کو ہدایت کی گئی ہے کہ وہ فوری طور پر اقدامات کریں اور شہریوں کو درپیش مسائل کے حل کے لیے ضروری کارروائی عمل میں لائیں۔ ذرائع کے مطابق اجلاس میں مختلف امور پر تفصیلی غور کیا گیا اور فیصلہ کیا گیا کہ آئندہ ہفتے سے نئی پالیسی پر عملدرآمد شروع کر دیا جائے گا۔ وزیر اعظم نے کہا کہ عوام کی فلاح و بہبود حکومت کی اولین ترجیح ہے اور اس سلسلے میں کوئی کوتاہی برداشت نہیں کی جائے گی۔ حکومت پاکستان کی جانب سے جاری کردہ اعلامیے کے مطابق متعلقہ اداروں کو ہدایت کی گئی ہے کہ وہ فوری طور پر اقدامات کریں اور شہریوں کو درپیش مسائل کے حل کے لیے ضروری کارروائی عمل میں لائیں۔ ذرائع کے مطابق اجلاس میں مختلف امور پر تفصیلی غور کیا گیا اور فیصلہ کیا گیا کہ آئندہ ہفتے سے نئی پالیسی پر عملدرآمد شروع کر دیا جائے گا۔ وزیر اعظم نے کہا کہ عوام کی فلاح و بہبود حکومت کی اولین ترجیح ہے اور اس سلسلے میں کوئی کوتاہی برداشت نہیں کی جائے گی۔ حکومت پاکستان کی جانب سے جاری کردہ اعلامیے کے مطابق متعلقہ اداروں کو ہدایت کی گئی ہے کہ وہ فوری طور پر اقدامات کریں اور شہریوں کو درپیش مسائل کے حل کے لیے ضروری کارروائی عمل میں لائیں۔ ذرائع کے مطابق اجلاس میں مختلف امور پر تفصیلی غور کیا گیا اور فیصلہ کیا گیا کہ آئندہ ہفتے سے نئی پالیسی پر عملدرآمد شروع کر دیا جائے گا۔ وزیر اعظم نے کہا کہ عوام کی فلاح و بہبود حکومت کی اولین ترجیح ہے اور اس سلسلے میں کوئی کوتاہی برداشت نہیں کی جائے گی۔ حکومت پاکستان کی جانب سے جاری کردہ اعلامیے کے مطابق متعلقہ اداروں کو ہدایت کی گئی ہے کہ وہ فوری طور پر اقدامات کریں اور شہریوں کو درپیش مسائل کے حل کے لیے ضروری کارروائی عمل میں لائیں۔ ذرائع کے مطابق اجلاس میں مختلف امور پر تفصیلی غور کیا گیا اور فیصلہ کیا گیا کہ آئندہ ہفتے سے نئی پالیسی پر عملدرآمد شروع کر دیا جائے گا۔ وزیر اعظم نے کہا کہ عوام کی فلاح و بہبود حکومت کی اولین ترجیح ہے اور اس سلسلے میں کوئی کوتاہی برداشت نہیں کی جائے گی۔ حکومت پاکستان کی جانب سے جاری کردہ اعلامیے کے مطابق متعلقہ اداروں کو ہدایت کی گئی ہے کہ وہ فوری طور پر اقدامات کریں اور شہریوں کو درپیش مسائل کے حل کے لیے ضروری کارروائی عمل میں لائیں۔ ذرائع کے مطابق اجلاس میں مختلف امور پر تفصیلی غور کیا گیا اور فیصلہ کیا گیا کہ آئندہ ہفتے سے نئی پالیسی پر عملدرآمد شروع کر دیا جائے گا۔ وزیر اعظم نے کہا کہ عوام کی فلاح و بہبود حکومت کی اولین ترجیح ہے اور اس سلسلے میں کوئی کوتاہی برداشت نہیں کی جائے گی۔ حکومت پاکستان کی جانب سے جاری کردہ اعلامیے کے مطابق متعلقہ اداروں کو ہدایت کی گئی ہے کہ وہ فوری طور پر اقدامات کریں اور شہریوں کو درپیش مسائل کے حل کے لیے ضروری کارروائی عمل میں لائیں۔ ذرائع کے مطابق اجلاس میں مختلف امور پر تفصیلی غور کیا گیا اور فیصلہ کیا گیا کہ آئندہ ہفتے سے نئی پالیسی پر عملدرآمد شروع کر دیا جائے گا۔ وزیر اعظم نے کہا کہ عوام کی فلاح و بہبود حکومت کی اولین ترجیح ہے اور اس سلسلے میں کوئی کوتاہی برداشت نہیں کی جائے گی۔ حکومت پاکستان کی جانب سے جاری کردہ اعلامیے کے مطابق متعلقہ اداروں کو ہدایت کی گئی ہے کہ وہ فوری طور پر اقدامات کریں اور شہریوں کو درپیش مسائل کے حل کے لیے ضروری کارروائی عمل میں لائیں۔ ذرائع کے مطابق اجلاس میں مختلف امور پر تفصیلی غور کیا گیا اور فیصلہ کیا گیا کہ آئندہ ہفتے سے نئی پالیسی پر عملدرآمد شروع کر دیا جائے گا۔ وزیر اعظم نے کہا کہ عوام کی فلاح و بہبود حکومت کی اولین ترجیح ہے اور اس سلسلے میں کوئی کوتاہی برداشت نہیں کی جائے گی۔ حکومت پاکستان کی جانب سے جاری کردہ اعلامیے کے مطابق متعلقہ
مختصر اشتہارات
صرف 100 روپے فی سطر
اشتہارات کی بکنگ کے لیے رابطہ کریں
021-35655270,71,72
کورٹ نوٹس
حکومت پاکستان کی جانب سے جاری کردہ اعلامیے کے مطابق متعلقہ اداروں کو ہدایت کی گئی ہے کہ وہ فوری طور پر اقدامات کریں اور شہریوں کو درپیش مسائل کے حل کے لیے ضروری کارروائی عمل میں لائیں۔ ذرائع کے مطابق اجلاس میں مختلف امور پر تفصیلی غور کیا گیا اور فیصلہ کیا گیا کہ آئندہ ہفتے سے نئی پالیسی پر عملدرآمد شروع کر دیا جائے گا۔ وزیر اعظم نے کہا کہ عوام کی فلاح و بہبود حکومت کی اولین ترجیح ہے اور اس سلسلے میں کوئی کوتاہی برداشت نہیں کی جائے گی۔ حکومت پاکستان کی جانب سے جاری کردہ اعلامیے کے مطابق متعلقہ اداروں کو ہدایت کی گئی ہے کہ وہ فوری طور پر اقدامات کریں اور شہریوں کو درپیش مسائل کے حل کے لیے ضروری کارروائی عمل میں لائیں۔ ذرائع کے مطابق اجلاس میں مختلف امور پر تفصیلی غور کیا گیا اور فیصلہ کیا گیا کہ آئندہ ہفتے سے نئی پالیسی پر عملدرآمد شروع کر دیا جائے گا۔ وزیر اعظم نے کہا کہ عوام کی فلاح و بہبود حکومت کی اولین ترجیح ہے اور اس سلسلے میں کوئی کوتاہی برداشت نہیں کی جائے گی۔ حکومت پاکستان کی جانب سے جاری کردہ اعلامیے کے مطابق متعلقہ اداروں کو ہدایت کی گئی ہے کہ وہ فوری طور پر اقدامات کریں اور شہریوں کو درپیش مسائل کے حل کے لیے ضروری کارروائی عمل میں لائیں۔ ذرائع کے مطابق اجلاس میں مختلف امور پر تفصیلی غور کیا گیا اور فیصلہ کیا گیا کہ آئندہ ہفتے سے نئی پالیسی پر عملدرآمد شروع کر دیا جائے گا۔ وزیر اعظم نے کہا کہ عوام کی فلاح و بہبود حکومت کی اولین ترجیح ہے اور اس سلسلے میں کوئی کوتاہی برداشت نہیں کی جائے گی۔ حکومت پاکستان کی جانب سے جاری کردہ اعلامیے کے مطابق متعلقہ اداروں کو ہدایت کی گئی ہے کہ وہ فوری طور پر اقدامات کریں اور شہریوں کو درپیش مسائل کے حل کے لیے ضروری کارروائی عمل میں لائیں۔ ذرائع کے مطابق اجلاس میں مختلف امور پر تفصیلی غور کیا گیا اور فیصلہ کیا گیا کہ آئندہ ہفتے سے نئی پالیسی پر عملدرآمد شروع کر دیا جائے گا۔ وزیر اعظم نے کہا کہ عوام کی فلاح و بہبود حکومت کی اولین ترجیح ہے اور اس سلسلے میں کوئی کوتاہی برداشت نہیں کی جائے گی۔ حکومت پاکستان کی جانب سے جاری کردہ اعلامیے کے مطابق متعلقہ اداروں کو ہدایت کی گئی ہے کہ وہ فوری طور پر اقدامات کریں اور شہریوں کو درپیش مسائل کے حل کے لیے ضروری کارروائی عمل میں لائیں۔ ذرائع کے مطابق اجلاس میں مختلف امور پر تفصیلی غور کیا گیا اور فیصلہ کیا گیا کہ آئندہ ہفتے سے نئی پالیسی پر عملدرآمد شروع کر دیا جائے گا۔ وزیر اعظم نے کہا کہ عوام کی فلاح و بہبود حکومت کی اولین ترجیح ہے اور اس سلسلے میں کوئی کوتاہی برداشت نہیں کی جائے گی۔ حکومت پاکستان کی جانب سے جاری کردہ اعلامیے کے مطابق متعلقہ اداروں کو ہدایت کی گئی ہے کہ وہ فوری طور پر اقدامات کریں اور شہریوں کو درپیش مسائل کے حل کے لیے ضروری کارروائی عمل میں لائیں۔ ذرائع کے مطابق اجلاس میں مختلف امور پر تفصیلی غور کیا گیا اور فیصلہ کیا گیا کہ آئندہ ہفتے سے نئی پالیسی پر عملدرآمد شروع کر دیا جائے گا۔ وزیر اعظم نے کہا کہ عوام کی فلاح و بہبود حکومت کی اولین ترجیح ہے اور اس سلسلے میں کوئی کوتاہی برداشت نہیں کی جائے گی۔ حکومت پاکستان کی جانب سے جاری کردہ اعلامیے کے مطابق متعلقہ اداروں کو ہدایت کی گئی ہے کہ وہ فوری طور پر اقدامات کریں اور شہریوں کو درپیش مسائل کے حل کے لیے ضروری کارروائی عمل میں لائیں۔ ذرائع کے مطابق اجلاس میں مختلف امور پر تفصیلی غور کیا گیا اور فیصلہ کیا گیا کہ آئندہ ہفتے سے نئی پالیسی پر عملدرآمد شروع کر دیا جائے گا۔ وزیر اعظم نے کہا کہ عوام کی فلاح و بہبود حکومت کی اولین ترجیح ہے اور اس سلسلے میں کوئی کوتاہی برداشت نہیں کی جائے گی۔ حکومت پاکستان کی جانب سے جاری کردہ اعلامیے کے مطابق متعلقہ اداروں کو ہدایت کی گئی ہے کہ وہ فوری طور پر اقدامات کریں اور شہریوں کو درپیش مسائل کے حل کے لیے ضروری کارروائی عمل میں لائیں۔ ذرائع کے مطابق اجلاس میں مختلف امور پر تفصیلی غور کیا گیا اور فیصلہ کیا گیا کہ آئندہ ہفتے سے نئی پالیسی پر عملدرآمد شروع کر دیا جائے گا۔ وزیر اعظم نے کہا کہ عوام کی فلاح و بہبود حکومت کی اولین ترجیح ہے اور اس سلسلے میں کوئی کوتاہی برداشت نہیں کی جائے گی۔ حکومت پاکستان کی جانب سے جاری کردہ اعلامیے کے مطابق متعلقہ اداروں کو ہدایت کی گئی ہے کہ وہ فوری طور پر اقدامات کریں اور شہریوں کو درپیش مسائل کے حل کے لیے ضروری کارروائی عمل میں لائیں۔ ذرائع کے مطابق اجلاس میں مختلف امور پر تفصیلی غور کیا گیا اور فیصلہ کیا گیا کہ آئندہ ہفتے سے نئی پالیسی پر عملدرآمد شروع کر دیا جائے گا۔ وزیر اعظم نے کہا کہ عوام کی فلاح و بہبود حکومت کی اولین ترجیح ہے اور اس سلسلے میں کوئی کوتاہی برداشت نہیں کی جائے گی۔ حکومت پاکستان کی جانب سے جاری کردہ اعلامیے کے مطابق متعلقہ اداروں کو ہدایت کی گئی ہے کہ وہ فوری طور پر اقدامات کریں اور شہریوں کو درپیش مسائل کے حل کے لیے ضروری کارروائی عمل میں لائیں۔ ذرائع کے مطابق اجلاس میں مختلف امور پر تفصیلی غور کیا گیا اور فیصلہ کیا گیا کہ آئندہ ہفتے سے نئی پالیسی پر عملدرآمد شروع کر دیا جائے گا۔ وزیر اعظم نے کہا کہ عوام کی فلاح و بہبود حکومت کی اولین ترجیح ہے اور اس سلسلے میں کوئی کوتاہی برداشت نہیں کی جائے گی۔ حکومت پاکستان کی جانب سے جاری کردہ اعلامیے کے مطابق متعلقہ اداروں کو ہدایت کی گئی ہے کہ وہ فوری طور پر اقدامات کریں اور شہریوں کو درپیش مسائل کے حل کے لیے ضروری کارروائی عمل میں لائیں۔ ذرائع کے مطابق اجلاس میں مختلف امور پر تفصیلی غور کیا گیا اور فیصلہ کیا گیا کہ آئندہ ہفتے سے نئی پالیسی پر عملدرآمد شروع کر دیا جائے گا۔ وزیر اعظم نے کہا کہ عوام کی فلاح و بہبود حکومت کی اولین ترجیح ہے اور اس سلسلے میں کوئی کوتاہی برداشت نہیں کی جائے گی۔ حکومت پاکستان کی جانب سے جاری کردہ اعلامیے کے مطابق متعلقہ اداروں کو ہدایت کی گئی ہے کہ وہ فوری طور پر اقدامات کریں اور شہریوں کو درپیش مسائل کے حل کے لیے ضروری کارروائی عمل میں لائیں۔ ذرائع کے مطابق اجلاس میں مختلف امور پر تفصیلی غور کیا گیا اور فیصلہ کیا گیا کہ آئندہ ہفتے سے نئی پالیسی پر عملدرآمد شروع کر دیا جائے گا۔ وزیر اعظم نے کہا کہ عوام کی فلاح و بہبود حکومت کی اولین ترجیح ہے اور اس سلسلے میں کوئی کوتاہی برداشت نہیں کی جائے گی۔
STF
Suit for restitution of conjugal rights
43
خبر کا عنوان
حکومت پاکستان کی جانب سے جاری کردہ اعلامیے کے مطابق متعلقہ اداروں کو ہدایت کی گئی ہے کہ وہ فوری طور پر اقدامات کریں اور شہریوں کو درپیش مسائل کے حل کے لیے ضروری کارروائی عمل میں لائیں۔ ذرائع کے مطابق اجلاس میں مختلف امور پر تفصیلی غور کیا گیا اور فیصلہ کیا گیا کہ آئندہ ہفتے سے نئی پالیسی پر عملدرآمد شروع کر دیا جائے گا۔ وزیر اعظم نے کہا کہ عوام کی فلاح و بہبود حکومت کی اولین ترجیح ہے اور اس سلسلے میں کوئی کوتاہی برداشت نہیں کی جائے گی۔ حکومت پاکستان کی جانب سے جاری کردہ اعلامیے کے مطابق متعلقہ اداروں کو ہدایت کی گئی ہے کہ وہ فوری طور پر اقدامات کریں اور شہریوں کو درپیش مسائل کے حل کے لیے ضروری کارروائی عمل میں لائیں۔ ذرائع کے مطابق اجلاس میں مختلف امور پر تفصیلی غور کیا گیا اور فیصلہ کیا گیا کہ آئندہ ہفتے سے نئی پالیسی پر عملدرآمد شروع کر دیا جائے گا۔ وزیر اعظم نے کہا کہ عوام کی فلاح و بہبود حکومت کی اولین ترجیح ہے اور اس سلسلے میں کوئی کوتاہی برداشت نہیں کی جائے گی۔ حکومت پاکستان کی جانب سے جاری کردہ اعلامیے کے مطابق متعلقہ اداروں کو ہدایت کی گئی ہے کہ وہ فوری طور پر اقدامات کریں اور شہریوں کو درپیش مسائل کے حل کے لیے ضروری کارروائی عمل میں لائیں۔ ذرائع کے مطابق اجلاس میں مختلف امور پر تفصیلی غور کیا گیا اور فیصلہ کیا گیا کہ آئندہ ہفتے سے نئی پالیسی پر عملدرآمد شروع کر دیا جائے گا۔ وزیر اعظم نے کہا کہ عوام کی فلاح و بہبود حکومت کی اولین ترجیح ہے اور اس سلسلے میں کوئی کوتاہی برداشت نہیں کی جائے گی۔ حکومت پاکستان کی جانب سے جاری کردہ اعلامیے کے مطابق متعلقہ اداروں کو ہدایت کی گئی ہے کہ وہ فوری طور پر اقدامات کریں اور شہریوں کو درپیش مسائل کے حل کے لیے ضروری کارروائی عمل میں لائیں۔ ذرائع کے مطابق اجلاس میں مختلف امور پر تفصیلی غور کیا گیا اور فیصلہ کیا گیا کہ آئندہ ہفتے سے نئی پالیسی پر عملدرآمد شروع کر دیا جائے گا۔ وزیر اعظم نے کہا کہ عوام کی فلاح و بہبود حکومت کی اولین ترجیح ہے اور اس سلسلے میں کوئی کوتاہی برداشت نہیں کی جائے گی۔ حکومت پاکستان کی جانب سے جاری کردہ اعلامیے کے مطابق متعلقہ اداروں کو ہدایت کی گئی ہے کہ وہ فوری طور پر اقدامات کریں اور شہریوں کو درپیش مسائل کے حل کے لیے ضروری کارروائی عمل میں لائیں۔ ذرائع کے مطابق اجلاس میں مختلف امور پر تفصیلی غور کیا گیا اور فیصلہ کیا گیا کہ آئندہ ہفتے سے نئی پالیسی پر عملدرآمد شروع کر دیا جائے گا۔ وزیر اعظم نے کہا کہ عوام کی فلاح و بہبود حکومت کی اولین ترجیح ہے اور اس سلسلے میں کوئی کوتاہی برداشت نہیں کی جائے گی۔ حکومت پاکستان کی جانب سے جاری کردہ اعلامیے کے مطابق متعلقہ اداروں کو ہدایت کی گئی ہے کہ وہ فوری طور پر اقدامات کریں اور شہریوں کو درپیش مسائل کے حل کے لیے ضروری کارروائی عمل میں لائیں۔ ذرائع کے مطابق اجلاس میں مختلف امور پر تفصیلی غور کیا گیا اور فیصلہ کیا گیا کہ آئندہ ہفتے سے نئی پالیسی پر عملدرآمد شروع کر دیا جائے گا۔ وزیر اعظم نے کہا کہ عوام کی فلاح و بہبود حکومت کی اولین ترجیح ہے اور اس سلسلے میں کوئی کوتاہی برداشت نہیں کی جائے گی۔ حکومت پاکستان کی جانب سے جاری کردہ اعلامیے کے مطابق متعلقہ اداروں کو ہدایت کی گئی ہے کہ وہ فوری طور پر اقدامات کریں اور شہریوں کو درپیش مسائل کے حل کے لیے ضروری کارروائی عمل میں لائیں۔ ذرائع کے مطابق اجلاس میں مختلف امور پر تفصیلی غور کیا گیا اور فیصلہ کیا گیا کہ آئندہ ہفتے سے نئی پالیسی پر عملدرآمد شروع کر دیا جائے گا۔ وزیر اعظم نے کہا کہ عوام کی فلاح و بہبود حکومت کی اولین ترجیح ہے اور اس سلسلے میں کوئی کوتاہی برداشت نہیں کی جائے گی۔ حکومت پاکستان کی جانب سے جاری کردہ اعلامیے کے مطابق متعلقہ اداروں کو ہدایت کی گئی ہے کہ وہ فوری طور پر اقدامات کریں اور شہریوں کو درپیش مسائل کے حل کے لیے ضروری کارروائی عمل میں لائیں۔ ذرائع کے مطابق اجلاس میں مختلف امور پر تفصیلی غور کیا گیا اور فیصلہ کیا گیا کہ آئندہ ہفتے سے نئی پالیسی پر عملدرآمد شروع کر دیا جائے گا۔ وزیر اعظم نے کہا کہ عوام کی فلاح و بہبود حکومت کی اولین ترجیح ہے اور اس سلسلے میں کوئی کوتاہی برداشت نہیں کی جائے گی۔ حکومت پاکستان کی جانب سے جاری کردہ اعلامیے کے مطابق متعلقہ اداروں کو ہدایت کی گئی ہے کہ وہ فوری طور پر اقدامات کریں اور شہریوں کو درپیش مسائل کے حل کے لیے ضروری کارروائی عمل میں لائیں۔ ذرائع کے مطابق اجلاس میں مختلف امور پر تفصیلی غور کیا گیا اور فیصلہ کیا گیا کہ آئندہ ہفتے سے نئی پالیسی پر عملدرآمد شروع کر دیا جائے گا۔ وزیر اعظم نے کہا کہ عوام کی فلاح و بہبود حکومت کی اولین ترجیح ہے اور اس سلسلے میں کوئی کوتاہی برداشت نہیں کی جائے گی۔ حکومت پاکستان کی جانب سے جاری کردہ اعلامیے کے مطابق متعلقہ اداروں کو ہدایت کی گئی ہے کہ وہ فوری طور پر اقدامات کریں اور شہریوں کو درپیش مسائل کے حل کے لیے ضروری کارروائی عمل میں لائیں۔ ذرائع کے مطابق اجلاس میں مختلف امور پر تفصیلی غور کیا گیا اور فیصلہ کیا گیا کہ آئندہ ہفتے سے نئی پالیسی پر عملدرآمد شروع کر دیا جائے گا۔ وزیر اعظم نے کہا کہ عوام کی فلاح و بہبود حکومت کی اولین ترجیح ہے اور اس سلسلے میں کوئی کوتاہی برداشت نہیں کی جائے گی۔ حکومت پاکستان کی جانب سے جاری کردہ اعلامیے کے مطابق متعلقہ اداروں کو ہدایت کی گئی ہے کہ وہ فوری طور پر اقدامات کریں اور شہریوں کو درپیش مسائل کے حل کے لیے ضروری کارروائی عمل میں لائیں۔ ذرائع کے مطابق اجلاس میں مختلف امور پر تفصیلی غور کیا گیا اور فیصلہ کیا گیا کہ آئندہ ہفتے سے نئی پالیسی پر عملدرآمد شروع کر دیا جائے گا۔ وزیر اعظم نے کہا کہ عوام کی فلاح و بہبود حکومت کی اولین ترجیح ہے اور اس سلسلے میں کوئی کوتاہی برداشت نہیں کی جائے گی۔ حکومت پاکستان کی جانب سے جاری کردہ اعلامیے کے مطابق متعلقہ اداروں کو ہدایت کی گئی ہے کہ وہ فوری طور پر اقدامات کریں اور شہریوں کو درپیش مسائل کے حل کے لیے ضروری کارروائی عمل میں لائیں۔ ذرائع کے مطابق اجلاس میں مختلف امور پر تفصیلی غور کیا گیا اور فیصلہ کیا گیا کہ آئندہ ہفتے سے نئی پالیسی پر عملدرآمد شروع کر دیا جائے گا۔ وزیر اعظم نے کہا کہ عوام کی فلاح و بہبود حکومت کی اولین ترجیح ہے اور اس سلسلے میں کوئی کوتاہی برداشت نہیں کی جائے گی۔
